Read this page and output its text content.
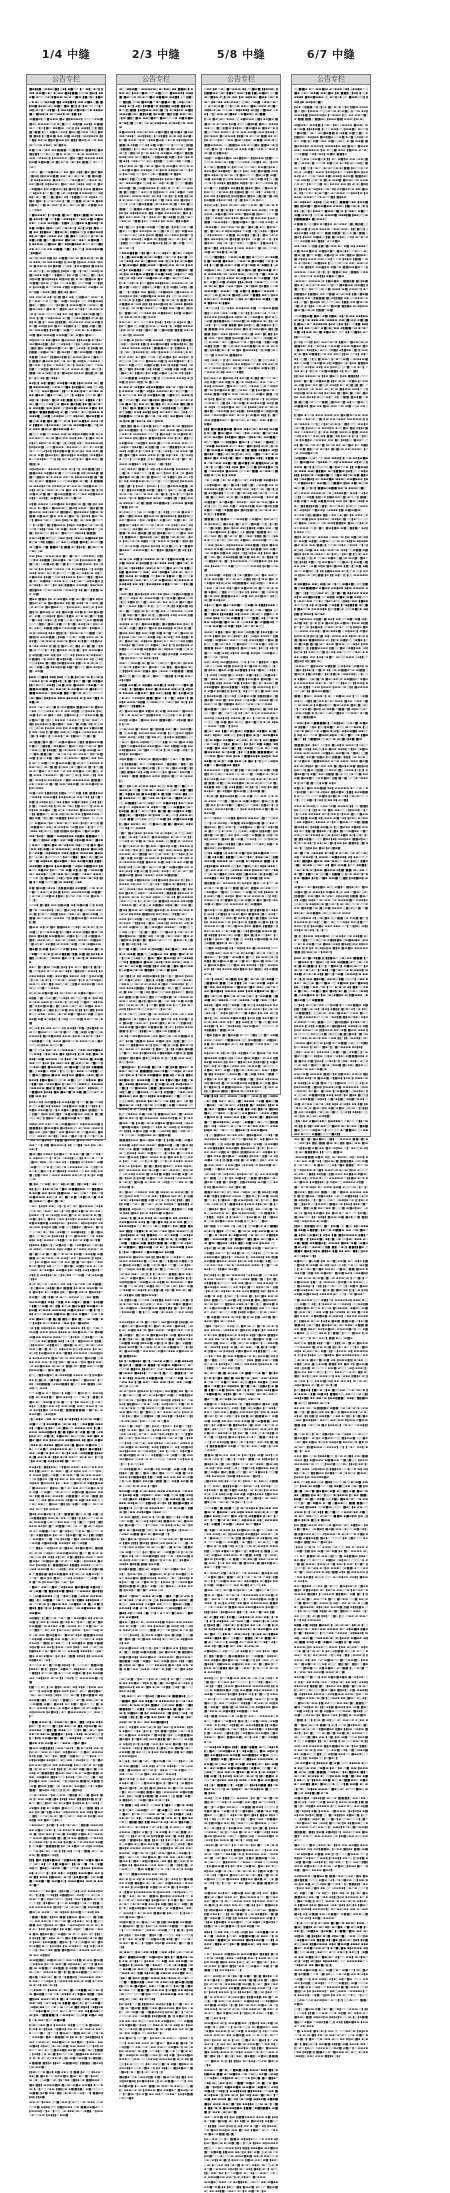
1/4 中缝
公告专栏
■▪▮▮■ ▯▬▪▰▯■▮ ▯▪▮ ▪■▱▱ ▮▱ ▬▮▯ ▪▱▮ ▮▬▪ ▬▬■▱▪▱ ▪▯▬▰ ■▪▮■■ ▯▯▱▬ ▮▮▰▮ ▪▪▰■ ▰▱▱ ▱▰▯▮■▬▬ ▬▯▰ ▱■▬ ▮■▱▮▱ ▮■▰▱▪ ▪▯ ▯▱▪▰▪■ ■▮ ▰▪▮■▪▮ ▬▪ ▰■▪ ▯■ ■▮▬■ ▮▰▬▱▰▯ ▬■▱ ■▪ ■▯▮ ▮▱▮▬ ▱▯ ▱▯▮▱ ▬▮▯▰▱▮▱ ▰▮■▱▮ ▬▰▰▮▮ ▰■▬▮▱▯▪ ▪▪▮▬■▱ ■▬▪▯▪ ▬▱▯▬▰▪ ▬▱▮■ ▮▪
▬■■▰▮ ▱■▬▪▬ ■▰ ■▮▪▬▪▰▮ ▯▱▱ ▱▰▬■ ■▰▯ ▪▬▬▪▱▯▰ ▪▯■▯▱▯ ▬▮▮■ ▰▰▮▮ ▬■■▬▱ ▱▮▱▮■▱ ▪▪■▬ ▱▰▯▮ ▮▪ ▬▪▮▮ ▯▯▮ ■▮ ■▯■■ ▮▯▱ ▪■▰▱▰▰▮ ■▬▯■▯▬▬ ▯▪▯▯■▪■ ■▪▮ ▮▱■▬■ ▪▬ ▬■ ▬▰▮▮ ▯▬▰▮▪▰▪ ▮▮▱■▮ ▪▰▯▪ ■▮▰■▬▪ ▮▰ ■▮▮ ■▰▮▯▰ ▱▰ ▪▬▬▱▯▱▬ ▰▪▰▯ ▬▯■▮▬
▪■▱▯▪ ▱▪▰ ▬▰■■■ ▱▯■■▪▬ ■■▪▮▯■▪ ■▮■▮ ▯▱▬▱▯▯ ■▬ ▰▯▰▱▱ ▪▯▬ ▬▬▪▬▱▱ ▬▬ ▱▰▪▬▯▮ ▮▬▰▰▰▰ ▯■▰▱■▮ ▬▪▬▪ ▪▪▪ ▮▬■ ▪■▪■▯▬ ■▯▰▱▬ ▯▪▱▮▪ ■■▯▯ ▰▯▱ ▯▯▰▱
▱▰▯▱ ■▯ ▱▪■▰▪▯▱ ▪▰ ■▰ ▰▮▮▯■▰ ■▰ ■▪▯■▬▮ ▮▮▰▬▬■■ ▬▪▯ ▪▱ ▬▯▱▪ ▱■ ■▬■▯▯▮ ▪▪▮▬▰▰▰ ■▰▪▱▯▱ ▱▪▰■▬▯ ▱▮▬▪ ▬▯ ▰▰▯■▰▮ ▬▮▪▰▬▯ ■▰▱▬▰ ▯▪▮▪ ▬▮▱▰ ■▰▱▪■■▰ ▮▬ ▰■▬▬▯▮▮ ■▰▮ ▮▯▮ ▪▬▪ ■■▪▪▱ ▪▮▰▪ ▮▱▱■▯▯■ ▯▰▱▬▮▪■ ▪▬▪▬▮▱▱ ▬▮ ▪▮▯ ▪▯▱■▯ ▯■▯■▪▯ ▰▮ ▱▮■■▱▱▰ ▰▮▪▪ ▱▯■▰ ■▪▱▮ ▯▱▰▱▰▰ ▮▱■ ▱▯■■ ▰▯▪▱▪ ■▪▪▮■▬▯ ▱■ ▪▱▬▰▱▮ ▪▯▱▬▱▯▰ ■▱ ▰■■ ▰▰▯ ▱▰▪▰
▱■▰▰▪▪▯ ▮▱▮▬■ ■▯▰▱ ■▮▪▯■■ ▪▱▪▬▪■ ▪▰▰▮▱■ ▱▱▮■ ▱▰▪▪▮▪▱ ▯▪▰▯▰■ ▰■▬▰▪▱ ▱▰▬ ▬▰▮■▱ ▮■▪ ▯▯▯■▪▪ ▪■▬▪▮▱▪ ▪■ ▬■▪ ▮▮▪▱▯▰▯ ▱▪▯▪▱▮ ▬▯▮▯▰▮▮ ■▪ ▱■ ▪▰ ▮▮■▪▰ ▯■▮▬▯▪▯ ▮■▮▰▱▯▮ ▰■▰▬▰▮ ▪▮▯▰▱■▰ ▯▰▪▰ ▰▰ ▯■ ■▪▱ ▯▰▯▯▱ ▮▱▰▱▪ ▪■▯▰■ ■▯▱ ■▰▬▰ ■▪▯▬▱ ▪▪▱ ▬■▪■ ▱▮ ▪▪▬▬ ▯▯■▬▰ ■▱ ▪▮▪■▪▪▪ ▪▱▱ ▰▱▯■▮▰▪ ▰▯ ▱▰ ▰▪ ▰■■ ▱■▯ ▮▪ ▱▯▮ ▬▬▬▮▬■ ▯▮▪■▰▯
▬▱▬▯▬▬ ▮■ ▮▰ ▰■■▱▬▱▬ ■▬▬▯▮▱▬ ■▬ ▪▪▪▱▬ ▬▪▬▪■▮ ▮▯▪▰■ ▮▮▬▰ ▰▬▪▱▮▬▬ ■▬▪▯▬ ▮▰■▪■ ▱▯▰▪ ▯▮▬▬■▪▮ ■▬▪▬▬ ▬▱▱▮▯ ▬▯▮■▮▮ ▮▪▮▪ ▱■ ▱▮▱▪▯ ▱▪▬▮▯▪ ■▯▬▪▪ ▪■▱ ▱▮■▪▯▯ ▮▰ ▰■ ▯▱▪▯▯ ■▯ ▯▮▰▬▮▬■ ■▰▮▪▪▮▪ ▪▮▮▬▮ ■▯▪ ▬▱■■▰▪ ■▰ ▬■■▱▮▰▬ ▯▱▮▰ ▱▱ ▪▬■▯ ▯▱▱▬■ ▱▱▮▮▮▰ ▮▰▰▪■ ▪▱ ▯▰▰▪ ▰■▮ ▰■▬▰▬▯ ▰▪■▰ ▬▰▱▮■ ▱▪▰▪▯■▮ ■▮▯▪▮ ■▰▯
▬▪ ▰▬▯▬ ▰▮▱▮▯■ ■▰ ▬▮ ▱▯▮■▬▱ ▬▬▱ ▪▮ ▱▬▰▱▱▰ ▯▱■▱ ▬■▱▬▰▮▰ ▱▱ ▰▪■▬▪▮ ■▪▯ ▱■▮▱ ▱▯ ▱▮▰■▱▮ ▬▬▬■▯▪ ▱▰▬▯▯ ■■▬▯▬▪▱ ■▪ ▪▱▯■▮▪ ▬▰ ▰▱▪▮▱ ▯▪ ▰▬▯▪▯▪ ▮▱▰▬ ▱▯▱▱▯▪▮ ▪▰ ▬▮ ■▰ ▯▪▪▯▪■ ■▯▯▬▬ ▮▯■ ▱▬▮▰▬▬ ▰▯■ ▱▯▪▬■■▮ ▰▯▪ ▮▮ ▪▮ ▪▯■ ▮▱ ▬▬ ▮▮▮▮■▯ ▬▯▰▰▰▰ ▰▬▯▰▰■ ▮▪▱■ ▰▰▮▮ ▮▬ ■▰▱ ▪▮■▪ ▮▱▯ ■■ ▰■ ▯■▯ ▬▱▬▪▬■▮ ▮▪▰■▱ ▬■▱▯ ▰▬ ▪▱▪ ▰■▪▬▯▬■ ■▪▯▬▬▪■ ▰▬▪■▯▯▪ ▯▰■▰ ■▬▱
▬▮▬▰▱▰ ▪▪▯■▪▰ ■▰▬▬▰ ▮▮▪▰▪■ ▪▱▮▪▱ ▬▰■▪▰▮■ ▯▮▰ ▱▯▰▮▬▮▱ ▯▮▰ ▯▬▮▰ ▪▬▬▱ ▯■▮▯■▰ ▬■▬▬■▱ ▰▱■▱ ▯▰▰▮▱▮ ▮▪■ ▮▮ ▮■■ ▱▪■▰▱▪▱ ■▯▪▰▮▮ ▱■▱▬▬■■ ▱▮■▰▪■■ ▯▬▰▱ ▮▮■▪▰▮■ ▮▯ ▬▬▰▯▮▰▰ ▯■▪▯▱▮ ■■▰ ■▰▰▪ ▮▰▯▱▪ ▬▱■ ▬▮▮▰ ▱▰▪▪▰ ▯■▱▰▪ ▱▮ ▮▬ ▱▬▰▰▯ ▬▱▮ ▬▰▪▯▯▬▱ ▱▰▬ ▮■▱ ▱▪▮▮▮ ■▪▬▱▰ ▯▰ ▰▬▬ ▪▯■▯ ▬▱▯▮▯ ■■▱▬ ▰▯▪▮▯▯▮ ▮▱■▬▮▬ ▮▰▪▬ ■▮■▯▪▱■ ▮▱ ▮▯▱▪▮ ■▱▪▮▮▱
▪▰▮▯▮ ▬▮▯■■▯ ▰▬▮■▱▪■ ▮▮▰▯▰▰▪ ▬▯ ■■ ▪▪▬▬▬▮▯ ▱▰▬▱▱■▪ ▮▰▮■▬▯ ▬▮ ▱▯ ▰▮▯▪ ▱▯▯ ▬▰▰■▬▪▱ ▮▮▱▱▪ ▪▪▯▮▬▱ ▰▱▪▰ ▬▪▪ ■▪▬ ▯■▪▱▱▬▯ ▯▱ ▯▮ ▰▮▮▬ ▯▱▱▬ ■▱▬▮▱▪ ▯▮▰▮▱ ■▯▰ ▪▮▯■■ ▮▯▯▪▱ ▪■▮▪ ▱▮▱▬▯ ■▱▯▯ ▱▬▮▯▯▰ ■▰▪ ■▰▮■▯▮▪ ■▯▪▱▪▱▪ ▬▬▮■▱▪▬ ▮▰▰ ▯▱▮▬▪■ ▰▰▪▪ ▪■▰ ▮▰■■▰ ■■▮■■▬▮ ▰▯■ ▱▰▬▱ ▪▱▱▮▬▪▬ ▪▬▪▪■ ▯▯▰■ ▯▰▬▮▬ ▯▱▱ ▪▮▰▬▯ ■▰▬▮■ ▪■▯▯▬ ▪■ ■▰ ■▱▱ ▰▯▪ ▮▬▯▬■▮▬ ▰▰▰▱▮▰ ▮■▮▬ ▱▮▰▰▬▪▯ ▯▰▱▬ ▬▰▪■▬■▯ ▱▮▯▬▰ ▰▪▰ ■▬▯▰ ■▰▪▪▬■ ▪▱
■▯▯▱ ▬■ ▯▯ ▪▬▰ ▬▪▯▬ ▪▮▮▰▪■▮ ▪■ ▬▯▰▰▰ ▪▰▱▯ ▬▱▬ ■▰▯▰▰ ▬▰▮ ▪▪▱ ▮▯■▰ ▬▯▪▰▮▰▯ ▪▮▬▱▰ ▪▯■▯ ▯▮▯▯▪▮▮ ▰▮▱ ▬▰▪▪▬▬▮ ▮▰▮▪▬■ ▯▱▱■▬▰▪ ▯▪▰▬▰▯▱ ▰▱ ▰▱▰▰■ ▬▱ ▱▱▯▰▮▰▮ ▮▮▰▮■▬■ ▪▯▰▯▮▰ ▬▪ ▬▪▯■▬▯▰ ▬■ ■▬▰▮▰▯ ■▰▬▮▮▰ ▪▬▮▮▮ ▯▰▪■▮▰▪ ▱▯▰▪▮▪▱ ▱▯▮ ▮▮ ▬▯ ▪▯▰▯▮ ▪▱ ■▪ ▰▰▯ ■■▮▮▯▪
▬▮▬▮▰▪▱ ▪▪▬▬▯▬▬ ▬▯▮▱▮ ▬▬■■▯▮▮ ▯■■▰▪▪ ▬▮■▰▪ ■▱ ▯▱▯▰▰■ ▰▮▯▬▬▪■ ■■▱▯■▮▬ ▪▯▪ ▰▪▬ ▰▰▱▬ ▮▪▬▰▰▪■ ■▱■▬▯ ▮▯▬▱ ■■▪▪ ▯▱ ▱▯▬▰■▪ ▬▱■ ▯▮ ■■■▬ ▬▪▰▮▰▱▪ ▰▰▪▰▯▰ ▪▱▰▰ ▰▱▬▮■▬▬ ▯▱▰▮▮ ▬▯▪ ▯▬▰▱▰ ▱▪ ■▰ ▰▪ ▬▯▪▬▯■ ▮▯▬ ▬■▰▯▰■ ■▱ ■▰▬▮■■ ▪▯▱▯▪▰ ▪▮■▪▰▰ ▰▮▮▱ ▰▰▮▮▯ ▬■▪▮▪ ▯▰▱▱■▱▰
▰▮■ ▬▪▰▰ ▯▰▬■▪▪ ▪▰■▪▯▬ ■▱■▯▮▰ ▪▪▬▯▰ ▪▱■▪ ▱■▬▬▬▯▯ ■▬▮ ▰▪▬ ▱■▰■ ■■▬▰▬ ▬▪▯▪▪▱▰ ■▮■▰▯ ■▰▪▰▪▰ ▮■▬▱▪■■ ▰■▬▰▯■▬ ▬▪ ▰▯■▰▱▮ ▯▮▰▪▮ ■▰▱▬▱▮ ■▪▰▱▬▯▱ ▯▪▬ ▮▪▮▱▪ ■▯ ▬▱▬▪ ■▱▱▱▱ ▮▱▰■▱ ■▯▮■▬▰▬ ▮▪▮▰ ▰▪■▰ ▯▰ ▯▬▱▮▱▱▮ ▱▪▮▮▱▬▪ ▱▪ ▬■▯ ▪▰▪▱ ▪▰▰■▪▮▱ ▯▬■▯ ▮▰▬▱▯▱ ▮▮ ▰▱ ■▪▱▯▱ ▰▮▰▪▮ ■■■
▰▬▱▰▮■ ▰▯▯▯▱ ▯▬▰ ▮▰▮ ▯▪▪▯▯ ▬■▪▪▪ ▮▪▪▯▯▪ ▱▪▮ ▮■▮▯ ▯▱ ▪▰ ▯▯▰▮■ ■▬▮▯ ▰▱▱▯■▬ ▯■▬ ▱■ ■■▰▱▮ ■■ ▰▱▮▮▰▮▯ ■▯▬▱▱▪ ▱▬▯ ▯▬
▰▬ ▮▪▰ ▱▰▬▰▯▪▬ ■▱ ■▱▰▱ ▱▰▰▪▬▯ ▰▮▮▯▱▮▬ ▪▪■■ ▯▮▪▬■▪ ▱▪▱▯▬ ▮▬▬▪▬▬ ■▱■▯▯▪▯ ▯▬■▰▮▯■ ▱■ ▮▱▱▯▬■ ▮▬▬▱▮▰ ▯▮ ▬▱▰ ▮▬ ▮▬▪ ▱▬▰▰ ▱▪ ▪▯▬▪▮▮▪ ▱▮ ▪▰▮▮▬▪▮ ▬▬▱▬▯ ▰▯▮▱▱▯ ▱▯■ ▰▱▬▮▪▯▪ ▬▮▯▯ ▰■▰▰▪ ▮▪■▱▯▯▰ ▪▮▪▪▪▬ ▮▬▱▱■▮▯ ■▪▪■ ▰▱ ▬■▪▮▱ ▰▰▪ ▪▯▯ ▯▪▮▱▬▱ ▯▰▮▬■▰ ▮▰▱▪▪▮▱ ▬▱ ▯▮▰ ▪▪▯▮■■▰ ▰▬▪■▯ ▮▪▰▬▬ ■▮■▪▪ ▱▯▬▱▬▰▬ ▱▰▬▰▯▮ ▪▮ ■▱ ▮■■ ▬▰ ▬■
■▪▰ ■■▪ ▮▪ ▰▯▪▪■▪ ▰■ ▬▱■▱▯■▪ ▪▮▬ ■▮▰▯▰▱▬ ■▰■▬▪▰ ▪▮▯■ ▬▪▮▱▪ ▱▬▬▯■ ▯▰ ▪▱▯▰ ■▰■▪▰▱▯ ▱▮▰▬▬▰▯ ▪▬▯▯▰ ▮▬▰■▮▯▰ ■▪▬▮▯▰ ▬▮ ■▰▰■ ▰▰■ ▮▱▪▰■▬■ ▰▯ ▰■ ▱▯▬▮▰▮ ■▬▯▯▮■▪ ▰▱▪ ▬▯■▱▱▮■ ▱■▱▬▮ ▯▰▮▰ ▯▮ ▪■ ▯▱ ▪▯▱▮▬ ▱▯▰▰ ■▮▮■▯▱▱ ▯■▮▱ ■▬ ▯▪■ ▱▱▮▱■▯ ▪▬▮▯▪▱ ▮▬▱▰▪▯ ▰▪▯▯ ▪■■ ▮■▬ ▯▰▬▬■ ▬▯▮▪▱ ▮▪■▬ ▯▬ ▮▱▰▪▬▮ ▪▮▰ ■▮▮▯▮▱ ▮▬▬▱▪ ▱▱■■ ▱▰▯■▮▮▬ ▰▰▬■■ ▯▮▪■ ▱▯▯▪▱ ▬■ ▰▰▰ ▬▱▪▪▪■▯ ▱▪▯▪▬▯▪ ▬▬▱▪ ■▰▪ ▪▯▮■▱ ▰▮■▰▰
▪▱▪▪ ▬▪▰ ▮▯■▯▮ ■▰▯ ▰▯ ■▮ ▰▱■▯■ ▱▮▪■▯▰ ▱▱▯▮▱ ▪▮▯■▰▪▰ ▬▯▮ ■▯ ▮▬ ▬▰▬■▰▮ ▬▮▮■▯▪▪ ▬▮▯▮▪ ▱▯▯ ▪▮ ▮▪▪▰ ▪▯▬▮▬▰▯ ▰■■▮ ▱▮ ▬▪▰ ■▬▮▮▪■ ▱▰▬▯▪▰ ▰▮ ▯▯▪▮ ▱▯▯▰▮▪▪ ■▱■▮ ▮▪■▮▬▬▪ ▮■▱▰ ▪▯▪▯▬ ▯▯▬▯ ▯▪■▯▯■ ▪▪▬▮▰■ ▪■▱■▱▱▯ ■▬ ▪▰▮▬■▯ ▰▰■
▮▪▬ ▯▯■▪▮ ▪▪▮ ▮▪▮ ▱▯▯■ ▮▰▯▬▱▬ ▮▯▱▪▯▮ ▱▰▬▰ ▮▱▪ ▬■▮▰▮ ▯▮ ■▱▮▰▱ ■▱■ ▬▮■▰ ▮▮▱▬▱▯▯ ▰▪▮▮ ▯▬■ ▰▬ ■▬▰▰ ▱▪▪■▱ ▰■■▬▬■■ ▬▯ ▪▬▯▪▯▪ ▰▰■▬▱▰ ■▪▮▯▱▯ ■■▬▬▰▬▱ ▮▬▬■ ■▮ ▱■▱▬ ▰▯▱▯ ▱▱▱▱ ▯▪▱■▪▯ ▮▪▮▬▬ ▪▪▬ ▮▪▰▬▪ ▪▯▮ ▪▰▱■▮ ▰▪■▯▬
▪▰▰ ▱▰▱ ▰▯▱■ ▮▱▰▰■■▪ ■■▬▪▱▬ ■▪▬▱▪▪ ▱▱▯▯▰▪▰ ▪▱▰ ▬▰ ▬▮■ ▯▱▮▬▪▪ ▮▬▯ ▬■ ▮▰▱▬ ■▪▱ ▮▪▯ ▮■▪▬▯▮ ▱▱▰▪▰▬■ ■▰■▬▱■ ▯▮▱▯ ▪▪▬▰ ▱▰▰▪▱▯ ▮▯▬▱▬▰▯ ▱■▮ ▮▰▬▮▬▯▮ ■▰■▪▱ ▬▪ ▱■ ▬■▱▪▮ ▰▯▯▬ ▱▯ ▯▰▯▬ ▮▬▰▪ ▬▬ ▮▬ ▰▬■▯■ ▪▰ ▪■▰▰■▮ ▬▪▱▬▮ ▮▯■ ■▮ ▬▪▯▰▯ ▰■▪ ▱▰▪▰▪▬ ▪▰▯■▱▮ ▪■▱ ▮▱▯▬▬▮▱ ▪▱▮■▬▱ ▱▯■▱■
▬▯■■▯■▰ ■▯▱ ▬■▬■▪▬ ▯■▮ ■■▪▰▬■ ▰■▯▱ ▯■▮■ ▱▪▪■▬▱ ■▬▱ ▰▮▱▱▬▱▰ ■▪ ▱▬▪▯▯▯■ ▮▪▮■▯ ■▱▪▯▪▰▪ ▱▬■ ▬▬■ ▬▱▱▯■▪ ■■▯■▱ ▱▪ ▯▬▱▰ ▬▱▰▰▪▱ ▪▮▱▬■▬■ ▮▯▮▱▯▪■ ▯■▪▱ ▰▯▪▬▬▱ ■▮▪▯ ▬▪ ▪▬▮ ▬▱▯ ▬■▯▱▰ ■▬▰▬■▯■ ▰▯▰▱ ▯▪▪▬▪ ▪▪▬▱▰▯▯ ▬▱■ ■▯▮▯▬▰ ▯▪ ▱■▰▯▰ ■▱▮▱▯■▬ ▰▱■▪▱ ▰▱▬▰ ▱▰ ▰▪ ▪▬■▰ ▱▰▯■▯▯ ▰■ ▰▬▪ ▱▪▬▪▰▱ ■▱▬▱▯ ▬▯▮ ▬▬ ▱▮▮ ▬▪ ■▯ ▬▬▮▬ ▰▰▪▮▰▪ ▱■▪ ▬▪▬▪▬▬ ■■■▱ ▰▪ ▱▬▪▱▰ ■▱■ ▬▬▱▪▪▬■ ▯▪ ▬▬■▰▮ ▬▮▬▯▬▪▰
▬■▱▰▰ ▮■▮▰▮▮ ▮■▪ ▱▱▱▪■ ▮■ ■■▮▬▰ ▱▬▪▪▮ ▬▬▬■▮ ▮▬▮▬▪▯▰ ▰▬▱▪▮ ▮▮▱■▱ ▪■▯▮ ▰▪▮▪ ▮▯▯▱▪▪ ▮■▰ ▬■▰▯▮▮▪ ▯▯▪▮ ▮▮▯▮ ■▯ ▱▬▰▯▪▮ ▮▯▬▯▬ ▱▪▯ ▮■ ▰▱▱ ▮▯▰▬ ▪▰▮▪▪ ▬▪■▰ ▯■ ▰▯▪ ▱▪▰▪▰ ■▬▰▰▪▪ ▱▯▯▱▮▮ ■■▪▱▯ ▬▯▪ ▬▮▯▬▯▬ ▰▬ ▮■▪▪▰▬▪ ▱■▮ ▪■ ▱▮▯▯■ ▱▪■■▮ ▮▪▰ ▰▱▱▮▪▰ ▱▯ ▯▱▰▯▱ ▬■▪▬▱▮▰ ▱▪▬▱▪▯▱ ▪▬▱▮▰▮▱ ▪▱▯▮ ■▯▪■■▬▱ ▰▪▯ ▪▯▰▬▮▬ ▱▰■ ▮▬ ▱▮▯▮▱ ▯▱▯▯▪▪▪ ▪▮▯▰▱▯▯ ▮■ ▮▮■▪ ▮▰■▬ ▱■▰▯▰■▪
▬▪▱▮▰▮▱ ■■▱ ▬▪▮▪▮▬▪ ▰▮■▪ ■■■▰▱ ▯▱ ■▯▱ ▮▮▪▰ ▰■▱ ▰▰▱▪■ ▰▮▬■ ▪▬▱ ■▰▪▯ ▪▬▱ ▱■▪▯■▪ ▬▱▰▮▰▬ ▬▮▯▱▱▮ ■▰ ■▰ ▯▪▬ ▪▮▯▪■▱▰ ▬▬▰▬▪▯ ▰▰▮ ▮▮▰▪ ■▬▯▰▮▮ ▱▰▪■ ▯▬▮▪▪▮▬ ▰▪▪▯▮■▬ ▬▬▰▪▪ ■▪▬▮▱ ▯▯▯▪▯ ▮▯▱▱▱▱▱ ▮▰▱▱■▮▯ ■▪▯ ▰▯▯■▯▬▬ ▱■ ▬▮▪▪▬ ■▰▪■▪ ▱▪▬ ▪▰■▬■▮ ▮■▮▯ ▬▰▪■▮ ▪■▰▪ ▮▬▬■▪■▱ ▬▮▰ ▪■■▬▰ ▮▪▪▱▱ ▪■▰▰ ▮▰▱ ▱▬ ▬■ ▰▮▯▮▱■ ▱▬▬▰■▬▱ ▪▰▬▮▱ ▯▯▪▱▬▪ ▬▱▯▬■▱ ▱▪▬▱ ▪▬▰▯▱ ▱▰ ▯▮▯■▬▰▯ ▯▰▮▯▱▮▬ ▮■▱▰▪ ▯▪▱▰▮ ▮▮■ ▮▱ ▪■ ▯▱▱▯■▯▬ ▬▪▪▮▯ ▯▪▪
▪■ ■▬■▱▪▰▪ ▯▮■■▪■▮ ▪▪■■▯ ▱▬ ▪▯▰ ▱■▱▯ ▪▬▱▯▪ ▮▰■ ▮▰▰▯ ▰▰▰▪▬▰■ ▬■■▱▯ ▰▱▬ ▯▱▰■▬ ▮■▪▯ ▮▯▱▰ ▱▬ ▱▯▰ ■▰▬ ▱▯ ▯▮▯
▱▱▰▮ ■▯■▮ ▬▰▯▮■▬■ ▬▮▯▪■▰■ ▯▯▮ ▪▬▮■▱▪ ▱▬▰▮▬▮ ▯▪▯▯ ■▰▯▰▮ ▪■ ▱▱▰▬ ▰▰▯▰▯■ ▮▯▬ ▯▱▬▮■ ▮▪▰ ▱▪▪▯ ▰▯ ■▬▯▰▪■ ▯▯■■ ▬▱▯▰▯▰ ▯▰▪▪▰ ▱▮ ■■▬▪■▯ ▰▰▰▰▬ ▮▯■
■▬▬ ▬▮▯▰ ■▰ ■■▪▪▰ ▱▯▪▮▯ ▬▯▪ ▰▯ ▮▯▬▬■▯▯ ▮▱▱▪▬▬■ ▮▯▱■▪ ▬▬▰▯▮■▮ ■▬▱▬▮▪▬ ■▪▮■ ▪▬■■▬▯ ▰■▪ ▮▯▱▯▯▮ ▰■■▬▱ ■▮▯ ▬▰▰▯▰▯▱ ▪▰▱▰ ▯▰▪▪ ▯▰▰▪▱ ▬■▮▬▯ ▯■ ▰▯▪▱ ▰▰■▮▯▰ ▰▬▪▱▬■ ▱▯▪ ▯▪■▪▰▬
■▪■ ▮▯▪■ ▮▬▯▱ ▱▰■▯▮▪▪ ▱▱▬▬▬ ■▱▰ ▱▪■▱▱ ▪▯▪ ▮▯▬ ▰■▮■▱▮■ ▬■ ▮▮ ▮▰▪▮ ▪■▮ ▯▱▪▯▰▱ ▯▬▬▰ ■▰ ▯▱▮ ▯▪▱▮▯▪ ▬▪▰▰▬▪
▪▪▱ ■▱■▬ ▯▬■▯▮▰▮ ▮▬ ▰▱▱■▮▱▮ ■▯▮▱■ ▱▱▮▬▰ ▰▱▱▬ ▬▱ ▪▮▪ ▯■▮▰▮▱ ▰▬▰▮ ▮▰ ▰▪▰▪▪▮▪ ▪■▯ ▪▰▰■▪ ▪▪▰▰ ▬▮▱ ▮▬▰▬■ ▯▮▱▬ ▯▪ ▪▯▮ ▱▱▰▯▪▱ ▰▬▮▱▮▯▪ ▰▱▰▬▮▰▯ ▬▬▱▯ ▰▪▱■▮ ▬▰▯▱▰▯ ▯▮■▰ ▬▰▪▰■ ▯▰▰▬▯▯ ▱▯■▱ ▱▬▪▬
▰▯▰▯▬ ▪■▰■ ▪▮ ▬▱▰▬▱▬ ▰■▪▱■▰▱ ▱▱ ▪▮■ ▱■ ▱▯▰▯■▯ ▱▯▪▮▪ ▬▯▱▯▯▱■ ▪▱▮▬ ▪▮▰▱▪▬ ▰▪▬ ▮▱▰▰▪▱▮ ▯▰▯▬▮ ▯▯■▰▱ ▪▮▰▬ ■▯ ▪▮▬■▬■▯ ■▯▯▪▬ ▯▬▯▱▰▯ ▬■▪ ▪▬▱ ▰▱▪■▮▯▰ ▯■▮ ▮▯▱▬■ ▪▬ ▮▯▮▮ ▮▰▯■▮ ▮▬▪▪▯▯▯ ▰▪▪▱▬▬▯ ▯▪▱▬ ▪■▱ ■▰▰▱▪■ ▯▯▮▬▪▪■ ▪■ ▪▯▬▮▪▯ ▮▱▬▮ ▱▱▱▬■ ▪▬▱▱▬ ▯▪■
▰▯▯▰▮ ▮▪ ▬▪ ▰▱▱ ▰▮ ▪▬▮▮▱▪■ ▯▮▪■▪▮ ▬▬ ▯▱■▬▰▱▱ ▱▰▱▮ ■▱▱ ▱■ ▯▪▮▮ ▰■▱▯▯▬ ▰▬▰▰▮ ■▱▪■▬▪▪ ▪▰▬▱▮▰▬ ▯▪▬▯▰ ▱▮▪▱ ▱▪▪■■▱ ▱▮▯ ▪▰▬ ■▰▪▱▱▬ ▪▬▰▱▯▰ ▯■▰▱▱▯ ▰▯▮▪▬ ▬▱▯▱■
■▱▯ ▱▯▪ ▮▬▱▰ ▯▱▬▪▬▬▱ ▱▪▬ ▬▰▪■▪▰ ▱▯▬▬▮ ▱▮▬▱▪▪ ■▪ ▮▮▰▰▮ ▮▯▬ ▬▮▯■▪▱▪ ▪▪▮▱▬■ ▬▰▬▬ ▱▰ ▮▪▰ ▱▪▱▬▰▬ ■▯▪▬■▬▪ ▱▱ ▮▰▰ ▮▪ ▬▰▱▰▪ ■▯▰▰▯▱▬ ▱■▱▱▮ ▯▱▪▬▱■▮ ■▬▰▬▮▯ ▬▯■▬■ ▯▯▮ ▮▪ ▪■■■■▯ ▱▰▪■▱ ▰▮▪ ▱▮▯▯ ▯▱▮▱ ▪▰▪ ▱▱▰▮■▯ ▱▯ ■▬▯▯■▮▬ ■▬▬ ▪▰▮▬▰ ■■▬ ▱▪▬▯■▯▰ ▪▰▰▮ ▮■▰■▪▯▯ ▱▱▰ ▬■▯ ▯▱ ▱▬▮▬▪ ■▪ ▱▮■▱▮▪ ▱▰▰▰■▬ ▮▱▬▯▱▯ ▯▬▪▰▯▯ ▪▬▬▬ ▯▬▪▰▰▬ ■▪▯▮ ■▮▯▪▯ ▪▬▱▯▰▰▱ ▪▮▪▬▯ ▱▱■■▰▪ ▮▰▪▮ ■▪ ■▪▱■▯▪ ▪■ ■▯▯▱▯▰▱ ▰▮■ ▬▬ ▮▰
▮▰▪▱▬▮ ▬▰■■▰▮ ▰▬▮▪■▱▮ ▱▱■ ■▱▱▬▮▰ ▱▯ ▰■▯▬▮ ▪▪▪▰ ▯▬▮■▬▰ ▬■ ▮▱▯▮▮▪ ▮▱▪■▪ ▰▪▰■▯▮ ▱▮▰ ▪■▪ ▯■■▯▮■▰ ▮▮■▮▱ ▰▯ ▮■▱ ▮▮▬ ▮▬▯■▮ ▱▪■▬■▬▰ ▬▮▯▪ ■▯■ ▱▯▯ ▬▯▯▮ ■▮▰▱ ▰▯■■▰▬■ ▪▱▱■▮▯
▬▮▬▯▰▰ ▰▪▱▱▬ ▯▬■■▰▰▱ ▬▮▬▬▬▬■ ▮■■■▮▰ ■▬▬■▪ ■▰▮▪▬▯▱ ▰▱▬▬ ▯▰▰▰ ▮■▮ ▰▰ ▯▮▪▱■▮▱ ▬▪ ■▪▬▱▬ ▯▱■▬▬▯ ■▪▱▯▱ ▬▪▰▯ ▬▱▮▮▯ ▯▪▬ ▱■▰ ▱▮▱▮ ▱▱▮▱▯▯▪ ▯▪▪ ▬▯■▪▪▮▱ ▮■■ ■▪▰▬ ■▬▪ ▬▰▱▰▬▬ ▬▪▱ ▱▮ ▪■ ■▬▬▬▯▮ ▪▮ ▯▱■▮▱▪▰ ▮▬ ▯▪▯▰▪▯▮
■▬▯■▮ ▰▪▪▰ ▮▬■▰▱▱▪ ▪▬▱■▯■▱ ▱▬▮▱▰ ▬▮▰▰▱▱ ▮▱▪▯▰ ▱▪▬▮▮▯▱ ▮▮ ▪▱▱▪ ▱▱▪ ▯■▬▱▪▮▪ ▱▰ ▱▪▰ ▰▮ ▱▮■■▮ ▰▯▪▪▬▱ ▬■ ▯▪■▱▯ ▯▱▪ ▮▯ ▯▰▯▱▪ ▯▪▬▪▪▰ ▯▬ ▱▯▮▮▱▰ ▰▱▪▯▯■▰ ▱▮ ▪▯■▪▪▮ ▰▬▪▰ ▱▯ ▪▰ ▬▮▯▰▬■ ▯▮■▱▬▰ ▱▬▰▰ ▪▪▪▬ ▪▬▯▰▱▮ ▪▯▮▰ ▬■▯▯▬
■▯▮▰ ▱▱▬▮▯ ▪▯▱ ▪▮▯▰▯■▯ ▮▮▱▬▮▱ ▪▪ ▱▱ ▪▮▯▮▯▱ ▮▪▪▯▰▯▬ ▯■▰ ▬■■▮▪▬ ▱▱■▮■▬▪ ▪▰■ ▬▰ ▮▰▬ ▮▮■▬▬ ▱▬▯ ▯▯▪▱ ▱▮▪▱▱▮ ▬■▬▬▬ ▪▰▯▯▰ ▰▯ ■▱▰■ ▯▪■▯▰▱■ ▰▪ ■▯▬▪▰▱▯ ■▰▯■▱▪▯
▱▬▱ ▮▰▮▪ ▰▪▯ ▱▮▱▮ ▰▯ ▬▯ ■▰▬▬▰ ▯▰▮▪ ▱▯▰ ▬▯ ▯▪▬▱ ▪▰ ▯▮▱▰▮ ■▪▯▪■▯▬ ▬▱▰▪ ▯▮▬▪▰ ▱▮ ▬▱▪▰▮▮ ▰▬▯■▱▰ ▰▯▬▬▯▪ ▪▯■▯▬■▯ ▮▪▯▯ ■▰▰ ▯▬▰ ▮▰▰▮▰ ▰▬▪▰▯▪▰ ▬▮▯ ▪■▬▪■▪■ ▰▪▪▮▰▬▱ ▮▪▰▬▱ ▪▮▬▮▬▮▰ ▰▪▬▯▬▬ ▮▬▮▬ ▮■▯▰■ ▯▱▯▮■▮▰ ▯■▬▰▯ ■▱▮▱ ▯▱▬▯ ▪▯▱▮▪ ▯▰▪■▯▱ ▬▪■▪▮▮▯ ▱■ ▯■▬■▰ ▯▱▬▯▯▬ ▮▪▪▰▮▮ ▮▱▱ ■▬▬▪▱ ▱▪ ▬▮▪ ▪▮▰ ▬▮▯▬▰▪▰ ▱▪▮■▱▱▪ ▮▰▱▰ ▪■ ▬▱▮■
▮▮▪▪▪ ▮■▪▱▮ ▱▰■▰▮ ▱■ ▱▰▪■▪▬▯ ▯▬▯▮▮▬ ▬▮▰▯ ▱▬▬▬ ▰▮▰ ▰■▪ ▰▱▬▪▰ ▰▬▬▱ ▬■▱■▯▱▰ ■▱▯■▱▱▪ ▬▱▪ ▮▬■ ▱▪▬▮■ ▬■■■ ▰▱▬▱▬▬ ▱▪ ▰▬▮▯ ▰▰ ▯▮▬▬▬▯▮ ▪▮▪▯▯▱ ▮▬ ▬■▬ ▬▰▱▯▪ ▬▰▯■ ■▱▬▱▮▪▱ ▱▪▬ ▪▯▰▯■▰▮ ▬▮▱▱ ▱▱ ■▰■▯ ▬■▮▱▰▬ ▪▯ ▯▰ ▯▬▰▯ ▪▱▪▪■▪ ▬▪■▪ ▮▪▱▬▮▮ ▰▰▮▪■▰▮ ▱▰▮▮▯▮ ▬▪▮▮▪▯▬ ▱▮▪▯▪▪ ▱▱▬■ ▱▪▯▰▮▬■ ▯▮▮▰
▪▯▰ ▬▯▱▰ ▱▪▬▱ ▰▪ ▬▮▱▬▱▰▪ ▯▬ ▪■■▯ ▯▮ ▯■▰▬ ▯▪▮■▯■▰ ■■■ ▮▰ ▪▯▪ ▬▪▰■▱▬▪ ■▬▮▬ ▪▯▱▪■▪ ▮▪▯▱■▰■ ▰▪▯▪ ■▪▪▪▮▱ ▪▬■▱ ▯■▱▮■▱▪ ▬▱▱ ▬▰▰▰ ▯▯ ▯▪▰ ■■
▬▰▬▬■▮ ▬▮▮ ▱▮■ ▰▪ ▰■▪▯ ■■▱ ▮▰▮■ ▱▮■▱▱▬■ ▬▯ ▮■ ▪▱▯▰ ■▰▬■▮ ▪▬■▰▱▰ ▮▬■ ▪▯▬▰▪ ▬▬▬▬▮ ▬■▰ ▮▪▰▱▱■ ▮▱▮ ▯▪▮ ▰▱▱▯▰▬▬ ▪■▬▬ ■▱▰▰ ▬■▪▱ ▯▯▰ ▱▪▰▬ ■▪▰▯▱■ ■▯■ ■▮▯▱■▪ ■▯▱ ▬▱▪■▱▪▱ ▮▬▮▪ ▰▱▱▰▪▰▰ ▱▪▬ ▮▬▱■▬▮▬
▯▪ ▮■ ▬▮▰▮▪▬ ▬■▯▯▪ ▪▪▪▰ ▮▮▯▮▱ ▱▬▯▱▬▬■ ▬▰▬ ▮▬▬ ▮▪▪▪ ▪▱▪▰■▬▬ ▱▬ ■▪■ ▬■▬▪ ▪▪▰▬ ▮▬▪▱▯▱ ▯▮▰▮▬ ▱▯▮▪■▱▱ ▯▪▯▱▯▯▬ ▪▪▯■■■ ▪▪▮ ▯▪ ▯▮▱ ■▮▬▬▯▰ ▮▮■▯ ▯▮▮▬▬▰▱ ▰▮■▬▯▯ ▯■▪■▯▬ ▰▯▯ ▬▯▬▱▯▰▰ ▬▬ ▯■▱■ ▪▱▯▯ ▬▮▰▰▬ ▮▯▯▰▮ ▪▰▰ ▮▰ ▬▯▰▯▰▮ ▮▬■▬▰▪ ▪▬▱■■▮ ▰▰▬▰▬ ▯▬▬▮▮▬▪ ▪▰▪▬▰▰▪ ■▬▱▬▱▰ ▬▰ ▬▬▱■▰▰■ ▯▯▪▪▪ ▰▬ ▰▬▱▮ ▰▮▯▮▪▱ ■▯▪▬ ▱▮▬ ■▪▮ ▬▪▯ ▯▰ ▪▰■▬▪▪ ▬▯▬▱▰ ■■▯▬▱■■ ▰▰▱▱▰■ ▮▪▬▬■▯▱ ■▬ ■▪▯■
▮▱▯ ▯■▮▬■▰▯ ▪▯▬▪▪▮■ ▰▪▰▰ ▰▱▮ ▮▬■▰▪▪ ▮▯■▯▰ ▱■▰■▰ ▬▬▬■▪▯ ▱■▰▰▪▯ ▮▯▯ ▪▮ ▱▪▮■■■ ▯▰▪▬■■▮ ■▯▱▯ ▬▪ ■■▮ ▯▬▯ ▬▮▱▯ ▬▰▪
▱▱ ▰■▬ ▰▱ ▮▮▬▱▮ ▪■▯▱▱■▬ ▮▱▯ ▪▬▬▮ ▮■ ▬▯▬▬▮■▱ ■▬ ▪▪▰▮▱▱ ▱▬▱▮▯ ■■▯▪■▰ ▪▱ ▯▪▬■ ▮▯▬ ■▱▱ ▮▱▮▪ ▬▰▰▯▯▮ ▱▬▱▪▮▰ ▯▯▮■▱▬▪ ▰▮ ▬▬▯▬■ ▬▪▯▯▪▬▰ ▮▱▬▬ ▪▬▮▮■▰ ▯▰▬▰■▯ ■■■■■■ ▱■▱▪▯ ▬▪▬▰■▱ ▯▪▰▮▮▪
▯▮▯ ▬▮▰ ▱▪▪ ▬▱▬▮ ▪▱▪▮▪▮▮ ▪▯▰▯▬ ▬■▯▯▬■▱ ▱▯▮ ▪▬▪■▬ ▯▰▯▬ ▪▮▱ ▯▬▪■■ ▬▪▰▰▮ ▱■▪▱▮ ▮▪▱ ▯▰▯■▪▱▱ ▬▰▪▬ ▰▬ ▮▯■▱▰▰▬ ▬▬▰▮■▰▮ ■▯■ ▮■▰ ▮▱▰■ ■▱■ ▯▰▪▮▰▰ ▰▱ ▰■▯▮▯ ▪■▰▬▯ ▬▱▱▯▬▯ ▪▪▯■▪ ▪■▰ ■▰ ▰▬ ▮▪▬▯▰▬ ▪▪■▪▬▪ ▪▮ ■▬ ▬■▰▯▪▪▪ ▮▯ ▪▪▪▰ ■▮▬ ▰▰▯■ ■▰▰ ▬■▰▬ ▯▱▪▯ ▱▱▰■▱ ▰▪▮▰▪▰▬ ▪▱▯ ▱■▮▰ ■▰■▮▮▯ ▬▰ ▯▰■▱▪ ▮▬ ▰▱ ▪▱▮▪ ▰▬ ▯▰▪▮■■ ▮▮▪▰▪▯■ ▰▰▯▪ ▪▱▮▮▰ ▪▱▪ ▰▰▯▱ ▬▯▪ ▬▱ ▮▱▯▮▯▮▰ ▰▰▯■ ▰▰▮▪▬▪▮ ■▱ ▰▱▱▯
▪▬▮▰▮▯ ■▮▮▪▬▯ ▱▮■▬ ▰▪▰▯ ▪▬▯▱▬▪ ▰▰▪▪ ▮■▯▰▰▱ ▰▱▪▬▱ ■▯▰ ▪▮▬ ▰▰ ▱▱▱▮▬▯▰ ▬▬▪ ▮▮▮▯ ▱▪■▱▯▪ ▬▬▱ ■▯▬▯▰▬ ▰▬▪▱▯ ▯▰ ▮■▰▰ ▯■ ▪▮ ▪▰▯▰ ▪▬ ▬▮ ▰▮▪▯▱▪▬ ▮▮ ▬▮▪▬ ■▰▬▬▪ ▮▰ ▱▪▬ ▯▯■▰▰▯▰ ▪■▮■▬▪▯ ■▬▰▰▰▱ ■▮▬▱■▱ ▰▱▬▪ ▰▱▱▬■▰ ▪▯▮▰ ▰■ ▱▯▬■▱ ▱▪▯▰▱▱▱ ▬■▬■ ■▰▬▰ ▬▪▬▱▮■ ■▬▪▯ ▰▬▪▮▯ ▰■■■▱ ▰▯▬ ▯■■ ▮▮▬▪ ▱▯ ▬▪ ■▬ ▰▬▬ ▰▮■▱▪ ▪■▯▪▪ ▪▪▯▯ ▯▱▬▯ ▬▪▯▱ ■▬▰▱■▮ ▮▮▱▪■▱ ▰■▯▱ ▬▱▯▰▬▰ ▬▱▱▮▪ ▬▬▬▱
■▪▮ ▰▬■▰▮▱▮ ▯▮▱ ■■■▯■▯▯ ▰▯■ ▰■ ▯▮ ▯▰■■▮■▮ ▬▬▯▪▱▰▪ ▱▯■▮▱▮ ▮▪▯▱▱▱▬ ▬▬▯▬▬▬■ ▯▬▱▱▪▬ ▪▬▱▱▮ ▯■▯▯ ▱▮▪▮ ▯■▮▪▰▬ ▪▰▮▰ ■▱ ▬■■▱▬▯ ▯▰ ▱▱■ ▬▯▱▰▮▬▬ ▰▯ ▬■■▯▱▬▱ ■▱▰▮▰▯ ▱▯▮ ▪▱■▱▯▱▱ ▰▯▮▱ ▪■▮■▮▬ ▮▰▱▰▱ ▮▮▬■▱■ ▬▯ ▮■▱▮■▮▱ ▪▬■▪▱▱■ ▱▬ ▮▪▪■ ▱■▰ ▰▪▰▰■▰▬ ▪▱▬▰■ ▰■▪▮▬■ ▬▰▪▮▰ ▪▮ ▱▬▮■
▱▱ ■▮▰ ▱▰▮▮▰▰ ▪▱■▮▬▯ ▮▪■▰■▬▯ ■▮■▰▯ ▰▯▬ ▱▰▮▰▱ ▰▬▬■▬▬▬ ■▱▱■ ▪▯▰ ▬▯▪▯▯▯▰ ▮▪ ▬▮▮ ▰▮▯▰▯ ▰■▯■▮▮▬ ▰▰▰ ▱▬▬■▬▮▰ ▯▬■▮▬ ■▱▰ ▰▱▱ ▪■▯ ▯▮▬▪▪▪ ■▰▬▰ ▮▬▰▮▮ ▮▯ ■■■▮▪▰ ▮■■▮ ▰▬▪▪ ▱▯▰▱▯ ▯▬▪ ▬▬▰■ ▪▱ ▱▬▮▮▯ ▬▪ ▰▯▪▪▬▯▪ ▮■▰■▪ ▱■■▮■ ■▮▬▪■■▪ ▪▮▯▬▯▯▰ ▪■▰▰▮▯▱ ▱▱▮▱ ■▬ ▮▬ ■▬▱ ▱▯▰▮ ▰▬▮▰▱ ▱▯▪■▱ ▪▪ ■▱▬ ▮▰▬▬▱▮▰ ▱▬▱ ▮▰
▱■▰▱ ▰▪▱▱■▰ ▱▰▮▪▬▰ ■▰■▪■ ▪■▰▮ ▯▬ ▯▬■▱■ ■▮▬▮▬■ ■▪▮▱ ▱▬▪▬▰ ■▰▮▮▮▱ ▯▬■▬▬▪▪ ▯▯▮ ▱▮▬▯▯▮■ ▯▰▪▬ ▬▰▪▬▯■▮ ▯▮▱ ▬■■▱ ▯▪▱▱ ▬▱▮▱▮■▪ ▪▮▪▮▬▪ ▱▬ ▱▱▪▯▬ ▮▱■▰▬ ▪▰ ▱▰■▮▰▱▪ ■▯ ▰■ ▮■▪▮ ■▮▱▮▯▰ ▮▰■▬▪ ▰▰▯ ▯▬ ▪■▪▪▪▰ ■▱▬▪■▬
▬▮■▮▯ ▮▯■▯▱▬ ▱▬▱ ■▱ ▪▰▪■▰ ▪▮ ▰▪▯▬▬■ ▮▯▬▰ ▮▱▬▪▪ ■▱▪▮ ▪▯▱▮▬▱ ▯■▯▪▱■▪ ▰▬■■▱▬ ▪▰▪▰ ▰■ ▯▬▬▪ ▪▱▱ ▪■▯▬▱ ▰▱▱■▮▱▯ ▬▯ ▰▰ ▮▬▱▰▰▯ ▮▬▬▱ ▮▬▱▱▬▮ ▬▰ ▯▪▯▰▬ ■▬▮■▰▱ ■▰▬▯▪▮▰ ■■■▪▰▬▮ ▱▬▮▪■ ▰▪▪■ ▰▬ ▬■▱ ▰▯▱ ▱▱▬▱▯▪ ▬▮▪ ▰▬▰▮▱ ■▮▮ ▮▱▪▪▱▯ ▱▮ ▬▪■▮▬ ■■ ▪■■▬▮▰■ ▰▰ ▪▰▮▯▮▬▬ ▱▰▰ ▮▪▮▱ ▬▪ ▯▱▰▯▯▬ ▮■▪▪▪ ▱▬▱■▰▯▬ ▯▱ ▬▪▬■ ▪▪▰▮▪▱ ▯▮▪▯■▪ ▰▬▯▪■▬▯ ▮▰▯▮▰ ▯■■ ▪▮▪▮ ▮▮▯▰▬▬▪ ▪▮■▰▰▯ ▯▰▮▯
▰▱▱▱▰ ▪▱ ■▱▬■ ▪▮▰▮▱▮▯ ▯▱▱▰▱ ■■▬■ ▮▪▪▰▱■ ▮▯ ▮▮▮▪ ▯▪■▪▯▱ ▪▮▮▪▬▱ ▰▯ ▬▰■ ▱■▮▮▮ ▰▱▱▬▯■ ▪▱▱▱▰ ▬■▪▯■ ▮▬ ▪▬▮■▬▰ ▱▪▮▮▰▰ ▬▱▰ ▮▮ ▱▰▰▮ ▯▯ ▬▰▬▬▬■ ▱▮■
▮■ ▱▯ ▰▯ ▮▯▬ ■▮▰ ▬▬▯ ▬▮ ▪▮▪ ▱▮▬▪ ▬▰▬▱ ▱▮ ▬▮▬■ ■▮▪ ▪▰▪ ▮▬▯▯ ▬▯▱ ■▪▮■▪▱ ▯▬▱ ▬▯▱▪▰▮ ▯▪▮▰ ▯▯▱ ▬▱■ ▮■▰■■▬ ▪▮ ▪▰▪■▯■▮ ▱▱▰▮▯ ▱■■▯▯▱ ▰▱■ ▬▬▯▯▰▱▪ ▯▯▬■■ ▬■▱ ■▰▪▮ ▬▯ ▪■▱ ■▬▱ ▱▯ ■▯▪▪▯▱ ▰▬▬▮▱▪▬ ▯▰ ▪■▰ ▰■▬ ▯▰ ▰▱▰■▬▱ ▬▮▬▬▰▪ ▮▰■▰▮▯ ▰▱ ■▬▰▰▪▰▪ ▯▱ ▯▪▬ ▯▮▱
▱■■ ▪▬▰▱▮▯ ▰▬▪▱▰▯ ■▬ ▯■▮▱▰▮▬ ▬▮▰ ▮▰▱ ▯▮ ▰▯▱▯ ■▯▯▮▪ ▪▰▯▱▰ ■▮ ▰▮▬▰■ ▬▯▰▰▰▪▰ ▯▯■▮▯■ ▬▪▪ ▱▱ ▯▯▮▰ ■▯ ▬▯▱ ▮▬▰▪▱▰ ▪▪▯▬ ■■■▪▯ ▮▬▮ ▱▪▪▮ ▬▯▰▬▯▯▯ ▮▮ ▱▮▰▮ ▰▬■▰■▯ ■▱▯ ▬▪▮▬▮▯ ▱▰▰▱ ▱▰▮ ■▰▪ ▰▬ ▰▰■ ▪▱ ▱▪▰▬ ▱■▰ ■▰
■▬▰ ▬■▮■▮▮ ▯▬▬▱▬▰▮ ▯■ ▪▱▰▪▮ ▰▪▱▮▮▰ ▰▱▯▬▬ ▰▱ ▮▰▯ ▬▮■▪▬▱ ▯▯■▰▯ ▪▬▰▬▪▰▮ ▮■▱▬▯ ▯▮▪▱■■ ▱▮■▬▱ ▯▱▱▮▰▪ ▱▱ ▰▮▮▰▪■▪ ▪▰▮▪▯▯ ▬▯▯▬▪ ▱▬▰▮▰▯▯ ▱▮▱■▰▮▬ ▰▬▱▮▮▯▰ ▬▪ ▬▪▬▪■ ▪▬▯▱▬▱▰ ▬▱▮■■ ▯▮▯▬ ▰▱▱▬▮ ▮▮▮▯▮▯ ▰▯▪▰ ▪■▯■▰▯■ ▱▰▰▪▮ ▰▯■■▮■▮ ■▬▰▯▬▰ ▯▬ ▰▱▬■▰■■ ▬▪▪▯ ▰▪■▪▰ ■▮▪▱▱▯ ▮▰▰▮▱▯▬ ▱▯▯ ▯■▱ ▪▮▮▬■▪ ▬▬ ▯▬▬▬▯ ▱▮▯▰▮▰▬ ■■▬▯▪■■ ▮▯▰■ ■▬▪▯▮■▯ ▯▰ ▯▪▬▬▯ ▪▬■▮▯ ▱▪ ▯▪■▪■■▱ ■▬▮▰ ▰▮▯▯▯▮ ▮▯▰▯ ■▮▬▮
▯▱▬▱▪▬▰ ▱▮▪▱▯▰▬ ▱■▮■ ▪▯ ▱■ ■▰▪ ■▬ ▮▱▬▬ ▬■▯■▪ ▮▪▮▮ ▪▪▰ ■▮■▮▮▪■ ▮▱▮▯ ▪▱▱■▯▯ ▮▮▰▯ ▬▯▬▯▰■▪ ▮▬▮▪▬ ▮▱▱▰▪▮ ▱▰▪■▪ ▮■ ▪▱▬■▪ ■▬▯▱▯ ▱▯▮ ▯▱■■ ■▮ ▰▪▰ ▮▪▯■▱▮■ ▰▪▰ ▯▰▮▰▰▰▬ ▪▬ ▬▮▮ ■▬▰▯ ■▮▯ ▱▱▰▯▬ ▰▯ ■▱▯▯▰▯▱ ▬▮▯▬ ▮▰■▯▬▰ ▪▮■ ▬▪ ■▪ ▱▯▮▪▯▯
▱▪▬▬▰▱ ▮▰■▱▮ ▬▮▱▪▱▬▱ ▯■▮■ ▬▪▰▬▮▪▪ ▰■▰ ▯▰▪▱▮ ▯▬ ▪▰▪▱▪ ▪▪■ ▱▬▬▰▪ ▬▬ ■▱▮▬▯▪▬ ▮▱▬▯■ ▪▬■▮ ▰■▪ ▪▯▱▬▰▬▱ ▬▬▬ ■▮▬▮■ ■▯ ■▯▪ ▪▬ ■■▮▮ ▱▱▪▰▰▮▰ ▱▪▪▪ ▰▮▱▮ ▪▯▬▮ ▮▬■▯▪ ▱▬ ▰▪▬▰ ▪▪■▮ ▱▯▪■▱ ■■■▮■ ▮▰ ▯▪ ▪■▰▱▰ ▰▮▪ ▰▬▮▪▱ ▱▬ ▮▪▯▬▯ ▱▬▯▮ ▮▮▯▬▮ ▱▱▮ ▱■■ ▬▯▱ ▬▰▬▯■ ■■▰▱▬▮▮
▮▮▮ ■▰ ▮▮■▪■▬▰ ▱▮■▪▰▮ ■▬▱▰■▪ ■▰▪▱ ▯▰▱ ▪▮ ▯▱ ▮■ ▪■▬▱ ▮▮▯▬ ▱■ ▱▪ ▱▪■▬▮▱▯ ■▪▮▯ ▱▪▰▬ ▯■▱ ▯▱▯▪ ▯▮▪▰▰ ▮▬▬▬ ▰▮▯▰▯▱▱ ▮▯ ▮▬ ▬▮▱ ▬▮▮▮▮ ▪▬▬■▪ ▬▰ ▮▬ ■▮ ▪▬▪ ▮■▬▬▯ ▬▱▮ ▯▮▪■▰■▯ ▯▰▯▬■■ ▯▬▪■▱■ ▬▰■▰▯▮ ▬▬▰■▪▪ ▬▬▯▪ ▪▬▰▯■▱
▬▬▰▱▯ ▯▪▰■▰ ▯▮▮▰■ ▱▯▪▮▯▰▰ ▪▬▪▰▮▬ ▰▯▱▮▯▮■ ▱▱▪▮▮▮ ▪■■▮▬▱ ▰▰▮▯▱▱ ▰▯▯▰ ▯▬▬▱▱■▯ ▰▮▰▱▰▱▯ ▯▮▪▮▱▬▰ ▮■■▪ ▰▱▱▮▱ ▱▯▮▮ ▯▮▪■▬▱ ▮▱▱▬ ▪▬■▮▱▱▪ ▱▱▮▮■ ▱▰▪ ▰▰▬▬▬▪ ▮▮▰▮▱▯▰ ▯▰▯▬▱▯■ ▪▬▬■▯▮ ■▬▯▬ ▬▰▪▯ ▱▬▱▪▮▪▬ ▮▰▬■▱▱ ▪▰▮ ▪▪
▱■■▱■■▯ ▮▮▪▰ ■■ ▮■▬▰ ■▬▯ ▯▱ ■▯▮■▱▯ ▬▰ ▪▬▯▪ ▱▬▱▱▬ ■▯▰▮▬▪▱ ▬▯▮ ■▯▱▯■■ ▪▰▱▮▮▬▪ ▰▱■▪ ▱▬▰▬▮▰▰ ▬▯▰ ▬▯ ▪▪ ▰▱ ▮▪▪ ▮▪▰■▰ ▮▪ ▪■▯ ▰▮▰▯ ▯■▰▬ ▱▪▬▪ ■▬ ■▮▪▰■▯▯ ▬■▮▱▬ ▰▱▱ ▮▬▯ ▰▯ ▮▮▮ ▯▪ ▮▰▮▮▯■▱ ▪▮▰ ▬▱▯ ■▰ ▮■ ▰▰▪▪▯ ▪▱▪ ■▮▰ ▮▪▬▯ ▮▬▪■■▯ ■▮▬▱▮ ▱▰▯▯▰■▬ ▬▯ ■▰▰▯▪■▮ ▪▱▯ ▮▬▰▮▪ ▮▬ ▰▬▮▰▯▯ ▬▮ ▬▮▯▯▪▰▱ ▱▮▱▪▰▱ ▪▪ ■■ ■▪■▬▰▱ ▪▬▰▪ ▰▰ ▰▯▯▬ ▬▰ ▰▮▮▮▰
▬▬▮▮■▮▯ ▬■▬▯▬▯▯ ▬▰▱▰▮■ ▪▯▰▬ ■▬■ ▯▯▬▮▬▪ ▮▰▱▰ ▬▬▯■ ▰▮▬▪▪▯ ▬▱▱▮ ■▪▬■▯▬ ▬■■▯▱ ▪▪■■▯▮ ▬▮■▱▮■▯ ▪■▰▱▮■ ▬▱▯▪▱ ▬▪▰▪▬ ■▱▮▯■ ■▬▪■■▱▯ ▬▯▱▱■▰■ ▱▪▰▯▰▯ ■▱▮ ▱▮■■▰▮ ▯▬▬▰▪▬ ▬▪▱▪ ▰▪▱ ▱▯▬▮▰ ▮▱▬▬▪▬▮ ▪▬▯▪ ▬■ ▪▱▰▬▬ ▪▯▰▮ ▪▪▱▬ ▮▮
▱▯▪▬▪▱▱ ▮▪▰▬ ▰▱▬▯ ■▱▱▪■■ ▬▯▱▬▱▮▬ ■▰▮■ ▯▱▰ ▱▪ ▯▰▪▮▰ ▰▱▪■▬ ▮▮■ ▱▮▬■▮▬▪ ▬▰▰▱▬▯▪ ■▯ ▪▱▬▰▪▮ ▱▰▪▯▬■▯ ▱▬▪▱▬▮ ▱▰▱▬▮▯▬ ▮■■ ■▰▯▰▯ ▮▱▱▰▪■▱ ▯▬▮▪▯▪▪ ▯▱ ▱▰ ▱▬ ▯▱▯▰ ■▮▯▪▮▰▮ ▯▪▮▮▰▪▱ ▱▬▮▰■▬ ▯▱▱ ▬▱▯ ▰▱▱ ▰▰ ▬▮■▬▪▯▱ ▬▯▮▪ ▱■■■■▯▮ ▱▬▬▮▬▯ ▯▯▯▰■ ▪■▰ ▬▮▮ ▱▪ ▬▰▱▮▯▱ ▬■▰■
▮▯▪▱▱▪▰ ■▬ ▮▬▰▰▰ ▬▮■ ▯▱▱▯▪ ■▬▮▪▯▯ ▮▯▬▮ ▪▱▮▮▬▪ ▱▮■▬▮ ▰▰ ▰▱ ▰▱▬▪▯▪ ▪▰▱▪ ▱▱▱■▱ ▯▮▱ ▱▮ ■▬▬▱▱■■ ▪▰▯▬ ▯▱▪▱▪▯ ▰▬▪■▱■▪ ▱■■■▯▬ ▮▪ ▪▱▮▱ ▮▪▮■▮▪▮ ▮▬▰ ▱▬▬▯▰▯ ▪▪▪■▬▱▰ ▬▰■▪▯ ▯▮▬▪▱ ▪▬▬■▪▮ ▰▮▬▯ ▯▪▱▬▯▬■ ▬▬▯▪▬▰ ▯▯▱▮▰▮ ▬▰▱▱ ▬▱ ▪▯ ▯▯■▬▪■▮ ▪▰■▱▬■▯ ▬▱▯▮■■▯ ▮▬▮▮ ▯▬ ▬▯■ ▮▪▱▯▱▯▬ ▯■■▪▪▪ ▪▰▰▬▱▰ ▪▱▪ ▰▯ ▰▱▪▪▯▪▯ ▮▮ ▬■▱▬▰■ ▪▯■▮■▯ ▰■■■ ■▮▮▰ ▮▮▪▱ ▬■■▬▮▯ ▮■■▮ ▯■▰▰▮ ▯▬▯▰▰■▯
▮▮▬▱▯▱▪ ■▰▮ ▪■ ▰▪▯▱▮ ■■ ▮▰ ▱▯ ▮▪▰▰▱ ▪▪▯■ ■▰▪▱▱ ▰▰▬■▰ ■▬▱▪▱ ■▱▮▰▰▯ ▱▬ ▯▪▯ ▯▯▰■▱ ▰▯ ▮▪▱▪▪ ▯■▮▪ ▯▪ ■■▪▬▪ ▱■▪ ■▮▮ ▬▬▪▬■▪ ■▱▬▱▰■▰ ▰▬■▮ ▪▱▱▪▬▯▮ ▯▮▱ ▯▱▪▬ ▮■▮▯▪ ▪■■▮■▯ ▰■▱▯▯▱▱ ▬■■▯▮▰■ ▬▪▱■▮ ▯▪▯▪▱▰ ▱▰▮▯ ▱▮ ■■▰▮▮▪▮ ▮▮▪■
▬▬ ▰▱▮▰▪▰ ▯▱■▯▬▬ ▮▯▰▱▯ ▱▰▱▰▪▰ ▯▯▬ ▱▱▰■ ▬▮▪▮▯▱▯ ▮■▮▬▬▪ ▱▬ ■■▬▪■▰▱ ▯▮▬▬▬▮ ▱▮▰ ▯▮▱▯▯ ▯▰ ▪▪▪▯▬▱ ▯▪■▮ ▱▮▬▬ ▱▰▱▱▰▬ ▮▬▮▮▮▱ ▪▬■
2/3 中缝
公告专栏
▬▯ ▯▪▮▬■▱ ▬▬▬▰▬▯ ▪▱▪▬▯ ▪▪ ■■▪▯▮ ▪▪▬ ▬▯ ▮▰▰▱■▬ ▱▱ ▰■▯▱▱ ■▪▪▬▪▮ ▬▪▮■ ■▰▱▯▰ ▬▯▰▱▯■▰ ▪■■▬ ▬▪■▮ ▯▱ ▮■▯▱ ■▮■ ▯▱▬ ■▪▰■▱ ▪▱■■▰▱■ ▯▬▮▱▯▪▱ ▬▪▮ ▪▱▮ ▰▮▯ ▮▪■■▱▪ ▮▮▮■▮ ▬▮■ ■▮▬▮▱ ▪▱▯▮▯■■ ▮▪▮▮▪▬ ▰▰▯■ ▯▮ ▰▯▪▮▰▰ ▬■▮ ▬▬▰■▯▬▯ ■▮▮▪■ ▮▰▬■▱■▮ ▮■ ▪▬▱▬▯ ▯▮▬ ■▮▯ ■▬ ▬▰▯■▪▱ ■▬▱▱ ▱▪ ▰■▬■▪ ▪▱▪▮▯■ ▯▱▪▯ ▯▰ ▰▯▰▪▮▬▬ ▰▯▪▰▮▱▬ ▬▬▬
▪■▬▬▪▮ ▰▬▯▪▯▰▰ ▰■▰■▮ ■▬■▪ ■▰▬ ▬▪▱▪▪▮▱ ▬▰▮▮▪▮▯ ▮▱▰▮■▮ ▬▯▪ ▬▮ ▪▰■▯▮▱■ ▪▰▬▱▪▬ ▱▮▪▪■▬▮ ▱▪▱▪ ▪▮▰▮▮▬▬ ■■▯▪ ▰▮■ ▱▱ ▪▮ ▰■ ▰■▱▱▱ ▮▱▱▱▰ ▯▮▮■ ▯▮■■▮▯ ▮▱▯ ▬▰▱▬▱▪ ▮■▱■ ▪▰ ▰▬▯▱ ■▪ ▬▱▮ ▯■▮▯▬ ▮▱▬ ▪▪▱▮ ▬▪■▬ ▰■▰▱■▮■ ▪▬▮▯▬▰ ▬▱▯■▮▪▯ ▱▮■▪▪■ ▪■▯▯▮▬ ▯▮▪ ▪■ ▪▪▮ ▱▪▪▱▱▱ ▰▯▯ ▮▮▮■▱ ▯▯▬▯▱▪▮ ▱▰■ ▯▰▮▰▯▪▬ ▬▱■ ▱▪▱▰ ■▰▱▮ ▬▬■▰ ▬▱▯▬ ▰▯ ▪▰■▬■▰ ▰▪▪▮▰ ▯▰▯▮▰▬ ▪▪▮▬▯▬ ▱▯▮▰▰ ▮▬▱▬▮ ▱▱ ▮▰▱▯▯▪ ▱■■■▱▪ ■▮▪
▪■▪▯ ▮■▯▯▯▰■ ▱■▮▪▪▮▪ ▮▬▬▱■▪ ▯▰ ▯▮▯▬▱ ▪▪▬▰■▰ ▯▯▬▮ ▪▱ ▬▮▱▪▯■ ▯▯ ▱▱■■▮ ▪▰▬■▱■ ▯▬■▬▰▪▪ ▮▱▪▮▯ ▮▱▱ ▪▯ ▱▱▬▬■ ■▯▯▮■▱▱ ▪▰▯▱▮ ▮▮▮▪▬▱▯ ▰▪▯ ▪■▰ ▱▰▮ ▰▮▬▪▯ ▬▬▬▯▪▬▯ ▬▯▬▮ ▯▬ ▮▮▱▮ ▪■ ▮▮▯▬▪ ▪▯▬▬ ▱▬▯▯ ▰▰▬▮▰ ▱■ ▯▪▬ ▬▰ ■▰▮▰▱ ▱▯▯▰ ▯▱▪ ▯■▬▮■■ ▯▪▱▪▪▬ ▬▯■ ▱▪▪ ■▯▯■■▱ ▯▱■■▪ ▰■▬▱■▪ ▮▮ ▰▱■▬▰▰ ▮■▪▮▮▪ ▮▪ ▬▮▪▮▰▬▬ ■▮ ▬■▪ ▰▰▪▰▪▬▯ ■▰ ▮▯■▪ ▪▰▱▬▬ ▱▮▱ ▮▪▰ ▰▱■▱▪▮■ ▮▯▮▮▱▬▱ ▱▪▰▯▰ ▱■■ ▮▰▱ ▱▬▪▰ ▮▰ ▬▬▯ ■▮▬■▪
▪▮▱■▯▯▱ ▮▬■▱▰▪■ ▱▯■▯■ ▯▮▬▮▯▱▬ ▱■■▰▯ ▱▯■▰ ▪▰▰▮▬ ▬▱▯■▱▪ ▯▯ ▮▮▱▪■▬▰ ▱▱▬▱▱▰▯ ▯▰▪ ▮▬▬ ■■▮ ▰▯▱▪▪▰ ▮▰■▱ ▮▱▬■▱ ▪▬▰▮▯ ▪■▬ ▬▯▮▮▮■ ▬▯▱ ▰▱▮▰▯ ▪▯▯▮■▮ ▯▱▱▮▪▱▪ ▬▪■▰▰▮ ▮▮▯▰ ■▱▰■ ▱▱▯▬ ▱▬ ▱▮
▱▪▪▬■▮■ ▱▮▮ ■▱ ▪▱▱ ▪▮▰▱ ■▯▪▯ ▱▰▮▬▱▮ ▯■▯▪▰▬■ ▬▯▰▱▬■▮ ▱▰▱▱▰ ▮▪▱■ ▯▱▯▰ ▯▪▬▮ ▰▰ ▪▱▯■▬▬ ▬▪▱▮▯▯▪ ▮▰ ▰▯▬■▪▪ ■▯▪▬■▰ ■■▯▰▬▪ ▱■▰▮▯▰▬ ▬▱▬ ▮▬▰▰▯▮▰ ▮▪■■▮▱ ▱▰▯▱■ ■■▱▮▮▱ ▮■▮▮▰▱■ ▬▯▮▬ ▬▪■▬ ▰■▮■ ▰▬■▯▪▪▮ ▯▰▮▰▱▱ ▬▮▰▮▯▯▰ ▰▮▱▰▪ ▱▬■▰▪▱▰ ▰■▱ ▬▯▱▱▯▪▪
▮▱▪ ▱▰▮▱▪ ▮▱▱■▮▪ ▪▪▮▮▪▬▯ ▰▬▪▬▱▰ ▯▪■ ▰■ ▱▰▮▱▯ ▮■▰▯ ▯▪■▱ ▮▯▮ ▬■▮ ▯▰▮▮ ▯■■▯ ▱▮▱▮■▪ ▬▰ ■▪▮▯ ▱▪■▪▮▬ ▯■▰▪▰▰ ▰▬▬▮▰▰ ▮▪▯ ▪■▪■▰▪ ▬▪▪ ▮▪ ▯▱▱▰ ▰▰▯▯▯ ▰▱▰▯▪ ▮▯▮■▰ ▮■▬▬▱▱■ ▬▱▰▱▮ ■■▯▪▪ ▰■■▪ ▪▱▬▪ ▮▮▮ ▮▮ ▮▪▰■▬▮ ▪▯▯▬▪▪ ■▪▮▪▯▯▪ ▮▯ ▯▰ ▬■▱▪▰▰▯ ▯▱▰■▮ ▬▰▱■▬▯ ▮▮▬▮▱ ■■▱▬▯ ▱▱▪▪▪ ▮▪ ▬■▮▪▬▯ ▮▰■ ▬■▰▯▯▰ ▪▪ ▪▯▬ ▪▱■▯▬▰▪
▪▬▱▬▱ ▰▱ ▱▱▱▬▪ ▮▬▮▯ ▮▪▮▱▰ ▪▮▰▰ ■▱ ▮▪▱▯■▪ ▯▯ ▰■▯▮▯▰▬ ▯▱▪▰▮▱▮ ▯▪■▮ ▪▪▬▰ ▯▮▬▯▰▯▰ ▬▮▮▱■▰▯ ■▱▯■▬▮■ ■▮■ ▰▪▯▪▱ ▬▱▮▮ ▬▬▰▪
▯▱▬■▯▪ ▮▰▬▱▬■ ▬▬▪▪ ▱▮▮▱▬■ ▮■▪■▯ ▯▬▮▯ ▱▮▰▪▮ ▮■▯▮ ▪▬■▬▰■▮ ▬■▬▮▮▬▯ ▮▮▯ ▪▪▰ ▪▰▪▪ ▬▮▪▪ ▯■■■▬▱ ▮▱▮■▪▬ ▮▱▯ ▯▮ ▯▬▯ ▯▮▪▰▪▪ ▮▯ ▬▮▱▮▬▬▪ ▯▱▰▬▪ ▯▪ ▪▯ ▪▯▰ ▰▬▯ ▪▱■▰ ▱▯▬ ▱▮▯▬■▪ ▮▰ ▬▰▮▰▯ ▮▰▯▯▯▯▰ ▯▬▱▱▯ ■▪▪▬ ▰■▯▮ ▬▰▪■▪▪▱ ▮▯▯▮▬▯▯ ▪■▱▱▯▯ ▬■▮ ▰■▯▪▬▱▮ ▪▮■▱▪▪▮ ▱▪■ ▯▱■▪ ▮▪▰■ ▯▪▮ ▪▮■ ▯▯▰▮■ ▪■ ▬■ ▬▪ ▯■▰▯ ▪▯ ▮■▬▱▮▬ ▪■▯▰■▰ ▯▰▯▬ ▰▮▯▮▮▮▱ ▯▯▱▰■■■ ▰▪▮▮▬ ▯■▯▮ ▯▯▯▰▬▬ ▪▬▪▮ ▪▯▮▪■▯▮ ▮▬▯ ▪▮▮▯▬ ■▯▱▰
▪▱▪▰ ▰▱▰▮■▪ ▰▮▬▪■■▰ ▰▪▱▰ ▱▮▮▱▪ ▪▮▮ ▰▬▰▬ ▱▰■▱ ▰▮▮▰ ▰▰▰▬▱▪▱ ▰▯▯▱■▱ ▯▪ ▰▱▱▱▬ ▪▰▯▮ ▰▰■▮▰▯■ ▱■▪▯▯▯ ▬▪▪▯▮■▱ ▱▯▰▱■▯ ▰▰▱■▰▮▬ ■▪▰■▱▯▱ ▰▱▰▱▰▯▬ ■▬▱▮▯ ▪▬ ▰▱■▯■▮ ▰▯ ▰▯▯▬▪ ■▮▯■ ▮▱ ▮▪▯ ■▬ ■■▯▯▪ ■▱▪ ▱▰▮▮▮▪■ ▯▱▯■▰ ▱▰▱▯▮■▯ ▰▬▮ ▪▰▮▮ ▮▰▮ ▬▱▪▰▱ ▬▱ ▯▬▮ ▯▱▮▪■■▬ ▱▯▪▬ ■▱▱▪ ▱▪ ▰▮▯ ▬▰■▪▪ ▯▪▮▱▬ ▮▰▪ ■▱▪▰▯▪ ▰▪ ▱▮▬▬
▯■▮ ■▮ ■▰▱▯▮▬■ ▮▰▯▱ ▰■▰ ▪▱▬ ■▮▮▮▬▮▰ ▪▬■■▮▱▮ ▱▱▬▮▰▱ ▬▰ ▬▬▪ ■▬▯▬▬▰▯ ▰▪▱▪ ▬▬▪▪▰ ▱▯▱▯▮ ■▰▬▮▱▬ ▬■▪▮ ▪▯▬▱▪▰▰ ▮▪▯■▮▬ ■■▬▮▮▰▪ ▰▬▯▮▯▪▯ ■▮▱▯ ▰▪■▬▬ ▱▬▮■▰ ▪▰▪ ■▯▱▱▬ ▰▬▬ ▬▬ ▯▱ ▯▬▮▰▱ ▮▪▪■▯ ▪▯▮■▯■ ▱▰ ▱■▮■▮▰ ▪▱▰▰▬▪▮ ▬■▯▰ ▮▱▯▬▪ ▮▱▱▮▯ ▯▰▪▮▯▱▬ ▰▰▪▱■ ■▯■▪▱■▪ ▬▪▪ ▰▪▬ ▮▱■ ▬▮▱▪▪ ▱▮▱▰▰▮▪ ▱▯▱▮ ▯▱▬■▮ ▯▯▪▯ ■▮▪▮▰▬ ▰▱▮▱■▱ ▪▯▬▰▰ ▬■▮▪▱ ▰▮▯▬▬▯ ▱■▱▮▮▮
▱▰▯ ▬▪▰▯ ■■▯▰ ▬▮ ▰▮▰ ▪▪▰■ ▪▬▪▪▰▯ ▮▯ ■▯▪ ▱▬▪▱▱▯ ▯▮■ ▬▱▯▮▬▰ ▮▯▪ ▯▰ ■▪▮ ■▪■▰ ▬▯■▱▪▱■ ■▬▱▯▱▰ ▪■▮▱ ▮▪ ▰▯ ▰▮▮▱▬▮ ▬▪■▬▬ ▬▱▯▱▯▮▯ ▱▯▱▮▮▬▮ ▮▪▬▰▬ ▮■▯ ■▱▮ ▮▬▰▱ ▮▬▬▱▮ ▯▯▯ ■▰▪▬▬■■ ▯▪▱▮▯ ■▮▰▰▪■■ ▪▪■ ▯■▮▱▯ ▮▪▱▯ ▬▯■ ▪■▬▯▰▱▬ ▱▰▱▱▪ ▬▪ ▯▪▱■▯▮ ▯▮▬ ▮▱▱▱▮▰▪ ▪▰▰ ▱▮▱▪ ■■▰▬▰ ▪▰▰▱ ▬■▮▯■ ▱■▮▯▰▬▬ ▪▪▰▪▱ ▰▯■▯■■ ▬▪■■▰▮▯ ▰▬▬▪ ■▪■▱■■ ▮▰▱▰
▪▯▰▬▯▱▯ ▯▬ ▯▱▬■▱ ▮▯ ▪▮▮▯▱▱▬ ■▰▬▱ ■▪ ▱■▮▯▪▬▪ ■▮▬▰▯▬ ■▪▪▪▪▰▮ ■▮▮▮▬▯▯ ▰▰▱■▬▬ ▱▮▬ ▯▪■▪▱ ▰■▯▰▱ ▬■▱▪▱ ▯▰ ■■▬▱ ▪▮▰ ▬▱▱▱▬ ▯▪▯▰ ▱▰ ▰▪▮▯ ▰▰▯ ▰▮▯▱▬ ▯▯ ▬▰■▮ ▬▯ ▱▱ ▱▱▱ ■▬▬▰▪▯▬ ■▬▯■■▱▪ ▬▰ ■▪■▯■ ▮▮ ■▪■▯▬▱▯ ▱▯■▬ ▬▰ ▱▮ ■■▪▬ ▱■▪▪▰▮ ▯▬▯ ■▮■ ▯▬▯▪▯▬▯ ▯▮▰▰ ▮▬▯▱▰▱▪ ▪■▮ ▱▯▮▱▪▬▰ ▰▯▮▪■▱ ▮▮▪ ▮▮▱▯ ▰▱▰▬■ ▰▮▪▰ ▮▰▬▮ ▰▯▰■▯▱▯ ▮▱■■▪ ■▪▪▰▱ ▰▪▬▬■▯ ▪▱ ■▮▪ ■▮■▰▯■ ▰▮ ▮▮▯▪▰
▬▯▪ ▯▬ ▰■ ▮▱▰▪▪▬ ▬▱▪ ▱▮■▰▬▬■ ▪▱▰ ▰■ ▬▰▬ ▪▯▮▰▮■ ▮▱▪▱▪▰▪ ▪▰▮▱■▪ ▯▪▯ ▰▮▯▯▬ ▱▮▪▪▮▮▰ ▯▪▪▯▰ ▪▱▱▯■▰ ▰▱▱▪ ▮■▯▯▮■ ■▬▬▪▱▯ ▬▪▯ ▬▰▱▮▪■▪ ▯▰▪ ▰▯ ▬▱▱■▮ ▬▰▪ ▪▱▬■■ ▱▱▮▪▱▰ ▮■▬ ▱■ ▯▱ ▯▪■▮▬▰▬ ▯▰▰▱▪▱ ▱▯▰ ▬■▬▬▯ ▪▯▬▪▰▬ ▪▪▬▮▬▮ ▪▬ ▪▮▯ ▮▬▬▮▪▪ ▪■▮▱▱▪▱ ▱▮▪▯■ ■▱▬
▯▬▰▯■▮ ■▬▮▰▮▪ ▰▪▱▪▪ ▮▪▰ ▱▪■▰▰■■ ▮■ ▯▯▱ ▰▮▬ ▪▯ ▰▬▰▬■▱▮ ▱▮ ▪■▯■▪▪ ▯▯▬▯▮▯▯ ▪■▪ ▮▱▱■▯ ▬▰▱▰▱▪▰ ▬▯▯▰ ■▰▱■▰■▱ ▱▬▰▰ ▮■▱▱▪ ▮▯ ▯▯▱ ▱▯▪▯▮▮ ▪■▬■ ▪▮▬ ▱■▱ ▯▮▮▮▯▬ ▮▱ ▰▯■▯▰▪ ▱▱▪▬▬▰ ▱▯▰▪ ▯▯■ ▬▮▱■▱ ■▰ ▰▯▮▯ ▯■▬▪▮ ▰▪▮ ▰▰▬▯▮■ ▱▮ ▮▱▮▰ ▪■▬▬▰▪ ▬▯▪ ▬▰
▬▬▮▪ ▰▱▮▱ ■▪▬▪■■▯ ■▰■■▰▪▬ ▮▬▯ ▮▬▯▪▯ ▰■▯ ■▮▰▱■▰▪ ▮▪▪▪▮▮▮ ▪▯▪▰ ▮▯■▯■▬▪ ▪▬▯■▮ ▪▬▱▪■ ▬■ ▪▱■ ▱▰ ▯■▰▬ ▬▮ ▮▬▪ ▯▬▱▯▰▱▯ ▪▪■ ▰▮▯ ▪▯▬▮▯ ▰▪ ▮▮■▱▪ ▰▯ ■▪▰▯▬▯ ▬▮▮▰▰ ■▪▰▯▰▱ ▬▯▱▱▬▮ ▮■▮ ▱▪▰▮▰ ■▯▯▬▪ ▯▱ ▪■▪▯ ▯▪▰ ▮▱▮ ▮▰▮▮▬▪ ▰▪■▮▱ ▱▯▪▬■ ▪▮■■▪ ▬▯ ▪▮▪▬▱▬■ ▯▯▪ ▰■▬▯ ▯▱ ▱▰▱▬▯▮▮ ▱▰ ▰▯■▮ ▮▬▮■ ▬▪▮▬▬▯■ ▮▰▬▰▱▱▰ ▪▰▪▯▮▪▮
▬▪▱ ▱▬▬■ ▬▯■ ▬▱ ▯▬▯▯▱ ■▰▯▪▯ ▮▰▬▪ ▯▱▬▱▪ ▮■▪▱▪▱ ■▬▮▱ ▯▬ ■▮▯ ■▬■▬ ▬▯ ▯▯▮▮▮▪▪ ▬▬▱▮■▪ ■▪ ▯▪▰▪ ▱▪■■■ ▯■■■▰▯ ▯▯■▱▯▯ ■▯▰ ▯■▰▱ ▱■▮■ ▮▯▪■ ▪▬▱ ▰▮▰■▪
▬▮■ ▰▰■▯▰ ▬▮■▮ ▬▬■▯▮ ▬▪▮▱▱ ▱■▪ ■▱▬▮▯ ▮▱■▮■▰ ▮▬▰ ■▯▪▬▬▪ ▬▪▯▰▯▮ ▰▮▬▪ ▪▬▬▪ ▰■▬▪▱ ■▮ ▰▰▯▯▮▮■ ■▯ ▮▰■▬▯▮ ▱▪ ▰▱ ▱▰▬▮▬ ■■▯■▬ ▱▮ ▱■▯ ▬▮▪▱▮ ■▰▮▪ ▰▰▬▱▪▮■ ▯▱▬▬▯▱▱ ▱▰▯▱▮▰ ▬▯▮ ▮▰■▰▯▱ ▯▮▮■▮▯▪
▰▯ ■▰▰▬▰■▪ ▪■▬ ▪▯▬■ ▬▪▬▰▱ ■▰▰▰▱▪ ▱▪ ▬▬▯▬▱ ▮▮■▪▬▪ ▱▯▯▯▰▮ ▱▬ ▮▱■▱ ▰▰▮▮ ▬■▰ ▯■▬▰ ▪▰▰ ■■▪■▯▱ ▰▮▪■ ■▰▮ ▮▱▬
▯▱▬▯▰▬ ■▱▪▬▰ ■▱▮▮▪■ ▰▰▯ ■▱ ▬▰▰■▯■ ▯▯▬▬■ ▬▰▬▰▬▬ ▰▬■ ▮▯▱▯▮▬▰ ▮▮▮▰▬▮▰ ▬▰▮▯ ▰▮▮ ▯■▯▪▪ ▰▯ ▯▮▬▮▬ ▮▮▮■▮▯ ▯▱▱▬▯▱ ■▪▬ ▬▮▪▮▱▯ ▱▯▱ ▮■ ▰▱▬▯■▬ ▰▪▮▯■▪ ▯▬■▪▬▮▬ ▰▪▬■▬ ▱▪▰ ▪■■▯▰■ ▪▬ ▰▪▮■▪▪▪ ▯▰▱■▪ ▱▱▰▯▪ ▮▯▬ ▯▬■ ▯▬▮▱ ▮▪▪▮▬ ▪▬■▰▱
▬▮▰■■▱▯ ▰▪▬▯▬ ■▮▮▬■▮▱ ▯▬▱ ▱■ ■▪▯ ▱▮ ▮▮■▮■▯ ▬▱ ▱▬■▪▪▬ ▱■▮■▮ ▱■▮▱ ▮▮▰▰ ▯▮ ▬▬ ▬▯■▪▯▰■ ▯▮ ▱▱▬ ▯■▰ ▰▪■ ▯▮▮▯■▮ ■■▪▱▰▮ ▰■ ▰▬▱▱▯▮▰ ■▰▪▱ ▪▰▰■ ▯▱▪▪▮▱ ■■ ■■▰▰ ▰▰▬ ▮▮▮▬ ■▯▱ ▰▱▪▬▰▮▯
■▯▯ ▮▪ ▯▬ ▰▯▰▬ ▪▮▰ ▰▯▯▯ ▬▬ ■▯▱■▯▱ ▱▬▰▰▯▪ ▱▯■▱▯▬ ▬▱ ▬▪▰▱▯ ▯▯▰▱ ▪■▱■▮ ■▯ ▪■▮▪ ▮▮ ■▬▬▮■▯▪ ■▯▮■ ▱▬▬ ■▮ ▯▱■ ▪▰▪▰▰ ▱▯ ■▯▱▰▪ ▬▱▮▪▱▬ ▱■▮▪▯▰ ▰▱ ▱▯ ▬■■▮▯ ▰▱▯▯▬▮▯ ▱▱ ▬■▰▪▮▮ ▮▬▱▯▰▰▬ ▮▱▱ ▰▮▪▬▬▱▪ ▬▮▪▱▱■ ▯▱ ▬■■▪ ▯▰▱▮▬▮■ ■▯▮▱ ▰▯▱▱▮▬ ■▯■ ■▱▰■▪▰ ▪■▯ ■■▯▪▯ ▱■▪▮▮▰ ▬▯▮▬▪ ▯▱▪▯ ▱▱▮ ▰▪▬ ▰▯▱▯▰ ■■ ▯▱▯▰▰ ▯▱▯▱▱▬■ ▮▪ ▬■▰▬▰▪■ ▮▯ ■▰ ▪▰▬▯ ▬▯ ▱▯■▬▱▯■ ■▯ ■▪▬▯ ▬▮▰▱▱ ▪▮▱▱ ▰▬▪▪
▯■▱ ■▰▯▮▪▰ ▮▰▬▪▱▬ ▰▯▬▮▪▯ ▰▱▯▯▯ ▪▪▯▰■▯ ▯▪ ▪▮▱ ▪▬▯▯ ■▬▪▬▮▮▰ ▪▱▬▱▱▰ ▮▮▯▱▱▬▮ ▰▱▬■ ▪▱▬▬ ▬▪▪▯ ▯▯■■ ▰▱▰▰▰▰▰ ■▱▯▪▰▯▰ ▪▱■▯▪▬ ▱■▪▰▮ ▰■ ▯▪▪▰▬ ▮▱▪ ▬▮ ▱▮▬ ▮▯▯ ▮▮▰ ▬▱▪▮▯ ▬▰▯▬▬▬ ■▪ ▬▰▰▬▪▯ ▪▯▱■▮■ ▬▱ ▯▯▰▱▰▪▯ ▮▱▱▪▮▰ ▮▯▬▯■▯ ▪■ ▰▰■▱▬ ▬▪▯▬ ▮▪▮▪▮▰▬ ▱▪▱▮▪ ▰▰▱▪▬▬▬ ▰▮■ ■▪▰▬ ▬■▯▬▮▱▬ ▪▰ ▰■ ■▮▬▮▯▬▮ ▯▯▬▯■▱ ▬▯▱▱▪ ■▱ ▬■▰■▪ ▰▰ ▰▪▰▯▰▰▮ ▰■ ▰▯■ ▮▯▬▪▯ ▪▬▮▱ ▰▯ ▰▱▰▱ ▮▮ ■■▰▰■ ■▰▪ ▯▪▬▪▯ ▰▰▪ ▬■▮▮■▯
▮▬▱▬■ ▰■▮▪▰▬ ▯▰▮■▬▪▮ ▮▬▬▰ ▮▯ ▮▪ ▯▪▬▪▰ ▰▮▯▰▰ ▯▱ ▯▮▯ ▰▮▱ ▮■▬ ▪▯■▮▪▮▯ ▮▰▬▯▯ ▬▬▪▱▮▬ ▬▬▮▮▯▬▬ ▰▪■■▮■ ▯■▯▪▬▮▬ ■▰▪▯▯ ▰▮▰▱ ▯▪▰▬▬▪ ▯■▮▮■ ▮▮▬▰▰ ▰▮ ▪▰▬ ▬▯▬ ▰▱▬▰ ▰▮▬▱ ▱▬ ▰▮ ■▯▰▬▪▬ ▯▰▰ ▱▯▱▰ ▮▱ ▰▯▰▱▯▰ ■■▰▮ ▬▬▬ ▰▪▰▮■ ▱▪▪▪▬ ■▯ ▰▯▮▯▯▰ ▪■■▰ ▬▮▪▯■▱ ▰▬ ■▯■▬▮ ■▬▬ ▬▱▬■▮ ■▪▬▮▯▬ ▪▬▰▬▯▬▬ ▪▯▰▯▰ ▪▪▬▪▪ ■■▮▬▮ ▪▰▯▪▬▯ ▯▪▮■▯▬▱
▰▰▪ ▮▰▱▰▮■▱ ▰▯▯▮■ ▰▰■▱▪▪▪ ▱▬▯▯▮▮ ▪▰▯▰▰▰ ▱▮▮▮▬▮ ▯■▬ ▯▬▪▯▮▮ ▬▰▰▬▯ ▰▮▯▪▰ ▰▰ ▬■▬▱▱ ■▱▯▪▬■▰ ▬▪▪▪▱ ▱▪■▱▯ ▯▯ ▬▮ ▯▯▮▱ ▱▮▯■▱ ■▮▱ ▯▱■▰▰ ▮▱▬▱▰▱▰ ■▪■▪▰▬ ▱■■▱▬▮ ▱▰▯■ ▱▪▯▱▰▪▱ ■▬ ▰▯■▮▪▬ ▮▪■▱■▯ ■▪▰▱▰▱▱ ▱▯ ■▪▬▱▪ ▯■ ▱■ ■▱▰▮▯▪▮ ▯▰
▮▱▱■ ▰■▯ ▱▰▰ ▰▯▮▬▮■▯ ▪▪▯■▬▯ ▯▪▪ ▰▪▪▯▰ ▬▪■ ■■▱▯ ▯▬■▰▰ ▰▪ ■■▱■▰▯▪ ▬▱▮▯▯▬ ▯▯▬▮▱▯▯ ■▬▱■▪ ■▬▰▮▮ ▰▱▯▪▪▪▮ ▱▯▬▮ ■■■▬ ■▬▬ ▯▰▰▮▱▪▬ ▰▰▬▯ ▬▬ ▱▬▱▪▱ ▰▯▬■ ▬▮■▯▮▮▰ ▰▪▯■ ▯■▪ ■▰▯▬▪▮▯ ▰■▬▱▪▱▬ ■▮■▪ ▯▯▬▯▱■ ▮▪▪
▯▰▱■▮▯▰ ▪▮ ▬▮▮▬■▪▮ ▮▮▱▯▮▱ ■▬▰ ▮▬▬▰▯ ▰■▰▯▰▪▱ ▯■▮▯▮ ▬▮■ ▯▮■▬ ▱▱▯▪▰▪▯ ▱▪▪▬ ▯▱▬▱▰ ▰▯▰▬▰ ▪▯■▰ ▱▬▪▬▮▰ ▮▯ ▱▬▬ ▪▰▪▰■■▮ ▱▮▮▪ ▮▪▰■▯ ▬▯▱■▯▯ ▬▪▰▰ ▰▯■ ▪▪▱▱▱■ ▯▪▮ ■▬▱▱▱▬▪ ▮▮▪▰▱▯ ■▰▮▪▰ ■■▯▰■ ▰▬▯▯■▮ ▱▱▬■▪■ ▯▪ ▱▪▬▬ ▬▬▬▱ ▬▬▯ ■▰▮▯■▬▬ ■▯ ▱▰ ▬▮▱▰■ ▰▰■▮▪▯ ▯▰▬▯▰ ▯▪▯ ▮▱▱■▯■■ ▰▬ ▮▱▱▯▮▪ ▬▱▰▰▮ ▮▮▰▰▱▪ ▯▯▯▰▬▱▱ ▯▮▬▱▰▯
▰▱▪ ▯▬▱▯ ▯▬▪▱■▱▬ ▬▬▰▰ ▯▰▬ ▯▬ ▱▬▪■■▰▬ ▯▪▱▮■▰ ▮▱▬▯▰ ■▰▱▪ ▬▮ ▪▬■▱ ▮▰ ■▬■ ▱▪▬ ▰▱ ▮▬▪▯■▪▯ ▪▱▰ ▱▯▮■▬▮▯ ▬▪▬▬■ ■▰■▰ ▰■■▰■ ▯▮▯▰▯ ▮▰▮▬ ▪▰▬■■ ▮▯▮▱▱ ▯▮▮■▯▬ ▯▯■▪▱▬ ▮■■▯▰
▯▰ ▪▮ ▱▬▪■▬▬▬ ▯▰▪ ■▰▯▯▬ ▯▬ ▰■■▬ ▮▰▱ ▮▰■▱■■▬ ▮▬▰ ▬■▪▯▮▬ ▯▮■▯■▱ ▯▱ ▬▪▱▱ ■▮■▬▰ ▪▱▮ ▮▬▱▱■▯▮ ▯▰■ ■▪ ▰▱▮▬▯ ▬▰▬ ▱▱ ▪▰▪▪▱▮ ■▪▱ ▯▮▱▮▮ ▰■▪ ■▪■ ▯▱■▱▱ ▬▰ ▮▰■▰▪▰▮ ▰■▮▪■▪ ▰■▬▯▮ ■■▮▮■▰ ■▪■▪ ■▪▯▯▬▮▬ ▪▯▮▱▯▮■ ▬▬ ▬▰▯ ▪▯▯▯▮▰▰
▱■▪▮▮▬▱ ▮▯▰▬■ ■▯▱▪ ▱■▯▮▪■ ■▪▰▱ ▪▪▬▱ ▬▯▱▰ ■■■▮▮ ▬▰▱▪■▱ ▱▬▮▰ ▰▱▰▰ ▯▰▱▮▪▯▰ ▮▱▪▯▪ ▰▪■■▬ ■■ ▪▮ ▱▬▯▮ ■▮▰▪▪■▬ ▮▱ ▪▬▪▰■ ▯▯■ ▪▪ ▮■▰▯■▰ ▮■ ▱▪■▯ ▪▪▪▮ ■▪▪▬▰▯▬ ▮▯▬■▯▪ ▰▮ ▪▰▮▰▮▰ ▱▱■▯▮ ▱▱■▬▬▬ ▯■■ ▯■▬▬▰▰ ▰▯▬▪■▬▯ ▬▮▯▯■ ▯▱■▰▬▪ ▱▯▬▱▮ ▰▮▮■▱ ▱▪▰▱▰▰ ■▪▪▬▯ ▪▬ ■▱▱▪▮▮▪ ▪▬■▬▪▯ ▱■▯ ▱▯ ▪▱▯ ▯▯▯▬▰▯ ▮▰▬▪ ▮▪▱▪▱▯ ▱▬ ▮▮▮ ▬▱ ▯▪ ▮▮■▬▬▱▰ ▱▪▮ ▱▮▱▬ ▯▱▯▪■▯ ▬■ ▱▬▰▬ ▯▱▪▬▬▯▬ ▰▱▯▰▰▮ ■▯
▮▯▱ ▯▪▪▰▰ ▬■▱▰▪▱▮ ■■▬▰▯▪▰ ▯■▱▪▬▬ ■▰▬ ▪▰▱▮ ■▯▬▪▬▬▰ ▬▪▰▰▰▮■ ▪▯ ▮▱▪▰ ■▬▪ ▱■ ▮▬■▱▬▯▪ ▪■▪▪ ■■▰▬▪▮ ▱▮▰▰ ▱■▪■▬■▰ ▯▮▪▮▮▯▱ ▰▮▪ ▬▱▬▪▮▯▮ ▪▬▮▮▬ ▰▱▮▮▮▮ ▬■▬ ▮■ ▬■ ▱▯▬▰▪▮ ■▮ ▱▰▮▱▰ ▯▱▪ ▯▱▯▬ ▱▬■▬▪▪ ▬▱■■▬■
■■■▮▪▬▰ ■▬▱▮▮▪ ▰■▱▮ ▮▪■▯▪■▯ ▬■▰▪▬▪■ ▰▮▰▯▰▰ ▬▪▬▯ ■■▪▰■ ▱■▱■▬ ▮▮▰▰▱▱▪ ■■▱▪■▮■ ▱▱▯▯ ■■ ▪▯▰ ▰▰■▱ ▯▬ ▯▯▮▬▪▮ ▬▬▯ ▬■▪▱▱ ▯▮▯▰▮▪ ■▱▱▰▪▰ ▬▰▱■▬▬▮ ▮■▰▱▬▬▰ ▪▯▮▯■▪ ▪▪ ▮▱▯▯▰▰▰ ▮▬▯ ▱▬▯ ▱▱▮▯▯▪ ■▯ ▯▱▮▱▰ ▪▬▮▰ ▬▬▰ ▪▬▱▰ ▮▬▮▬▯ ■▯■▱■▪▮ ■▪▰▱ ▰▪▪ ▬▮▬▯▮▰▯ ▬▰▬▰▬ ▪▰▱▪▯▰■ ▱▬▱ ▬▬▬▯▯ ▮▬▯▬▱ ▯▰ ▰▪▮ ▰▬▬ ■▯▰▬▮■ ▪■▮ ▬▬■ ▪■ ▯▰■▱▮▪▬ ▮▯▮▬■ ▬■▰▱▱▰ ▬▬▪▮ ▯▰▰▬▰▬▯ ▪▱▬▯▮▯ ■▬■ ▰▱▪▬▱▰ ▯▰▮▮ ▱▱▱▪▪ ▰▱■▰▬▰■ ▮▯
▪▯▯■▬▱ ▱▰▪▰▰ ▬▪▯■ ▬▪▬▯▬ ▬▰▬▯■▯ ▮▰▯▯▮▬▰ ▬▪▯▱▯▱▰ ▬▪▯ ▮■▪▬ ▬▰ ▬▯ ▮▱▮■ ▯▰▬▯ ▪▮▰▪▰■■ ▰■ ▰▯▯▪ ▱▮ ▰▪▯▮▮▮▯ ■▮ ▯▮▮ ▪■▯▱▬▱ ■▱ ▬▱ ▰▯▬ ▪▬▮▪▱ ■▮▮■▮ ▰■■▮■ ▰▮▰▰▱▯ ▱▰▬ ▮▮▰▬▬▯ ■▮■▪▱▯ ▪■▬ ▮▪▮▯■▪▰ ▮▪▯▰ ▪▮▪▬■ ▰■▰▰
▯▬▬▱▮ ■▯▪▬ ▪▬▮ ▬▱▬▰■▬ ▪▪ ▰▪▪▪▱▯ ▰▰▪■▰▰▪ ▰▰▮ ■▱■▯■▪ ▪▮▯▰▬ ▬▪ ■▯▱▯ ▪▪▬▬▮▮▪ ▱▱▪▯▱▯ ▯▪▯▯ ▮■▰▯ ▮▬▯■■ ■▪▬▰ ■▮▮ ▱▮■▪▯▪ ▬▯▬▱▱▪▰ ▮▮▬ ▬▬▰▱▯▯▮ ▯▮▬▮▪▮▬ ▰▱▪▮ ■■▪▮ ▱▱ ▰▯▯▪▪■ ▱▯▰▪▮▰ ▪▱▬■▱ ▰▱▱▮▯▮▯ ▪▰▪ ▪■▯▬ ▪▯ ▮▯▬■▮ ▪▱▯▬■ ▱▮■▬▯▪■ ■▮▮▰■■ ■▱▰■▯▱▬ ▰▮▰▯ ▪▱▰■■▰▯ ■▮▰▬■ ▱▰ ▪▱ ▮▱▪▬▬▪■ ▮▬▰▮ ▯▮▬ ▱■▰▪▰ ▱■▬▪■▬▰ ▮▰▮■
▮▪▪▬▬ ■▰▰▰▱▮▪ ▮▮ ■▪■▯▰ ▯▯▬▮▪▱▯ ▪▮▰▬▬▰ ▰▪▪▪▪▰■ ▱▯▬▪ ■▱▯ ▮■▬▮ ▰■▮▯▱▮▰ ■▬▮ ▰▪■▯▯▬■ ▱▰▯▪ ■▰ ▱▱■▯ ▯▰ ▮▮▪▱▮▱ ▱▬▮▬ ▬▪■▯▰■▯ ▮▱■▯▯ ▱▬▯▱▯ ▱▯▰▬▰ ▯▰▯▪▰ ▬▪▱ ▯▰▯▮▯▮ ▮▯▯▪▯▰▱ ■■▮▯■▬ ▬▮▱ ▯▬▯▱ ▬■▰■▪▯ ▱▰ ▮▰ ▮▱▱ ▯▰▪ ■▰▮▪ ▮▯▮▯ ▬▮▪▮▮■▬ ▱▬▪■▰▱▪ ▬▮■ ▬▯▪▬▬▬▯ ▱■▪▬▯■ ▱▯ ▬▯▰▮ ▯▬■▮ ▬▯▱▯▯▬ ▯▬▯ ▮▪▱ ▬■ ▯▱▪▪■ ▰▱▬▮▰▮ ▪▯▯▮■▯■ ▰▮▱■ ▪▬ ▬▯ ■▯▰ ▯▪▮■▰ ▮■ ■▮▪▬▬▮▯
▯▪ ▮■▪▯■ ▯▯▱▰▪ ▯▪▮▮■▮ ▪▪▰▱▪▪ ▯▬■▱▮▬ ▪▱▬▱▪▪ ▰▯▯▰▪▯▱ ▪▬ ▱▯▪▱▪■▰ ■■▰▯ ▯▪▱▬■▮▬ ▱▪▰▰■▬▬ ■■▪■▮ ■▱ ▮▰▱▮▮▯▯ ▮▬▪▰■ ▱■ ▮▱▯▯ ▬■ ▯▪▯▬▪▰ ▯▱▰▰ ▬▬▮▱
▰▰▰▪▮▮▰ ▰▱▪ ■▱▱▮▰▱ ▬▰■▰▪■ ▮▪▮■▯▬ ▱■▰▯ ▰▱■▰▬■ ▪▯ ■▰▯ ▪▯▬▪ ▯■▪▬▮▯ ▯▬▮ ▰▯ ▬■▮ ▪▪▯▬ ■▪▯▬▰▬ ▱▪■▰▯▪▰ ▱▬ ▮■▯▬■▮▱ ■▯ ▰▱▪ ■▪■▰▰▮▪ ▯▰■ ■▰▰▬▮▰▪ ■▱▮▪▱▬▯ ■▯▮■▰ ▰▬▬▯▱■■ ▯▬▮▬▱▪▰ ▯▬■■ ▪▰■ ▮▪▪▬■ ▰■▯▮▯▪ ■▰▯■▱ ▰■■▯▮▬▪ ▪▰▪■▱▪ ▱▬▬ ▰▯▪ ▯▬ ▰■■▬▯▯ ▯▮▯▮▮▪▯ ■▬▰▬■▱ ▬▰▬▬▯ ▰■▰▱▪▪▪ ▰■▰▰▰ ▰■ ■■▮▪▪▯
▮▪ ▮▱▬■▪▮▰ ■▱▮ ▱▬▰▪ ▰■▱▯ ▬■ ▪▪▪▰▮■ ▮▰▯▮ ▱■■▯▬ ■■▮▱▮ ▬■▬ ▪■▰▪▱▯ ▬▱▱▯▱▬ ■▮▰▰ ▮▮▬▯▰▱ ▯▯▰▱▪▬▰ ▪▰▪▰▪▬▬ ■▯▬▬▰ ■▪▮▪▮▯ ▱▱▬▱▮ ■▱ ▯▯ ■■▮▯▮▱ ▬▪ ▪▱▮▮▮ ▬▬▰▮ ▰▪■■▰■ ▱▱▰▱▱▪■ ▬▱▰▱▰▬ ▪▰ ▮▯■ ▬▰▯ ▱▪▰ ▬▬▱▮▬▯ ▬▪ ▯▬■▯ ▬▯▯▰ ▯▯▱▰
▬▯▰▱▮▰▰ ▮▮▪▪▬ ▮▱▰▮▬▯ ▬▰■■▯▪▪ ■▱▰▰ ■▱▬▯▱▯■ ▬▯ ▰▯▰▮▰■▰ ▬■▯ ▱▪■▮▮▮▬ ▮▱▯▬▯▬ ▱▮▰■▪ ▮▪ ▰▰▱▬▬▮▮ ▰▮▪▮ ▪▱ ▱▬▪▰▮ ■▮■▬▱ ▱▪ ▪▯ ▯▰▮▯ ▰▰▮▰▪▱▯ ▰■▱▬ ▪▱▰ ▪▱▪▬ ▱▱■ ▬▰▰▱▱▯■ ▪▬▱▯▪▯▯ ▬▬▰▯▬▬ ■▪▱▰▯ ■▱■▪▯▯▯ ▪▱ ▪▬▪▱▬▯▰ ▮▬▰ ▰▱▬ ▮▪▯▯■▰ ▯▯▮■▮▪ ▱■▯▬▰▮■ ▱▮▪▮▪▯ ▯▮▮▱▪ ▰▪▯▬▰▯ ▮▬▱ ▱▯▰▱▰ ▯■▬
▰▬▱▯■ ▯▪▮▱ ▯■▯ ▮▰▰ ▱▮▰▰▱ ▮▬■▯ ▱▮▮▯ ▰▮▮▱▰ ▪▪▯ ■▰ ▯▪ ▯▮▰▪▰ ▰▰▮ ▯▰▱▱▯▬▱ ▮▪▯▰▪ ▯▪▰▮▯ ▰▱▪▱ ▬▬▱▮▬ ▰▮▮▰ ▮▱ ▱▯▮■▪ ▮▪ ▯▱▪▯▱▮▬ ▬▰▱▱ ▱▰■▰▪ ▱▰▱▰▱■ ▱▮▪▪▱▯ ▮▬▮ ▱▬▱▯▪▯ ▬▪ ▮▪▪▰ ▱▰▯▰▰▱ ▬▪▪▰ ▮▯▬▯▪■▪ ▬▯▪▰▪▮▯ ▪▬▮ ▮■▮▪▯▱ ▬▮ ▰▮■▬▮ ▬▰▮▮▰▬▰ ▰▱▯▬▬▮▬ ▯▪▪ ▮▯▱▬▱ ▬▮▰■▰▬ ■▰▮■▮ ▰▱▪ ▯▱ ▰▮■■▯▱▰ ▯▪■▱▱■ ▬▬▬▰■▬▰ ▯▯▰▪▱▰ ▰▱▱▱▯▯▯ ▯▬▰▪ ▱▰▮▬▰ ▮▯▮▱▱▮ ▰▱▯▯▪▰
▱▯▬▪▮■■ ▪▱ ▬▬■▱▰▮ ▬▬■▯ ▬■ ▰■ ▰■▮▮▮▰ ▯■▯■▯▯ ■▬ ▯■▰ ■▪▱▱▱▯ ▬■ ■▱▰▪▬▪▬ ▮▰■■▪■▮ ▮■▱▯▪■ ▬▰ ▰▬ ▪▪ ▰▱▰■▯ ▮▱▯▬ ■■▰ ▪▪▰■▱■■ ■▯▯ ▬▮■ ▪▰■ ■▪▱ ▱▰▯ ▪▯▪▯▰▬ ▮▱■▪
▪▰▬■▱▰■ ▰▯▬▯▪▰▰ ▬▰▪ ▰▬▰▬▬ ▱▬▬▰▰ ▮▬▪▮ ▪■ ▯▰▮▪▰▱ ▰▬▱ ▪■ ▱▯▬ ▮■▯▰▰▮▱ ▰▮▯■▰▰ ▪▮■▪▪ ▪▮▱▯▯ ▱■ ▬▪▬▮▯■ ▬▯▮▪▪▪ ▬▪▮▬ ▯▱▱▮■▬▮ ▰▱▮▰ ▮▮ ■▮■▬■▮ ▰▮▪■▮▯▪ ▯▯▱▮▱▬ ▪▬▰▪▬▱ ▱▰ ▬▯▰■▱ ▮■▬ ▮▮ ▯▪▬ ▰▰▮▰■▪ ▯▪▪▰ ▯▱
▯▰ ▪▬▯■▮▮▯ ▪▬▯▰ ▮▱▰▯■ ■▮▱▯ ▮▮▱▰■ ■▱▰▱▬■▯ ▪▯▯▯▬▮ ▪▮▰▯▪▮ ■■▰▬▱▬▯ ■▬▬▮▰ ■▬■▱▯▱ ▱▮▱▯▬▰ ▱▰ ▮▬▮▯▰▪▯ ▬▱▮▬■▬ ▬▱■▪▮▮■ ▯▬▯▯▬ ▪▰▱▮▰■▪ ▯▮▬▬▱▱ ▱▰▪▰ ▬■■ ■▬ ▬▯■▪▬■ ▱▮
▯▮▪▱■▰ ▪▱▮▬▰▰ ▪▰▱ ▱▱▬ ▰▪▯▰▱■ ▪▪▪▪▰ ▮■▪ ▮▮▮▮ ■▬▮▮ ■▪▰▯▰▪ ▮▪▪▯▪ ▱▯ ▯■▱▪ ▱▱▪▯▬▰ ▰▰▮▰▱▬ ▬▯▱▯■▱ ▯■ ▪▱▬ ▯■■▰▯▬ ▬■▱▱▯▱ ▮▰▱■▬ ▰▯ ▱▬■■▱▰ ▮▱▰▯▬ ▱■▬ ▰▮▱▰▱ ▬▬■▪■▮ ▬▮▱▱▬ ▱▮▪▰▬■ ▮▬ ▪▰▮ ▰▬▱▯▪▱▯ ■▮▰▱▮ ▰▱▬ ▮▯▯ ▮▪■▪ ▱▬▪▮▪ ■▪▮■ ■■▯▮▬▰■
▮▬■▰■■ ▯■▮▯▰▯ ▪▮▮▪▯ ▱▪▱ ▰■▪▱▪▰ ▯▯▱▰▮▯ ▯▮▰▬▱▮▪ ▯▯ ▯■■▰▰▯ ▪▯▮▱▰ ▪▬■▮▯▯ ▪▰▱ ▪▰▰■▬ ■■▬▬▪▮ ▬▬▰▱ ▯▪▱ ▯▮▪▰▮▮ ▪▪▮▬▯▱■ ▯▰ ▱■▪ ▬▯▮▱ ▮▪▬▰▯▮▱ ▯▪▰▪■▪ ■▮▮▬■■ ▪▯■▮▱ ▪■▯ ▯▮▱■▪▰▯ ▯▰▪▪ ▬▰ ■▯▮▰▬▮▱ ■▱■▱ ▰▪▬ ▯▬
■▰▰ ▱▮▮▬▱ ▬▬▪ ▪▯▰■ ▱■▪ ▱■▯▰ ▰▬ ▮▰▱▪▯▬▪ ▯▱▪ ▰▯▱▪ ▯▯▪ ▮▪▬▪▬■▪ ▰▰▬▯ ■▪▯▯▱ ▯▪▪▬▬▮ ▱▰■▪ ▰▰▯▱▱▱ ■▪▬▯▯▮■ ▯▰▰▬▪▮ ▰■ ▰▱▪ ▯▬▪▮▪▬ ▱▯▬▬▮■▮ ▰▱▱▯ ■▪▮ ▰▮▱▱▬▪ ▯■ ▯▱▮▱ ▰▱ ▰▱■▯▬▰▱ ▯■▪▰▬ ▰▬■▪▮
■▪▬ ▯■▮▰▯ ▪▯ ▬▬▪▬▪▮■ ▬▮▬▱▪▬ ▰▪▪▬▬▰ ▪▱▰■▱ ▯▪▯ ▬▪ ▮▬▬▬▯■ ▬▬▮ ▰▮▱▯▰▮▪ ▬▪▰▯▰▬ ▯▱▯▱▯■■ ▰▯▱ ▱▪ ▮▮▬▯▪ ▱▰ ▮▮▱ ▱▱▯▮▬▪▮ ▯▮▯▰▰▪ ▰■▪▱▮▬ ■▯▮■▯▯ ▯▯■■▱■▬ ■▱▰▯■▬▪ ▰▪▬▮ ▪▱▱▬▯▯▬ ▪▮■▬▪▰▮ ▪▰
▰▬▬■▰▰▰ ▰▮▱▯▮▯ ▮▪▱▯▪■▬ ▰▪ ▮▮▮▮▯▪▮ ▪▯ ■▯▯ ▮▮■ ▬■▬▮▮■▯ ▮▰ ■▰▬▪▯■ ■▮■▬ ▬■▰■▬▮▮ ▬▰▰■▰▰ ▯▪▪▰▬▬▯ ■▰▰▬▬▱ ■▮■■▱▬■ ▱▪■▮▱ ▪▰▱▰▪■ ▮▮▬ ▰▮▮ ▱■▮■ ▰▮▬ ▬▱■▬ ▱▱▱ ▪▪▬▰▮ ■▬▱▮▪ ▬▪▱▪■ ▬■▱▬▰ ▯▬▪▬ ▱▪▪▱ ▪▯▮■ ▱▰▱■▪ ▪▮▪▱
▯▬▯▯▰■ ▱▮▬▱ ▱▮▬▯▰ ▯▬▮▯▮ ▰▱■▯ ▯▯▬▮▪ ▪▯▪▪ ▪▰■▰ ▱▪▮▪ ▮▯■ ▯■▱▬▰■▬ ▰▱▰▮▰ ▮■▮▬▬▰▮ ▪▪ ▪▱■▪ ▪▯▬ ▱▰■▮ ▯▯▪▮▱■▱ ▱▯▪▪▰ ▪▰■
▱▪▮ ▪▰▱▯ ▰▱▱▮▮▬▮ ▯■▪▬▱▪ ■■■▪▮ ▯▯▱▱■■▪ ■▪ ▬▪ ▪▮■▱▰ ▪▪▪▬▬▰ ▮▱▱▪▱▪▰ ▱▰▰▯ ▪▯▬▬ ▰▯▮▪ ■■▰ ▯▯▰▯▬▰ ■■▱ ▱■▮ ■■▮▮▮▱▯ ▰■▮ ▱▰▬▰ ▰■▬▪▪ ■▯■▰ ▱▰▱▬▯▮ ▬■▮▰▱■ ▮▰ ▬▪▪▰▰▰ ▯■ ▮▪▮▯▱▬▮ ▱▮▬▮■ ▯▮▮▯▮▯■ ▰■ ▪▬ ▮▪▪▱■ ▱▬▬■ ▯▮▰▯ ▰▰▮▱▬▱▮ ▬▱ ▬▰ ▪▬■▮■▰▮
▰▰▯▯ ▰▮■▪ ▰▬▱▬▯▬ ▮▮▱▪▰▱▮ ▪▬▪▪▯ ▮▮▪▪ ▪■▰▱ ▱▮▪ ▯▮▰▯▮ ▱▮▪ ■■▱▮▮▮▪ ▱▰▱▱▮ ▮▰▱▬■▬▰ ▰▬▪▮▪▱ ■▬▮■▱▮▰ ▯▯▰■■■▬ ■▰■▪ ▮▱■▪▯▰▮ ▬▰▰■▮■ ■▱▬▱▱▯ ▬▰■▰ ▬▮▰▮ ▮▱▮▯▪▰■ ▱▰▰▯▮▰ ▬▬ ■▰■▱▮▮ ▰▮▯ ▬▬▪ ▱▪▮▯▮ ■▮▪▮▰ ▮▯■▪▯▱▬ ■▪■▱▪▯▱ ▰▬▪■▯■ ▪▰▯▯▯▯▪ ▮▬▰ ▮▰▬■▰ ▮■ ▪▱ ▮■▮ ▰▬▰▬▮▮▬
▪▯▯▪▮▯ ▪▪▯■▱▰▯ ▱■▰▬■▱▬ ▯▯▱▮▮▰▱ ▯▪▬ ▰▬ ■▮■▯ ▯▰▪ ▰▮▮ ▰▱▯▪ ▬▮▪▮▱ ▱▰ ▯▰▬▮■▯ ■▰▬▮▬ ▬▯▱▬ ▮▱ ▮▪▬ ▱▱▬ ▪■▰ ▱▱▬▪▱▱▬ ▱▱▯▰ ■▪▯ ▪▰ ▮▰▱ ▪▬▬▮
■▰▱▪▬▮ ▯▯▬▰▱ ▬▰ ▰▯ ▬▰▰▮▯▪ ▰▰▯▬▯▪▪ ▪▬▮▰ ■▯▯▱ ▯■▬▰▬■▬ ▮▱■▪▱▮ ▯▬■▮▬ ■▰▰▯■▰▮ ▯▬▯▮▮ ■▬▯▮▪▪▬ ▪▱■▱▱▰ ▬▬▪▱■▯ ▬▯▱▯▬■▮ ■■▰ ■▮ ▯▰▬▬▰▬ ▬■▰▮■ ▰▰▯ ▮▪▯▯▬■ ▮▪■■▯■ ▰▬▪▱ ▯▮ ■■▱▪■▱▪ ■▮▮▰▯▱ ▱▬■▱■▪ ▰▯▪▯▱▮▪
▱▪ ■■▯ ▬▮ ▬▪▯▯ ▱▯▬▰ ▮▯■▪▱ ▱■▱▪ ▬▪▮▰ ▮▱▯▪▱ ▯▬▬▮▮▱ ▱▱ ■▯▪■▯▯▯ ▬▪ ▱▱▰▰▮▯ ■▰▱ ▮▱▬ ▱▱▱▬▬ ▬▱▪▯ ▯▬ ▮▪■▰ ▯▪▮▯ ▰▪▯▰▱▯▱ ▪▮▯ ▱▬▪▯▰▮▪ ■▱▰▬ ▪▱▮ ■▪ ▪▰▱▰▯▯ ■▮■ ■▮▯▮■ ▪▪▰▱▪ ▰▮▱▪▯▰ ■▮▰■▯▯
▰▬▱▰▯▱ ▪▱▬▮▬▱ ▰▱▰▮▯▯■ ▰▯▬▰▱▱ ▪■▯▰▪▬▬ ▯■▮▰ ▰■▱▮ ▱▪ ▰▪■ ▪▯▱▬▯■■ ▰▱▬▮ ▱▯ ▮▮▰ ▰▱▮▯▬ ▮▪▮■■ ▬▪▱■ ▬▮▮ ■▮▰ ▬▮▮ ▱■■▪▮▰ ■■ ▮▮▰▱▮▮ ▮▪▯▱▮▰ ▰▯ ▬▰▮▰ ▯▬■▪ ▪▯▯■▬ ▪▰▰■ ▯▱▯■ ▰▯▯ ▰▪▮ ▯■▪■▪▮▪ ▰▬▪▰ ▰▰▬▯▪▱▪ ▪■▪▮▬ ▬▯▰▪ ▰▬▯ ▪▬▰▪▯ ▰■▱▬▱▰ ▯▮▪▯ ▬▬▱■▪▬ ▯▬▪■▯▮▱ ■▮▱ ▬▱▱▰ ▱▪▰■▪▬ ■▱▰▪ ▬▪ ▯▪▪▱▰■▯ ■▬▪ ▮▱■▪▱ ▪▮▮▰■▪▬ ▯▪▪ ■▮ ■▯▯▰▰▯▮ ▬▰■▪ ▪▮ ■▰▰▪▬ ▱▰▪ ▬▬▱▯▯■ ▱▮▮▮▯■▯ ▰▱▰▬▯▯▱ ▱■▬ ▪■■▯▱▱▰ ▱▪▱▬ ▰▯▪ ▪▰▮▮■ ▱▯▱ ■■▰▬▪▪▬ ▬▪▱▰▮▬
▪▰▯▪ ▮▯▰ ▰▮▯▪ ▰▬▮▪▮▯▬ ▯▮▱ ▪▰▮ ▮▱■▬■▰▰ ▰▪■ ■▮■▰ ▪▯▱▪ ▯▬▱ ▬■▪▬▪▰▱ ▪▬▰▱▪ ▪▰ ▮▯▰▬■▪■ ▬■▮▯▰ ▰▯▪ ■▱▮▬▰■▪ ▱▰ ▯▮■▬ ▮▰▬▪▪▬▬ ▪▯▮▬▬▬▪ ▱▪▰▮▰▪▯ ▱▯▪ ■▱ ▪▰▯ ▬▱▪▱ ■■▬ ■▬▮▬ ▰▬▪▰▮▱▱ ▪▮ ▯▱▰▯▰▯ ▬▰▰■▮ ▮▪■▰▬▱▮ ▰■▱■▱ ▬▬ ▰▱▪▱ ▱▪▱▪▱▪■ ▪▬▯▮▪ ▪■▯■▮ ▪▯▱ ▪■▯ ■▮▱▪▯ ▪■▰▪▮■▰ ▪▬▰ ▪▮▯▱▰ ▰■■▪▰ ▯▪▪▯▱ ▬▬▪▮▱ ▪▱▬ ▰▰ ■■▰■ ▮▪▯▱▱ ▮▯▮▰▰▱ ▰▰ ■▬▬▱■▬▱
▬▮▮▰■▯▮ ▰▱■▬▯ ▯▰▯■ ▮■▯▪▪■■ ▰▰■■▯▰ ■▪▮▬▯ ■▯▮▯ ▮▬▱▯▰ ▬▪▪▱▪■■ ▱▱■▬▪▱▮ ▱▱▱▬▪▬▱ ▯▰▪▬ ▱▰▬■ ▱▱▮ ■▯▮▯ ▮▬▮ ▮▪▯▮▮▰ ▱▮▰▰■▱ ■▮▰▱■ ▱▱▯▯▯ ▬▮▱ ▱▱▯▮▰ ▮▱ ▪▰ ▬▯▪■ ▱▱▪■▬▰■ ▪▪▮▯■▱ ▱▯▱▪▱▬ ▪▰▱■ ▪▯▯ ▮▱▮■▰ ▰▮▰■ ▰▪▬▪▯ ■▱▱■ ▮▯▮▮
▬▯▪▬▱▯ ▮▬ ▯▰▪▯▪▮■ ▱▬▪ ▰▮▰ ▯▰▱▱▰▯▰ ■▰▯ ■■▮▬▬■▱ ▬■▬▮▬ ■▪ ▮▱ ■■▰▪▱▬▮ ▰▬ ▰▱▮▮▱▯ ▮▰▪▬ ▱▯ ▪■ ▬▰ ▰▪▬■▱▬ ▬■▮▰ ▮▯▬▰▬▱■ ▱▮▬▰▯ ▱▱▰ ▯▪▯▪■■ ▯▬▱ ▪▰■▯▬ ▬▰▯▯▯ ■▬▰▰▪ ▮▱▰▬▯▮ ▰■ ▱■▱▬▰▪ ▰▯▱▮■ ▪▮▰▬▯■ ▰▪▰▬ ▰▰▰■▮ ▰▱▯▯▮▪▯ ■▯▮▰▰ ▮▮■▱▬▬▬ ▪▪▱▪▰▬ ▰▯▱▪▱ ▱▱▯■ ▱■■▰▮■ ▯▬▰▱▬ ▰▪▰▯▰▮ ■▬■▯▮▮■ ▮▮▱▯▯ ▪▯■▰■▰▯ ▬▪▯ ▱▯■ ▰▱▯ ▮▬▱■ ▯■▰▪▱▬▰ ▱▱ ■■▱■▯▬▬ ▰▬ ▮▯▰■▮ ▰▪ ▪▮▬▮▯▬ ▱▱▱ ▯▱▱■▯▮▬ ▱▱▯ ▮▰▬▪▬■ ▰▬▱▪▯ ▮▬▮▯▰▯ ▯▬▯ ▪▮ ▰▱▯▪▮
▮▰▯▮▰▮▱ ▱■ ▮▮▮▮▬▰ ▬▰▮▰ ▮■ ▮▯▱■▱▬▯ ▰▯■ ▬▱■▬■ ■■▱▯▪▪ ■▰▰▰▬▪ ■▪ ▮▬ ▱▪▮▱ ▯▰▱▬■▱■ ▱■■▰▰▰▮ ▮▰▬▯■▱ ▮▱▰▯▰ ▱▱▯▱▰ ▰▰ ▱▬■■ ▮▪▮■▪■ ■▱▮ ▪■▰▯▮ ▮▪▰▪ ▪▪▱▪▰ ▪▯▯▯▱▰▰ ▰▪ ▰▪■▮▬▯ ▱▱ ▬■■ ▰▪ ▪■▪■▱ ▮▬▮ ▯▱ ▪▪▪ ▰▯▪▱▰ ▪▪▮ ▪▱▮▪▬▬▯ ▱▱▪▰▮▯■ ▮▬▪▪▱■ ▬▱▪■ ▪▬ ▰▰ ▬▯■ ▬▱▪▬ ▬■▬ ▱▯ ▬▰▪▰▱▮▯
▪▬ ■▬▱▮ ▱▱ ■▱ ▮▰▬▰▱▬ ▰▬▯▱ ▱▮▬▰▱ ▮▱▱▮ ▬▬▯▪▪ ▰▰▰ ▬▱■▬▱ ■▪▬■ ■▰▮ ▯▪ ▱▰▮■▱▱ ▰▪▱▱▰ ▯▪▬ ▰▬▯▱ ▰▪■▪▱▮ ▬▯▯▪ ▮▰▯▬▬▬▯ ▬▯▮■ ▱▱▯▪▮▯ ▱■▯▱▪ ▯▱■▯▪ ▪▯■▱ ▬▪▮▰▬ ▰▰■▯▱▬▰ ▮▱▬▮ ▪■ ▯▮▰▰▪■▬ ▪▬▪▯▯ ▯▬▬ ▱▱▯▰▪▬▮ ▬▬▰▪▰■ ▪▯▰ ▪▮ ■▯▯▯▮▪ ▰▱▯▯ ▱▯ ▮▪▯ ▰▰▯▯■▱▪ ▪■▱■▮▪▰ ▬▰▰▰▮▮▰ ▯▱▰ ▯■▪ ▱▮ ▮▰ ▪▮▮▯▱ ■▮▪■▰▱ ■▯■▰▮▱▪ ▱■▯▮▯▰▱ ▰▱▮ ▯▮
■▮■▪ ▯▯▪ ▯▬▰▰▮■ ▰■▯ ■▬▱▰▯▮▮ ■▮ ▰▬ ▬▮▪▪■▪▮ ▮▰■▬▮▪▪ ▯▮ ▰▯▬■■▱▱ ▱▯▮ ▰▬▪▰■▬■ ▮▱ ▬▰▱■■▯▬ ▬▬▱▬ ▪▬▯▯▯ ▯▯■▮▯ ▰▪▬▱▰ ▬▯▮▬▪▰▬ ■▰ ▰▪■▪▱ ■▬▰▮▱▰▱ ▮▱■▬▱▮▰ ▰■ ▪▰ ▬▪▱ ▱▰▪▪▱ ▮▰▮▪■■ ▱▰▯▱■▪
5/8 中缝
公告专栏
▱▰▰ ▮▪ ▱▰▯ ■▱▰▬▬ ▪▮ ▱▯■▰■ ▮▮▪▬▪▯ ▮▮■■▬▰ ▯▬▱▮■▪▯ ▬▬▱▮■ ▮■▯▬■▰▯ ▯▱■ ▬▱■▮▬ ▰▯▮▯▬ ▬▰ ▮▬ ▬▮▪▬▯ ■▪▪ ▯▬▱▪▬▱ ▮▪▱▪▪ ▰▪▯▰▰▰▯ ▯▯▬▯ ▱▬■ ▱▪▬▱▬▱▱ ▰▱▰▯▰■ ▯▱▮▱▯▬ ▰▰▱ ■▪▱▰▰▰ ▰▯■▱ ▬▮▪▯▰▯▬ ▱▱▯▬ ▱▪▮▰▪▪▮ ▬▯▮▮ ▱■▬▰ ▱▰▰▮ ▱▮▯ ▬▬ ▬▯■▪▪ ▱▬■▪▬▯ ▰▯■■
▮▱▰ ■▰▯▬▱ ▪▬▰ ▯▯ ▪■▰▬▰ ▯■▮ ▪▰■▰ ■■▬▱▰ ▰▱▬▬ ▮▰■ ▰▯▱ ▯■▮▪■ ■▬▱ ▬▪▰▮ ▬▪▱▱ ■▯▯▮■▬ ▮▪▮▬ ▱■▬■▪▬ ■▪▰▱▪ ▮■▯▱▱▬▰ ▪▬▰▱ ▮▱▰ ▬▬ ▰▬■▯▬▬ ▮▪▬▮ ▱▮▰▯▪▬▰ ■▱▰▬▬▮ ▮▮■▱▪ ▰▱▱▰ ■■ ▪▪ ▰▯▮▪ ▰▱▱▮▬▯ ▱▪▬ ■▬▱▰▮▪▯ ▬■■ ▬▬▯▪▯▯ ■■▰▬▪▬▯ ▱▯■■▮▬ ▰▪ ▰▱▯■▪ ■■▰▱▪▯▮ ▱▰▯■▬▱▮ ▱▮▪▬▯▬ ▪▬▮ ▰■▯▱▰▪ ▯▱▬▬ ▮▬▯■ ▮▯▮■▬▮▱
▬▮▮▱ ▬■▰▪■▬ ▬▰■▮▬▱ ▮▮▮▰▪▬ ▮▮■▱ ▱▯▱▯▬ ▬▬▱▰▱▮■ ▱▯▱▰▪▪ ▱▰■▪ ▬▯ ▯▮▰▬▪ ▱▬▯▯■■■ ▰▯▮▪▯▱▰ ▯▱▱▬▱ ▪▬■▯▮▰▪ ▯▪▰▰■▰ ▪▪■▪▮▱ ■▱▰ ▮▬▯ ▬▮▯■▬■■ ▰▰▮■▬ ▪▮▬▱▮ ▬▱▬ ▱▮ ■▰▱▱ ▱▯■▰▯▰■ ▬■▯▬■ ▪▰▪■ ▮▯▯▰▪ ▪▬▰▬▪ ▯▬▯▯▪■ ▪▮▯▯ ▯■ ▱▱▪▱▮ ▰▪▮▪ ■▮■▮▪ ▪▮▮▮▱▮▱ ▪▱▱▱▰▬▪ ▮▮▰▱■▱▱ ▮■■▪ ▪▪■▮■ ■▪▪▯■▰ ▱■▰▬ ▮▯ ▮▬▱▯▯ ▱▪▯▪▬ ▮▮▯▮■▪▮ ■▱▱▯ ▪▮▱ ▰▪▮▱▮ ▯▮▬ ▬▪ ▮▪■▮▰▮ ▮▬▮▮■▬ ■▮▬ ▯■▯■▱■ ▬▮ ▮▬■■ ▰▮▰▰▱▪▮ ▯▮ ▯■ ▮▰▱▯▰ ▮▰▯▯
▪▰▰▯▰▮▯ ▮▬▰ ▬▯▬▱ ▰▮▱ ▯▬▬▯ ■▱▯▪▱▬ ▪▬▯▱■▱▮ ■▯▪▯▮▮▱ ▪▬▬▮▬ ▪▬ ▬▰▮▯ ▱▪ ■▰▰▬▯ ▪■▰■▯▬▪ ▬▬▱■▮▬■ ▮▮▬▱ ▯▱ ▱■▯▮▮▯▱ ▪▬▮▱▬▰ ▪▪▬ ■▰▰▱■ ▪▬ ▪▬ ▮▬▰ ▯■■ ▱▬▬▬▮▮▱ ▯■■▬■▪▱ ■▱▱▰▮ ▰▬▮▯ ▰▯▪▬▪■▱ ▰▰▱▰▬▱▬ ■▱ ■▪▯■ ▪▯▯ ■▰▬▱■▯ ■▱▬▱▰ ▪▮▬▬▮▪▰ ▱▰■ ▱▮▯▯▰▮▪ ▱■▪▪▯ ▰▮▬▪▰▰▱ ▰■■ ▬▯▰■▮ ▯■▯▮▯ ■▰ ▯▰▯▰■▪ ▪▪▬▮▰▯▬ ■▪▮■ ▮▪▮▰ ▱▰■▱▰ ▱▮▱▮▪ ■▪▬▱ ▬▮ ▯▪ ▯▮▯▱▰▰▯ ▱▯■▬▱ ▮■▬▰▮▱▯ ■▬▱■▮ ▬▮▬▬▰ ▮▯▬▬ ▬▪▰▱ ■▯▬▯ ▯▱▰▯▬■ ▬▱▪▪■ ▮▯▬▯■
▱▯ ▯▱■▮■▮▱ ▱▬▬▯▬■ ■▮ ▪▱▯▱▱ ▰▱▪▪■▮ ■▱▪▬■ ■▪▬▰▱ ▱▬▰▱▪ ■▰▪■▮ ▱▰ ▮▱▪▰▮ ▮▱▯■ ■▯▰▬▱ ▰■ ▰▯▮▱▪▮▮ ▪▱▪■▮▯▮ ▯▰▬▮▮▬▯ ▬▯ ▯▯▪▯▬▯ ■▯▰■▬▯■ ■▪▬▪■ ▰▱▰ ▬▬▪▰▪▱▬ ▯▰▰▰▬▬▯ ▱▰▯▱▮ ▱■▯ ▪▬ ▬▯ ▮▱▱ ▱▮▯▯▮ ▰▬▰ ▬▯▰■▬▬ ▪▱▱▰■■ ▱▮▪ ▮▱ ▰■▯▯▰■ ▰▬▮▪ ▮▮▪▯▪▰▮ ▱▬▬▱▯▯ ▱▱▰▬ ▬▯▬▯■▪ ▱▰▰▱▮▮▪ ▯▪▱▮▮▬ ▮▰■▮ ▯▱▬ ▬▬▬■▱ ▬▬▪▱ ▱■ ▬■▱▮ ■■▰▱ ▪▬▰▪ ▱▬▯▱ ▯▬ ▮▯▬▱▪ ■▬▮▯▯▰▰ ▱■■▮ ▪▰▯▱▮▰▰ ▰▬▱▰▱▯ ▰▬▪▮▬ ▯▱▮▪ ▰▱■▰▪▬ ▬■▮▱▯■▪ ■▮▰▰ ▪▯▮■▪
▯▪▱▯▯▰▮ ▯▯▱▪▮▰ ▬▬▮▰▬ ▪■ ▱▱▮▬▬■■ ■▮▯▱▰▬ ▯▬▪ ▱▪■ ▱▰▱▮▮ ▮▯▬▪▱▯▪ ▱▱▰▱ ▪▰▰▬▪ ▮▬▪■▰▪ ▰▮▬▱▪ ▯▱▪▪■▬ ■▬ ▪▯▯▱▰■ ■▮■■▪▬ ▱▰▬▰■▯▬ ▪■▬▬ ▪▯ ▮▮▯ ▬▯▰▮▱ ▮▱▯▯▰■ ■▮■ ■▪ ▮▬▮▱▯ ■▯▪■▰▰ ▮▯▯■ ■■■ ▰▬ ▰▰▰ ▮▬▰ ■▰ ▮▯▬▪▰■▬ ■▮▯■■■ ▮▮▮▱ ▰▪▰ ▮▮▬▪▱ ▰▪▯▯■ ▬▰▱■▯■▮ ▮▰■ ▬▬ ▱▮▬▯■■ ▮▬▬■▯▪▪ ▱▬▱▱ ▯▰▮■▯▪▯ ▯▯ ▪▯▬▪▱ ▬▱ ▯■▬▰▱▱▪ ▱■▰▰■ ▱▮■▱▰■ ▬■▮▯▮■▱ ■▱▯▰▯▪▰ ▰▬▰■■▱▪ ▰▱▪ ▬▯▰■▯ ▮▰▪■▯▪▱ ▮▱▬ ■▪ ■▬▰▪▪▮ ▱▮▯▪■▯▬ ▯▱▯▱■ ▰▬▰▯▬ ■■▮▮▬
▬▮ ▯▬▪▯▱ ▮▯▮▱ ▪▪▬▯▰▪▪ ▱▯▯ ■▯▯▱▯▬▰ ▯▱ ▱▰▯ ▱▯▱▮ ▮▪▬▯▪▰ ▪▮▮▬▱▱ ▮▰ ▰▪ ▰▰▯▬ ▬▯▱▯▪▬▪ ▮▬▯▱ ▬▱■▱▱ ▰▬■▬ ▬■▪▯▮▮ ▯▱▬▬▰ ▰▯▪▮ ▬▰▱▱▪■▮
▮▰▯▬▰▱▬ ■▪▬▮ ▰▮ ▪▰▯■ ▪▯■▮ ■▱▱▱ ▬▱ ▬▮ ▪■▱▬▪ ▪■▯▪ ■▱▪ ▬▪▮▬▯▯ ▪▬ ▱▬ ▯▱▪▬▮ ▰▬▬▪ ▯■▪ ▰▱▱▰▯▯ ▱▪▬▪ ▯▯▪ ▱▬▮▬■▱▬ ▮▬■▰▰▪ ■▯▯▯▰▪▰ ▱■ ▮▰▰■▬▱▪ ▱▬▪▪ ■■▱▮■▬ ▬▬ ▯▬▯▪▱▯▯ ▬■▰ ■■ ▱▮▬ ▮▰▮ ■▰▯▮ ▯▬▱▰▬▮▯ ▰▮▱▮▰▬ ▱▮ ▬▯▰▮▬ ▯▱▬▬▱▯ ▯■ ▮▪ ▱▮▱▬■▯▪ ▪▰▮▬▰■ ▬▰▮ ■▬ ▬▮▪ ▱▯▬▮▰■▬ ▬▱ ▯▰ ▮▪▪▪▯▬▪ ▰▱▬▱▰ ■▪■▯ ▱▪▬▪■ ▮▰▯▪▮■▯ ▮▪▪▮▮■▬ ▯▮▮▮▬■ ▬▰ ▱▬▰▬■▰ ▪▪▱ ▪▱▰ ▮▱▬■▬ ▪▮▮ ▮▯ ■▱▬▬ ▮■■▪▬▯▱ ■▱▰▱▰▯ ▰▱▪▮▱ ▬▪▱▮■ ▯▱▪■▪
▮▮▮ ■▬■■■▪■ ■▬▪ ▬▮▰▯▬▯ ▪▰▪▮ ▬▰■▮ ▪▯▯■ ■▬▯■▬ ▱▬▯ ▱▮▬ ▱▰▬▯ ■▱▰▱▪▪ ▰▯▰ ▬▰■▰ ▮▪▮■▬ ■▮▪ ▱▮▪▪▱▪▯ ▬▰■■▱ ▰▯▱▱■▪ ▱▱▪▮▮■▪ ■▬▱▮ ▯▱▪▰▯ ▱■▪▮▯ ▯▱▰▪■ ▪▰▪▬▪ ▰▱▱ ▪▰▱ ■▪▯▮▰▮ ▰▯▰ ▯▮▱▰▱■ ▬▬■▬ ▪■■ ▪▬ ■▯■ ■■ ▪▮■▮▰ ▬▮▮■▰▮▪ ▱■▮▯ ▰▯ ▬▯▮▯▰▯ ▰▯▯ ▱■▮▱▱▪▱ ▪▯▰■▪▰ ■▰ ▰▬▮▯■▯ ■▰ ▱■▮■▪ ▰▮▮▯ ▪■■ ▬▪ ▱▪▱▬▬ ▰▪■▱■ ■▬■▮▯▬ ■■▮▬▰▯▰ ■▯▪▱▮ ▯▱■▯▱▪▮ ▰▮▪ ■▪ ▯▯▯▯■ ▮▰▬▮■▰ ▯▮■ ▱▬▰▬▮▪ ■▬▬▬ ▯▱▱▰▱■■ ▰▱▬▪▱▯■ ▪▮▮ ▪▱▯▬ ▮▯▮ ▪▬▪
▱▪ ▱▬■ ▯▪▱▬ ▰■▯▯▱▰▯ ▰▪▮▪■ ▪▪■▪▮▰ ▱▬▮▪■▬▯ ■▯▱■ ▰▮▱▮■ ▯■▯ ▱▰▬■ ▰▰ ▬▰▬▪▪▬ ▮■▯▪▱▪ ▬▰▮▱▰▰ ▯▪▮▱▱▬ ▯■▱▮▯▮■ ▪▰■▪■▮▱ ▯▱▰ ▯■▱▬▯▰▮ ▪▮▱▬▱▮ ▱▱▱▪▯■ ■▯▯▯▪▰▯ ▰▯▰ ■▯▯▪■▮▮ ▰▬▬■ ▱▮▰▰ ■▬■▮■▱ ▪▱■▪■▱ ▪▰▰▮▱ ▬▰ ▬▱▰▰▯■▪ ▪▰▯▮ ▯▯▯ ▯▯ ▬▰ ▰■▱ ▬▮▬▰▮■ ▪▬▱■▰▮ ▮■▪■▰ ▱▪■ ▱▪■■ ■▪ ■▰▮▮■▱▮ ▯▰▱▪▯▪ ▬▱▪▯▮▯▯ ▮■■■
■■■▯▯▮ ■■▰▱ ▱▬▬▮■ ▱▬■▬▯ ▮▬▯▰▱▯▬ ▮▰▪▬▯▯ ■▰▬▮▯■▯ ▰▯▱▯■▪■ ▱▯▮ ▯▮▱▮▮▱ ▱■▯▪■▯ ■▪▱▮▰▬ ▰▪▯▮■▪▮ ▰■▪ ▰▬ ▱■▱ ▱▮▬■▪▬▪ ▮▯■▪▯ ▱▰ ■▮■▱■■■ ▪▱ ▱▯▰▯▱▬▰ ■▯ ■▱▰▱▰ ■▯ ▱▪▰▱▮■▮ ■▱▯ ▯▪▪▪ ▪▱▯▯ ▪▱▰▯ ▯▬▱▬▯ ▪■▬▱ ▬▰▰▰■▱▱ ▱▬▱ ▬▪▯▮▰▪▱ ▬▮▪▪▪▰▬ ▬▪▪■■ ▯▮▮▪ ■▪▬▬▬▰ ▰▬■▱▬▬▬ ■▪■▯▬ ▮▰■■ ▬▰ ▰■▱▯▬ ▬■▪ ▮■▬▪ ▬▮▪ ▱▮▮▯▪▮▬ ▬▮ ▮▪▬ ■▰■ ▱▬▱■▯ ▰▪▬▮▮■ ■▯▪■ ▪▪ ▰▯ ▮▱■▮▮▱▮ ▱▯■▮▮▰ ▮▯ ■▯ ▮▬▰▬▬▬ ▱▱▰▮■▪▬ ▮▪ ▮▪▬▪ ▮▪▰▪▱▱▱ ▪■▱▯▱ ▱▱▱ ▰▬▬▮ ▮▰■▱▱▬■
▯▮ ▰▰▬■▯ ▰▮▮▮▯▯▮ ▯▪▱■■▰ ▯▰▯ ■▰ ▬▰▯▱▪▯▪ ▬▰▪■▯ ▪▯▱▬ ▰▱ ▰■▮ ▮▮▱▮▯▪▬ ■▰ ▰▱▪■▬ ▪▮▬▯▰▬ ▬▮■■■▰ ▬▮▯▰▮▮▱ ▱▪▬ ▰▱▪▬ ▱▪▯▰▰ ▬▮▱■▰ ▪■▰▬▯▬ ■▱▱▰▯▪ ▬■ ▪■▪▯ ▱■▮ ▱▱▯▯▱▮▰ ▰▮ ▪▪▪▱▯■ ▱▰▬▯▮ ■▱▪▯▬▪ ■■■▰▪▰▯ ▬■ ▪▰ ▰▰■▬▱ ▮▪▯▯▬▯■ ▪▬▮▰▰
▰▮▰▱▯■▬ ■▰▱▪▬■▱ ▯▯▪■▯▪ ▮■▮▮▬▪▪ ▯■▯▱ ▮▯▬ ▪▰▯ ▱▰ ▪▪■▱▬ ▰▯ ▱▬ ▱■▮▪ ▯▱■ ▱■▪▪ ▮▮▬▮■▮ ▬▮▯▰▰▰ ▯▪▯▰▯▱ ▮■▰▱ ▰▯▬▬ ▮▪▪▱▯▱▬ ▬■■ ▮▱ ▱▱■■▯ ▪▮ ▯▱▪▱▪▪▬ ▬▮▬■▯■▰ ▬▱▰ ▱▯▬▪▪ ■▱▰■■▬▮ ▱▱▱▪ ▬▬■▱▰ ▪■▱▮▮▪ ▯▰▱ ▪▱▪▱▯▯
▬▰▰▯ ▪■▮▱■▰ ■▯▪▬ ▯▬▮■▯■ ▮▪▰▮■▱▰ ▰▱▪ ▮■▪▯▮▰ ▰▯▯▮▪▮▱ ▮▮▯ ▯▬▮▰ ▪▬▬▱ ▮■▬▮■▯ ▬■▪▪▱ ▬▰▱▱▱▰▮ ▰▬▰▮■▮ ▱■▬ ■▮▱▱ ▱■▱▰▱▪▰ ▱▯■▰▮▬ ▱▱▱▪▬■▱ ▰▮▱▰■■■ ▮▪▰▱ ▮▮■■▰▮ ■▬▯▱▪▪▯ ▮▰▯▯▮ ▪▮▱▮■▱▱ ▬■▯▰▪▮ ▰▮▰▪ ▬▰■ ▪▬▮▰ ▱▰▪■▰ ▯■▱▯ ▱▰ ▱▮▬▮
▰▰▯ ▪▰▮ ▬▰■▮▮▬▰ ▱▯▪ ▮▱▰ ▱■▮▮▬ ▱■▪▱▰ ▯▯ ▯▬▪ ▪▮■ ▮▬▰▯▮ ▪▱■▰▪ ▰▯▪▮▯▯ ▯▮▱■ ▮▪▬ ▯■▪▰ ▬■ ▪▰■■▮ ▮▬▮▱■▬▯ ▱▪▮▮▱▱▮ ▰▬▮ ▯▬▮▮ ■▯▱▰▪▮▱ ▪■▱▮▮▯▯ ▯▪■▬▮▱ ■▱ ▪▪▪ ▬▯▱ ▯▬▱▱■■ ▮▰▬■▬ ■▪▮■▱ ▬▰▬▮■ ▰▮▮ ▬▰▰▱▪■ ▮▬▮▰▱■▯ ▪▯ ▪▰▬▯ ■▰▪▪■■▪ ■▬▰▮■■▱ ▪▮■▯▱■ ▬▬▰▬▮ ▮▯▱▰ ▰■▰ ▮▰■▮ ▮▯▮▰▪ ▮▯ ▪▮▯▱▱ ▮▯▯■ ▬▪▱▬▪▮ ▮▰▪▮▬■ ▯▮▯▱▬▮ ▯▯▪■▰ ▰■ ▮■▮▮■▰ ▯■ ■▰■▱▬▬ ■▱▪▬ ▮▰▰ ▯▱▮▬■▱ ▰▰▪▪ ■▱▰ ▬▰▱▱▰ ■▱▮■■▪ ▪▰▯▱ ▱▰▬ ▱▪▱▱▬▪▪
■▬■■▱ ▯▮▰▱ ▯▰▪▮ ▪▯▱ ▯■▮▰▬▯ ■▯▬▮ ▮▪ ▯▯ ▱■▱ ■▯ ▱▰▱ ▯▮ ▰▮ ▯▪▱ ▪▯▯▰ ▰▬▰▬▬▱ ▬▰▰▮ ▯▬▪▮▬▮ ▰▪▰▪▯■ ▪▱ ▮▱▬▯▬ ▪▯■▯▪▱ ▯▯▯ ▯■ ▬■ ■▰ ▬▱▯▯ ■▪▱■▯▯▪ ▪▯▬ ▪▮▪▱ ▬▬▰ ▱▮■ ▱▮ ▮▰▰
■▯▰▯ ▬▰ ▮■▯ ▰▯■▬▯ ▪■■▰ ▬▮■▰ ▪▯■▯▬▰▯ ▪▮▬▱ ▬▪▯▱▯ ▮▬▯▮■▬ ▪▯▮▱ ▪▰▪■▪▪ ▯▮▯▬ ▪■▰ ▰▰■▪▯ ▰▯ ▰▪▯ ▰▱▰▱▮ ▰▰▯■■▪ ▱▰▱▯▰▮▯ ▱▮▮▰ ■▬▱▯ ▮▰ ▮▰▱▪■ ▪■▮▱▪▮ ▱▪■▯■▪ ▬▰▯▯■▯ ▮▮▯ ▪▪▮▮ ▱▯▯▪ ▬▯ ▱▰▮ ■▬▪▰▪▰ ▬▱▮▬■ ▯▮▪ ▯▯▮■■ ■■■■▰▯ ▰▱▱▬▬ ■▬▱▬▬ ▮▰▪ ▱■■▪▬▮▪ ▮▬▮▬ ▬▰▪▪■▱▮ ▬▯▮▱ ▰■ ▮▪▬ ▯▪ ■▰ ▮▱▮▯▯▱ ▯▬▮▬▪■▱ ▱■▰▮■▬▪ ■▮▪
▪▬▬▰▰▰ ▱▮■ ▰▯■ ▮■ ▱▬▯▬▮▯▬ ▬■▱▪■■▮ ▰▱▯▬▯▱ ▪▬▰ ▱▯ ▬▱▱■ ▱▪■▰ ▰▱▪▯▰ ▪▰▯▰▪■ ▰▰▱▯▱▪▬ ▬▬ ▯▱▰▮ ▪▬▯▪▯ ▪▯▰▰■ ■■▱▰■▯ ▯▬ ▪▬▮■▪ ▯▪▯▬ ▰▯▰▱▱▱▰ ■▯▪▮■■ ▪▮▱▯■ ▰▪▮■■▯ ▬▯▮▮▱▮ ▯▬▮▯▮▪ ■▮▪▰▮▰▱ ■▱▰▮■▰ ■▬▬■ ▯▯▮▰▪■ ■▯
▱▪▯▪▯■ ■▮▬▰▮▪■ ▯▯▬ ▰■ ▱▱ ▬▬ ▯▯▪ ▬▬ ▰▪▬ ▱▱▯■ ▱■▬▯▪ ▬■▯▪■▰▯ ■▬▱▯▮ ■▯■▯▪▰ ▮▱▪▱▪■▱ ▯■▪▯▯▱ ▱▬▪▯ ▮■▰▱▮▯ ▮▰▪▬▯ ▰▰▬▰▮▰■ ▯▱ ▮▰▪ ▪▬▮▬▪ ▰■▱■ ▬▪▰▬■
▰▱▱▱▮▬▰ ▱▱▰■▮ ■▪▰▪ ▬▪▬▰ ▯■▱ ▱▯▰▰▯ ▱▮▱▰ ▰▰▪▮ ▱▬■■ ▪▪▬■▮▬■ ■▱▱▪▰ ▱■▮▰▬▯ ■▯▯ ▰▬▱▮ ▱▬▮■▰▰ ▱■▱▮▱ ▰▮▰■▬ ■▱ ▱▯▯▪▱▰▬ ▯▯ ▯▯▰▪▯ ▰■▬ ▮▮▮▪■▯ ▮▬■▪■ ▯▬ ■▯▯ ▪▰ ▮▬ ▱▬▮▱ ▰■■▯▮ ▯▰▮▱▬ ▪▮▯▰▰▰▱ ■▪▪▯■ ▱▰■ ▱▱▰▰▮ ▱▱ ▯▱▮▬▯▬ ▯■▯▬▱ ■▪▱▬▮■▮ ▯■▰ ▪▮▪ ▱▱▯▪▰▯ ▪■▱ ▪■▰▰▰▯ ▰▰■▪▮▰▰
▯▱▮▪ ▪■■ ▯▮ ▪▪▱▪ ▰■▱▮▬ ▮▪▬■▬▪ ▱▱▱▯▯■ ▰▮▬■▯ ▮■■▱ ▯▬▱▱▮▪▱ ▮▬▪▱▬▯ ▯▮■▬▰▰■ ▬▪▬▪ ▬▱ ▰▰■ ▪▱▪▮▪▪▬ ■■▱▮ ▪▰▮▮▪■▬ ▪▪▰▬ ▯▯▯▮▰ ▯■▰▯▱▰▯ ▪▮▪▯▪▪▪ ▯▯▮▯ ▰▰ ▰▬ ▱▱ ▯▰▰▪▬ ▪▪▪ ▮▬▰▰▱▬▯ ▱▪▪▱ ▯▰ ▬▱■▮▰ ▯▰▪ ▪▮▮ ▯■▬▰▬ ▯▮▯▮▬■▯ ▬▰▰▪■▮▱ ▪▰ ▮▮ ▰▪▪▮▮▱ ▯▮ ▪▪■▯▮▮ ▰▬
■▮■■ ▰▱ ▪▰▬▰▪ ▰▯▬▰▮▬ ■▬ ▱▰ ▮▱▱ ▬▰▱▪▱▱▪ ■▯▪▱▱■■ ■▯▰▯ ■■▪ ▰▱▰▪▱▱▱ ▱▪▪■▬ ▱■▬▯ ▯▱▪▰▱ ▱▬■▯▬ ▬▮ ▮▪▪▬▱▪▮ ▬▪▯▱■▯▯ ▪▰▮▰ ■▰▱▪▯▰ ▰▰▬▯▪ ▯▯▮ ▪▮▯ ▰▬▬▯▱▮ ▰▯■■▪ ▮▯▱▬ ▬■▯▰ ■▰ ■▰▮▱▪▰ ▬■ ▰▯■▰▱▯▰ ▬▬▰▬▰ ▪▯▯▬■■▪
■▰▬▮▱▱▰ ■▮▰■ ▬▮▬▮▯▮ ■▯▮■▪■ ▮▱ ▪▮▰▮ ▬▰▮ ▯▰■▮▮ ▮▱▰▬▯■▬ ■■▪▪▯■▱ ▰▰▮▱■ ▯▪▬▮▮ ▱▯ ▬▰▯■ ▪▰▪▯▮ ■▱■ ▮■▪ ▯▰▬▪ ▮▪ ▬▪▰▬▬ ▱▬ ▮▬▯▮▰▯▪ ▮■■ ▰▯■▬ ▮▮▱▮ ▬▬▰▪ ▰▱■ ▱▰▯▯■▬▬ ▮▰▰ ■■▬ ▮■■▮▱ ▮▪▰▱▬ ▪▰ ▯▱▪▱▪■ ■▯ ▱▪▮■▬▮■ ▪▬▰▪ ■▯■ ▪▮▮■ ▮▰▬▱▰▯ ▬■▱ ■▪ ■▯▮▬ ▱▯▮▪▱ ▮▱▰▮■▱ ▮▰▰▱ ■▯▱▮■ ▯▯ ▰▰▮▮ ▰■▬▮■▯▪ ▪▪▯▬■■ ■▮▪▯▪ ▬▱▯▮▱▪
▱▯■▪ ▬▮▮▬■ ▰▮ ▱▪▮▪▮ ▪▰ ■▯▬▬▪▰▮ ▯▱▱ ▱▰▮■ ▪▰▯ ▬▬ ▪▱▯▰ ▬▯▪▰■▯ ▬▯▯▪ ▱▰▯▯ ▮■▪▬▱ ▱▮▱▮■▱ ▬▬■▬ ■▱▯▯ ▮▪ ▬▬▯▯▪ ▯▮▪■▮ ■▯▪■▬ ▰■▱▪ ▱■ ▰▯▱■▬▯■ ▬▬▱▯▪▰ ■▬▪▬■▬ ▯▯▱■▬ ▪▪ ▪▬▪▮ ▱▮▮▱ ▬▰▮▬▰▬ ▮▮▱▪▮ ▪▰▰▪ ▪▮▰■▮▬ ▮▰ ■▮▮▯ ▰▮ ▰■■▰▱▪
▱▰▱▮ ▰▪▰▯ ▬▯■▮▮ ▮▬ ■▯ ▬▱▬ ▯▮▱▪▪■ ▱▯■■▪▬ ■■ ▯▯▪ ▮■▮ ▯▰ ▱▬▱▰▰■ ▬▮▰ ▰■▱▪▪ ▬▰▬▮▬▬ ▱■▬▬▱■▰ ▬▰▯ ▯▬▱▰▱▰▰ ■▰■▪▮ ▬▪▬▬ ▪▪▪ ▮▬▪ ▪■▪▪▯▬ ■▯▱■▮ ▯▪▱▯▬ ■▪▯▯▪ ▰▱▬▯▯▰▱ ▮▱▰▰■■ ▯■ ▬■ ▬▯▱▪▪▰▪ ▱▱▰ ▯▰▪▰▪ ▱▰■ ▯▪▬ ▱▯▮▰
▪▪▪▮ ▯■▪ ▬▮▯▱▪▪■ ▱■ ▪▯▯▮ ▪▪▮▮▰▰▰ ▪▰▬▱▯■ ▱▪▰■▬▯ ▱▯▬▪ ▬▯▰ ▰▰▪▱▮▰ ▯▪▱▬ ▯▪▰▱▮▱ ▯▬▮▪ ▮▮▱▰▱ ▱■ ▪■▰ ▮▬ ▰▪ ▬▯▯▮ ■▰▮ ▯▰▯ ▬▬▬ ▪■▪▬■▮ ▮▰▬ ▮■ ▪▰▰■▱▰▰ ▬▯▪▪▱▪▬ ▬▮▱ ■▮ ▬▪▮▯▮ ▯▱■ ▱▯■▯▪▬ ▪▰▮■▱▮ ▪▱ ▱▮▰▮▪▪▮ ▯▪▰▬■▬▱ ▱▯▱▱▱ ▰▪▮■■▮▱ ■■▯▰▯▪
▱■▪ ▮■▬ ■▱■▰▪■ ▰▱▯▱ ▯■▮ ▯▱ ■▱ ▰▪■ ▰▰▰ ▱▰▬▱ ▱■■▰▰▪ ▯▯▯ ▮▬■▮■▯▱ ▰■▮▪▯▪■ ▬▱▪▬▪■▰ ▰▱▯ ▪▮ ■▮■▱▱▰▪ ▮▬▱ ▯▬▰▯▰▪
▪▮▰▬▱▪ ▰▮▯▬▱▮▪ ▬▮■▪▱▯▰ ■▬▪▱▬ ▬▪ ■▬▪▪▪ ▬■▪ ▯▮▪▱▯▰▰ ■▬▯▪■▮▱ ▰▯▰▰ ▮■▪▪■ ▪▪▪▰▯▮▮ ▪▰▱ ■▮▬▯▪▰ ▮▪▮▰■▯▮ ▰■▰▮▰▯ ▬▮▯▰▱■▰ ▯▰▪▰ ▰▰ ▯▪ ▪▬■ ▯▰▯▯▱▯ ▱▰■▪▯ ▪▰▱ ▬■ ▱▮■▱▬ ▯▪▬▯▬▱ ▬▪▱ ▮■▪■ ■▮ ▪▬▮▬ ▯▯▪▬▰■ ▱■ ▯▪■ ▪▪▪ ▱■■ ▱▰■▮▱▪ ▰▰ ■▱ ▱▪ ▰■■ ▱■▯ ▮▬▪ ▰▮▰▬▬▬▮ ■▰▰▮ ■▱▰ ▰▬■▬▰▮ ▪▮■■ ▰▱▰■ ■▬ ▮▱■▮▬▯▮ ▬■■▬▮▬▬ ▱▮▰ ▪▬▪▪ ▯▮▯▬▰ ▬▮▮ ▱■▰▬ ■▮▮ ▯■▬▪ ▬▯▯▰▪▪ ▮▱
▪■▯▮▬▮ ▬▯▯ ▬▬▬ ▯▬■▱ ▯▰▬▯▮ ▮▮ ▯▬▮▬ ▱▪▯ ▮■ ▰▰▱ ▬▯▯ ▯■▯ ▪▪▬▪ ▱▰■ ■▪▯▯■ ▱■▰▪▯ ▱▪▯▯▪ ▰▱▯ ▰▮▮▮■ ■▱ ▪▪▮▪▯ ▮▮▬ ▪■▯▪▰ ▱■■▰ ▪■▰ ▬■ ■▮ ▬▮▯■▮▱▪ ■▮▪▮■▰▯ ▱▱▮▪▰ ▱▯▮▯▰▯▯ ▰▬■▪▪▱ ▯▰▰▪ ▰■▮ ▰■▬▰▬▯▮ ▬▪▰▯▬▰ ▮■ ▱▪▰▪▯■▯ ■▮▰▬▮ ■▱▯ ■▬▪▮▰▬▯ ▰▰▮▱ ▯▪■■▱ ▬▯ ▱▯▯■▮■ ▮▮▱ ▬▮ ▱▬▰▱▱▰ ▯▱▪▱▱ ▪▱▬▰ ▰▪▱▱ ▰▬▪▮▪▮▪ ▬▯ ▱▪▯▱ ▱▯ ■▮▰▪▱▮ ▬▬▬■▰▪
▱▮ ▯▱■■▬▰ ▬▱▪▪ ▰▪▱ ■▮▪■▬▰ ▱▱▪▮▱■ ▬▰▰▮▰▪ ▬▮▮▱▱▬ ▱▯▱■▰▪▮ ▪▱ ▬▮ ■▰▰ ▬▪▰▪■▯ ▯▯▮ ▬▮▰■ ■▬▮▰▮▮ ▱▰▪■ ▯▪▬▪■▮▪ ▰▪■▮▮■▪ ▪▬▰■▪ ■▪▬▬▰ ▯▮▯▪▯ ▮▯▰▱▱▰▰ ▬▰▱▰■▮ ▪▱■▮▰ ▮▮■▮▬▬ ▰▱ ▬▮■▪ ▮▱▯ ■▪ ▰▪▪ ■▰■▬▱ ▬▮■▮ ▮▪▰▪▱ ▮■▱▰ ▰▮ ▬■▪ ▱▪ ▮▯▮ ■■ ▰▮▮ ■▱▰ ▪■▯▯ ▮▰▱ ▰▬ ▬■ ▰▬▯▬▰▱ ▰▬▪▯■▪ ▯▪▰▬▮▱▰ ▮▪▰▪■ ▬▱▮▪■▱ ▱■▪▰ ▪▬▰▯▰
▯▰▯▬▮▱▬ ▯▰▮▰▬▯ ▮▬▮▬▱▰▯ ▮▯ ▰▰ ▪▬▬■ ▮▱ ■■ ▯▱▱▮▱▮▪ ▬■▪▮▯ ▯■■ ■▪■▰▱▬▱ ■▰▪▱▯▮■ ■▱ ▮▪■▱ ▮■▰▪▪▪▮ ▬▰■▱▯▯ ▪▰▮ ▪▮ ■▬▬▰▯▯ ▰▰▯■▪▯■
■■▰ ▪▰▱▪▯ ▰▯▱▪▬ ▱▪▮▬ ▯▰▯■ ▪▪▰▮▯▪■ ▪■▱▮■▮ ▮■▬▰ ▰▬▬▱▯■▮ ▪▯▯▮▱▬■ ▬▬▮■▱▯ ▪▯ ▮▯■▪▬ ▱■ ▰▬▰▮▬▮ ▯▪▯ ▮▱▰▯▯ ■▪▱▬ ▱▰▪▯▰▯▮ ▯■■▬▮▬ ▮▰▪▬ ▪▮▪▯▬▱■ ▮▱▯ ▯■▪▮▰ ■▬ ▯▱■▯▬ ▮▯▯▰▮▮▯ ▪▰ ▱▬▯■▱▬▪ ▯▯▰▰▰▰▬ ▬▯ ■▪ ▬▪▬▬▬▮▯ ▱▰ ■■▪▪ ▯▱▮■▮▯ ▬▮▪ ▯▮ ▮▯▪▬▱▯ ▱▮▰▰■ ▪▱▮▮ ▱■▪▰▪ ▯▯▬ ▮▰■▪▱▬▬ ▪▬■ ▮▱▯ ▪▱▱ ▯■▰▱
▮▮▱▮▮▮ ▯▱▱▬▰ ▱▮ ▱▪▯▯▮ ▯▱▬■▯▰ ▪▯▯■■▮ ▰▯▪▱▮ ■▮▪ ▱▯▱▬▯ ■▱▰▯▰ ▬▮▯▰▰▬■ ▪▱▪▱▯■▯ ▪▱▪▰▪ ▪▱▪■▬▬▮ ▱▪ ▬▯▱▱ ▰■▮▮▪■▮ ▱▬▬▬▪■ ▯▮▱■■▰▱ ■▮ ■▬ ▬▱▯■▬ ▰▬ ■▬▱■▮▬▪ ▯▪▮▪ ■▮▯ ▰■▯▰▰ ▮▬▬▰ ▱▯
▰▮▰▯■ ▬▯■▯▬▪ ▰▬■▪■■ ▰▬■ ▱▪▰▯▪▱▯ ▯▬■▮ ▰▰▱▱ ▮▱▬▮■▯▬ ▱▯▱▰▮▬▯ ▯▱▱▬ ▬▰▪▪▬■▰ ■▮▰▮▱ ▰▪▰▬ ▮▯ ▰▪▰▪▪▮ ▪▪ ▮▮■▰▰■■ ■▪▰▰ ▬▬▰ ▮▪▯▬ ▬▮ ▰▬■▯ ▪■▯ ▯▱▱▰ ▪▰▱▰▪ ▱▬▯▪ ▯▰▰▪▬▰ ▬▪▪▱▮ ▯■▱▱▬ ▪▰▮▱▯▯ ▮▮■▰ ▬▰■▯
▮▰▯▪▮▮ ▰▯■ ▬▱▬▪▬▬▮ ▯▰▮▬▬■ ▯▱▱▪▬▰▪ ▰▬▱▬▰▰▱ ▱■ ▰▱▱▰▪▪ ■■▱■ ▱▮▰▯■▯ ▰▮■▮■ ▪▯▱▯▯▱ ▬▪ ▬▪▯■▬▯▱ ▬▪ ▪▬▰▮▱▰ ■▰▬▮▮▰ ▬▬▯▯▯ ▰▰ ▪▮▰ ■▱▯ ▪▮▬▱▬▱ ▮■▯▮▪ ▰▯▪▯ ▰▮▪▪▱▪ ▪▪ ▰▰▰■■▮▮ ▪▮▱▮▮▬ ▰▬■▱▪ ▬▮▯ ▮▯▬▯ ▱▮▱▬▬ ■▯ ▮▰▯■▪ ▪▬▯▬▮▪▰ ■■▱ ▯▱▯▰▰■ ▰▮▯▮▬▪■ ■▪ ▯■▮▬▬▪▯ ▬▱▬ ▮▰▱▱ ■▮▪▬ ▰▪▪▯▪▱■ ▯▮▯▯ ■▬▪■ ▪▪▯ ▰■▰▬▰■▬ ▬▱▪■ ▯▮■■■▮ ▬▪ ▯▱▱▬▰▰▱ ▰▰▱ ▪▱▱▱ ▰■ ▮▪▮▮ ▰■▰▯▯ ▮▯▬ ▯▬▰▱▱■ ▪■■▱▪▰▪ ▬▯▬▮▯■ ▮▯▬ ▮■▱▰▰■ ■▱ ▪▰▬▯■▪ ▬▯▱▰▪▰
▯■▪ ▱▮▰▯▯▱ ▰▰▮▯▯▯ ■▪▯▬ ▯▱■▱▪▱▰ ▪▱▮▪▬ ▪▰▰▰ ▱▬▪▪▪ ▪▱■▪▰▬ ▪■▪▯▮▰ ▬▪▬▰▰ ▪▱▪▪ ■■▮▬▬▯▰ ▪▬▮▬ ▪▮▮▱■▰▪ ■■▮▰▬ ▬▪ ▪▪▱▰▯▪ ■▰▯▰ ▰▪ ▬▱■▮■▬ ▬■ ▱▰ ▬▰▰ ▮■ ▬▰▱▯ ▰■ ▯▰▯▱▬ ▰■▰▱▮ ▯▱▪▪▰■▬ ▱▬▰▪▮ ▮▬▮▱▪ ■▯ ▬▱▬▪▯ ▱■ ■▯▮▱▰■▱ ▪▯▮■▬▱▬ ▮▬▮▰▮ ▪■▰■▰▰ ▰▮■▮■▱▯ ▱▪▯▯▱▮▪ ▱▪▪ ■▯▬▪ ▪■■▬▱▰ ▪▯ ▮▰▬■▯▰▮ ▮■▯▱■▮▯ ▱▱▯ ▪■ ▱▯▱▯▱ ▮▪▪ ■■ ▰▬▱▱▮■ ▰▯▯▰▱▪ ▮▰▪▮▰▯ ▯▪▪▯▯ ▬▪▬▪▪ ▮▪▪▰▰▪ ▱▪▯ ▮■▮▯ ▯▱ ▪▰ ▰▰▱▮■
▬▯ ▰▱▱■▯■ ▬▯▪▬ ▱▪ ■■▱▱▯▪ ■▱ ■▯▮▰▮▯ ▪▯▮▱■▪ ■▮▯■ ▬▰■▱▬ ▯▪▰▱ ▰▬▱▰▬▬▪ ▱▬ ▱▱ ▰■▱▱▪▬▯ ▰▯▯▯■▮▬ ▪▪■▪ ▯▯▪▬■▬ ▱▪■▯▮▰ ▬▮▪▮▬ ■▱■▯▯▪▯ ▯▮■▰▮▯▪ ■■ ▮■▱▯▬■ ▮▬▬▱▮▰ ▯▮ ▮▱▱ ▮▮▬ ▬▪▮■▬ ▱▪■▪■▬▯ ▪▮▮▪ ■▯ ▪▱ ▯▬▪▮▯ ▬▱▬▯ ▰▰▯▱■▰ ▱▯■ ▰▱▬▮▪▯▬ ▬▮▰▯ ▰▪▱▱▪
▪■■▯▰ ▱▬▮▬▬▪▬ ▯▮ ▱■▮▰▮■▬ ■▪▰ ▯▮■▪▯▱▬ ▰▬▬▬▯▯ ▰▪▮▱▮■ ▯▰▯▬■▰ ▮▱ ▬▪▮▱▪▬▱ ▯▮▰ ▬▪▯▯■■▰ ▰▬▬▪▰ ▮▪▱▮▬ ▪▯▪▪▪ ■▯▬▱▮▱▬ ▱▰▮▱▯▮▪ ▮▪■ ▬▯■■■▬▱ ▬■ ▬■ ▰▬■ ▪▪ ▪▰▱▰▬ ▪▬■ ■▱▬■■■▯ ▪▬ ▮▮▱ ▮▰ ▰■▬▱■ ■▮▪▰▮▪ ▯■▯▬▬ ▱▪▯▱▬ ▰■▪▯ ▮▪▱▯▱▱ ▱■ ▰▱▯ ▱▮▰▬▬▰▯ ▬▬▯▰▰ ▮▮▰■▯▰▱ ▪▪▬▮▯▰ ▮▮ ▪▰▱■ ▱▰▪ ▯▱▪▱▪▮■ ▰▰ ▱■ ▱▯▮▮▰▮ ■▬▰▯▮▪▪ ▰▱▪▱ ▯■■▱ ▪▮▱▪▱ ▯▮▯▰ ▰▪▰▮■ ■▪▯ ▯▪ ▱▮▬▮▱ ▰▰▱▪▮ ■▯■▱▮ ■▮■■■▬ ▰▪■ ▱▱▮▱▪▯ ▪▬▯▯▪■ ▯▮▱▰▪▯ ▰▬▰▯
■■▬ ■▬▯▰▰ ▬▪▯▬ ▮▬▱▮▮▪ ▬■ ▬▰▮▱▰ ▬▯▪ ▯▰▰ ▮▯ ▯■▯▯▮ ▱▬▮▱ ■■ ▱▰ ▪▮▮▬▮▰ ▮■▪▮▰▯▪ ▯■ ▯▬▱■▮▪ ▱▱▰ ▬▱ ▪▪▪▯ ■▬▯▪▮▯▪ ▬▮▱▬▬ ▰▪▮ ▯▯▪ ▯▱▮■▱▰▮ ▪■▪▪▬ ▪▰▯▮ ■▯▯▬■▰ ■▰▯■■ ▯▱▱■▯ ▰▱ ▪■▰▰▮ ▱▯▯■▱▪▮ ▪▰▬▰▬ ▯▮▪■ ▪▮▬▰▬▱ ■▰▮▱
▯■▰▪▬ ▬▮▯▮▪ ▱▯▰ ▪▯ ▮▪▬▱ ▪▯ ▮▬▱▯ ▰■■▮ ▱▯ ▬▬▱ ■▮▮▮▬■ ▱▱▮▰▬▱ ▰▮ ▰▰▬▮▱ ▯▯▰▮▪▬▮ ▱■ ■▯▪■▮ ▬▪▮▮ ▱▰ ▪▯▬▯▮▬ ▰▬▰▰▯▪ ▯▯▪ ▪▪▮▯▰■ ▬▪ ▪■ ▰■▪▮▰▪▰ ▮■▰▬▰ ▪▬▬▮▪▬▯ ▯■▪▮▪▬ ▮▪▮ ▯▮▱ ▯■▰▮▱ ▬▱▬▰▯ ■▪▯▯▬ ▱▬▱▪▯▱▪ ▮▪▯▱▮ ▯▯▰
▯▱▱▪■▱■ ▮▮■▱ ▯▮ ▬▱▰▰▮▰▪ ▮▪▯▬▪ ▰▬ ■▬▱▰ ■▪▬▪▱ ▰▪ ▬▮▪ ▪▬▰ ▬▬▯▪▯▪ ▱▱■▮■▰ ▪▬▮▯▱▰▱ ■▬ ▰▮▱▮ ▬▮■■▪ ▮▱▪▱ ▮▱▰▱ ▮▱▱■▱▰ ▪▱▪▪▯▯ ▬▮▬▬▬ ▬▮▯ ▪▰▬▪▬ ▰▮▯ ▰■■ ▯▰▬■▯ ▯▪▬▰ ▬▱▱■▮▰
■▱▮■▱▱▪ ▪▰▪ ▮▪ ▮▰■▪▬▱▬ ■▱▱ ▯▰▪▱▬ ▱▰▪ ▰▬▮▯ ▰▯ ▮▮▬▪▬▮▮ ▪▬■▮▮▰ ▬▬ ▪▱ ▯▪▰ ▯■▬▬▯▯ ▱▱▱▪▱▮■ ■▰■▬▱▪ ▰▮■▰▮ ▬▮▰ ▱▱▱▬■▯▱ ▰▬■▮▱ ▪▱■▮▱▯ ▬▯▬▯▯▯ ▱■ ▱■▬ ▪▱▪ ▮■▱▪▮ ▰▯▯▮ ▱▯▬ ▰▯▬▬▮▬ ▬▪▬▮■▯ ▯▱▮▪ ▪■▪▱▰ ■▰▱ ▮▯ ▪■▬▮ ▮▯■■ ▯▯▬ ▯▰▯ ▰■▪▰ ▰▪▰▬▬▱▪ ▯■■▯▪▪■ ▱▮ ▯▬▬▯■▰▬ ▮▪▬■▯▱▰ ■■ ▱▬▯▪▪▯■ ▪▪▰▱▰▬ ▬■ ▬▬▯ ▮▱▪ ▪▰ ▪▮▱■ ■▬▰▪▯■ ■▪▪■▬▱ ▪▬▱ ▱▮■▱▬▱▱
▪▱ ▬▬▰▯▰■▯ ▪▯▪▰▱ ▱▪ ▬▰▪▪▱ ■▬▮▬ ▰▮▱ ▰■▪▯■▪▯ ■■▱ ▬▯▮ ▱▰ ▱▰▱▪ ▱▬▮▱▮■▬ ▱▮ ▮▱▯▬■▬ ▪▬▱▰▱ ▪▮▬■▮▪ ▬▯■▮▪ ▪▬▮ ▬■▯ ▬■▰▱▱▱ ▬▰ ▪▯■▮ ▰▱▱▯▯▪▪
■▬▪ ▱▰▯▯ ▬▱■ ▪▯▮▰▬▱ ▯▪ ▱■▰▯▱ ▪▱▯▱▯■▬ ▰▱■▪▱ ▰▱▬▱▪ ▱▪▰▪▬▪▮ ▰▰ ▰▰■▯▰■▱ ▬▰ ▪▱▱▪ ▪▰■▯ ▱▮▱ ▬▬▰▮■▬ ▬■▯▮ ▬▪▪ ▯▮ ▬▯▮▰ ▰▪▮▱▪▪ ■▬ ▬▪▬▬▬▬ ■■▪▱ ▱▪ ▱▬▪▱▰ ■■▪ ▬▬ ▪▪▬■▪▰▬ ▮▬■▱▯ ▮▮▮▯▮▪▰ ▯▮▪■▰▰▰ ■▮▱▯▮ ▯▪▪ ▱■▱▪▪ ▮■
▪▯ ▰▯■▮ ▪▮▯ ▮▬■▯ ▯▬▮▬▪▯▰ ▰▬▱▬▮▯ ▮▱▪▱▮ ▪▯▮ ▰▪▮▬▰ ▯▰▱▬▬ ▯■▱ ▬▪▰▯▮▯▬ ▯▰▬▮ ▮▮▰▮ ■▯ ▱▮▰▯▪▯ ▮▯▮▯▮▬ ▪▰ ▯▪ ▱▱■ ▮▯▰▬ ▪▰▮▬▬▮ ▬■▱▪ ▪▬▰▰▪▯ ▪▱▪▰▰■▬ ▰▪▬▱■▰ ▱▯▯▮▪ ▪▱ ▬▬▯▬▰▮ ▯▮▯▬▪ ▬▱▮■▪▪ ▬▪▪▱■▮▪ ■▯▱ ▯▰■▯▱ ■■▮ ▯▪▱▰ ■■▯▬▱■ ▰▯ ▱▰▯▱▱▮ ▬▬■ ▰▱▱▬▬ ▪▯▱▱▪▮▱ ▰▮▱▬▬ ▰▮▱■▯▪■ ▬▱ ▰▪▯ ▪▯▰▬▯▬
▰■▪▮▬▯▱ ▰▮▱▱▯ ▯▰ ▪▪■ ▮▯▱ ▰▰ ▮▪▬ ▯■▪▮▯ ■▮▱■■▱▯ ■▬■■▮▪ ▮▱ ▱▬■■▱ ▮▪▮▬▯▬▪ ▰▮■▪ ■▪■▰▱▪ ▱▬■▯▱▮ ▮▪▱▬▰ ▱▯ ▰■▪▪▮▱ ▮■▬▪▬ ▬■▰▪▯▬▪ ▱▰▱■ ▯■▪ ▮▱▱▮▰▬ ▬▯▯■■▮ ■▰ ■▱ ▯▪▬▱ ▮▯▬ ▱▱▰ ▬▱▬▪ ▬▰▰▮▮▮
▪▰▪▮▯▱▯ ▮▱▱▪■ ▰▬ ▬▪▯▬ ▱▬ ▯▯▪ ▯▬▮▱ ▪▯■ ▮▮▱ ▰▯▯▬▰ ▮▰▱▱▱▱▱ ▮▱▱▱▪▮▯ ■▪▯ ▱▯▯▪▯▮▮ ▱■▮ ▯▪▬▬ ■▰▪▪▬▬ ▬▬▰▪▰▪▮ ▮▮ ▪▯▯▯▬ ▪■▮▮▪■▰ ▱▮▮ ▪▬■■ ▬▮▰ ▪▪▪▬▱ ▮▬▪■▱ ▬▪▰▰ ▮▰■▪ ▮▪▮▪▱▰▮ ▮▱■▱▱▮ ▰▪▬▱ ▬▱▮▯▱▱ ▯▬▱▬▪ ▮■▯▬▪■ ▱▪▬▱▯ ▮▱▰ ■■▰▱▯▮▯ ▬▰ ▱▯▰▮▰▱ ▬▮▮■▱ ▪▯▰▪▱▰ ▬▮▮▪■ ▱▪▪■▱ ■■▯■▯▬ ▬▪▬▯▯▬ ▪▪■▪▬▪ ■▬■▱▪▰▬ ▰▯▪■▪■▮ ▪▪■■▯ ▱▬▪
▰▮▱■■ ▰▬▬▱▯▪ ▯▰■ ▮▱▰▰▱ ▱▰▪▬▰▪▯ ▪▪▱▯ ▱■▬ ▯▱▰■▬▮ ■▬▯▮▯ ▱▰■▱▬▬ ▯▰▪■▱▬▪ ▯▪ ▮▯▪▮▱ ▰▮▮■▯▪▯ ▬▰▰▮■▮■ ▮▮▯▪■▰▪ ▰▯▯ ▪▬▮■▱▪ ▱▬▱▯▮▮▬ ▬▰▰▮■▱ ▰▮▪▬■▮ ■▱ ▰▰▰▯ ▯■▪▮▯▮▮ ▱▬▮■▬ ▬▰▬■▪ ▯■▰ ▰▪▬▯▱ ■▬▯ ■■▰▬■▯ ▰▱▮▯▰▪ ▱■▱ ▰▪■▮▪ ▯▰
▱▱▬▪▮▰▪ ▪■▬ ▮▮▮▯ ■■▱▮■■ ▬▱▯ ▯▪▮▰▪▮▯ ■▰▯ ▯▰▬▮■▰▰ ▮▱ ▪▮▬■▯▯▯ ■▬ ▬▮▰▯▮■▮ ▪▬■▮▮▬▬ ▪▬▮■ ▬▬■■▮▰ ▰■▬ ▯▯▱▯▯▯▯ ■■▮▱▪■ ▯■▬▰▰ ▱▯■▮▪▰ ▰▬▰▰▪▪▯ ▰▰▬■▯▬ ▯▬▰ ▰■ ▰▯▪■ ▰▰■▮▯▰▱ ▮▪▱▬■▪▱ ▪▰▯▬■▬ ▬■▬■▬■▮ ▯▪■▬▯ ▯▱■▱ ▪▯▯▬▪▯▱ ▬▬ ▬▪▱▰ ■▪▪▱■ ▪▯▪ ▮▯▬ ▰▪▮▪▱▮■ ▬■ ▯▮ ▮▰▬▮ ▬▪▯▰ ▱▪▯▰▱▮ ▮▮▱■■▰ ▰▱▯▱ ▪▱▮▰▪▰ ▬▰▰▮ ▬▪▪ ▱▬▪ ■▬ ▰▬■▰▮▰▮ ▯▮▱ ■■■▯▱▮▯ ▰▮■ ▯▱ ▮▮▰▮▰■■ ■▮▱▬ ▮▪▰ ▪▯▱▯▱▮ ▬▱▮▪▮▰▱ ▬▱▬▬▮▪▬ ■▯▯ ▱▱■ ▮▪▬
▬▬▮▱▯▯▬ ▮■▮▯▯▱ ▪▰▬▬ ▯▮▰ ■▱ ▬▱■▱▬ ■▮▯▪▱ ▱▱▬▮▱▰ ▬▬■▯ ▰▪▱■▮ ▬▱▯▱▰▰▮ ▯■▱▯▮▱ ▰■▰ ▰▰▬▯▯ ▱▰■■ ■▬▬▮ ▯▱▯▱▯ ▮▪■▰ ■▬ ▱▬■▱▮ ▮▱▱■▪■▪ ▱■■▱▪▬ ▪■■▪▰ ▯▱▯■▯▯▱ ▪▮▪▱▬ ■▰▯■▪▮ ■▮▬ ▪▮▰▱▪▮ ▱▪▮ ▯▱▰▱▪▱▮ ▯▱▯▮▮▯ ▯■▰▱▬▪ ▱▮■■▰ ▬▯▮■▬■▰ ▪▰▯▪▮ ▯▬▰▱▱▯▬ ■▬▪▬ ▱▱▰▱ ▪▯▯ ▬▯■▮▯▮ ▱▮▪■▬▬ ▯▰▮▯ ▮▰▯■▯■ ▮▪▪▰ ▯▱▰▪▬▱ ▬▯▮▯ ▱▬▪ ■▱▰ ▰▱ ▪■▱▯▰▮▮ ▪▪▪ ■▰▪ ▮▮▬▰▬ ▱▬▯▯ ▱■▮▪▯▬▮ ▱▬▬▰▪■▪ ▰▯▰▰▮ ▮▬ ▬▬▬ ■▱▪▱▮▱ ▬▮▮ ▪▪
▯▪▪▪▯■ ▬▱▰▱ ▮▰ ▱▬▱▰▱▮▬ ■▱ ▱▪ ▯▪▯▮ ▱■▱▯▰▬ ▰▮▰▰▮ ■■▪■▬▪▪ ▬▱ ▱▮▰▬ ▰▪▬▯▰ ▱▮▪▱ ▱▪▪▪■▱▪ ▮▯▪▬▰▬▰ ▰▬ ▱▬▰▪▬▱■ ▱▰▯■▰ ▱▯▯▰▯▮▪ ▯▮■▰ ■■▪■▱▯▬ ▯▬ ▯▬▱▱▱ ■▮▪▬▬▱ ▱▪▬▰ ▱▬▪▪ ▯▱▯▬▬▮ ▱▮▬■▬▬■ ▪▮ ▮▰▱▮▬ ▯▬■▬▯ ■▪▱▪▰ ▪▯▱ ▪▮▬▰ ▬■▱▰ ▯▪▱ ▱▪▱▬▱▬ ▪▯ ▮■▬ ▪■▱ ▮▱▰ ▯▪▮ ▱■▰▪ ■▰▰▱▰▱▬ ▱▪▱■▮ ▯■ ▬▱▪ ▰■▬▰ ▯▯▯▬ ■▬▪▪▰ ▮■▮▬▰ ■▪■ ▰▯ ▱▪ ■▬ ▯▪▮▱▮▯ ▮▯▱▮▱ ▪▱▪▰ ■▰▯▪▯■■ ■■▬▯▰■
▬■▬▬ ▪▰▮▬▱ ▪■▬■ ▪▬▯■▯▰▮ ▰▰▯ ▮■▰■▪▯▰ ▱■▰ ▬▪▰ ▰▱ ■▬▯▬▬▪ ▪▱▱ ■▱▯▪▰ ▰▰▱■▬▱▮ ▬▯▱▯▰▰▬ ▰▰▰ ▪▮▬▬▰ ▬▬▱▰▬ ■▬▯▮ ▪▯▰▪▰ ▪▬ ▰▱▱■▯▪▮ ▮▰▱ ■■▪▰▪▮▮ ▪▮▪■▪▰ ▪■■ ▬▪▪■▱▪ ▯▱▯▰▱▬ ▯■■▬▮■ ▰▪▰▮▱ ▱▮▮ ▬▱■■▱▮ ▱▬ ▪▪■▮▪ ▱■ ■■▱▬▮▰■ ▯▯▰■▯▮▮ ▬▪▪▰ ▰▬▮▪▬▰ ▬■ ▮▱▯▮▮▬ ▮■▪■▪ ▰▬▰■▰▯ ▱▯▰ ▪■▪ ▯▪■▰▮▪▱ ▮▮■▯▱▪ ▯▬▯■■▬ ▯▮▯▮▬ ▪▮■▱▬
▪▮▰▮ ▯▯▬▪ ▰▪ ▱▯▰▮ ▯▰▮▮ ▮▰ ▱▰▰■■▱▬ ▰▪ ▱■ ▯▬▰▬ ▮▯▱▰▯ ▬■■▬■▯▬ ▪▰▰ ▱▮ ▬▬▬▮▪ ▯■■▪▯▰ ▪▬▬▪▪ ■▰▮▪▬▰■ ▱▱▮▮ ▰▰▰▰ ▯■▮▪ ▰▱▯▮▪▱■ ■■▬▬▯ ▬▮ ▬▰ ▱■▬▬▰▯
▱▰▱ ▮▬▰▰ ▬■▮▮▰▬ ▪▬▬■■▰ ■▮■▮ ■▱▮▱▰▯▪ ▯▪▪■ ▯▪▪▪ ▱▪▮▪■ ▪▬▱▮ ▪▬▪ ▬▱▱▰▮▬ ▬▪■ ■▮▪ ▪▰▪ ▮▬▯▯ ▪▯ ▰▱■▮▱▪▱ ▮▬▱ ▬▯▰▪▰ ▮▯■▬ ■▮▮▱▪▬ ▱▯▬■▰▱ ▪■ ▮▱■ ■■▯▱▮▮ ▰▰▬▮▰▰▱ ▯▮
▰▱▱ ▬▬▮▯▰▱▪ ▯▮▪▱■ ▬■▱ ■▯■ ■▪▮▪ ▱▰▪ ▪▱■▰▮▯▱ ■▪▮▰▰ ▬▬▮▱■ ■▯▰▪ ■▯ ▯■▬ ▮▰ ▰▱▰▱▪ ▯▪▬▪▪▰■ ▬▰■▯▮▯ ▰▱ ■▪▯▯▪▰▪ ▯▰ ▯▪▪ ▮▬▰ ▪▰■■ ■▪▰▰▬▮ ▰▬▪▱▯▮ ▱▬ ▮▱▮▰▰▮ ▪▪▬▰ ▮▯▰ ▮▮▪▰▮▰▯ ■▯▯▬ ▮▪▰ ▱▯■▱▬ ▰▬▬▯▱ ▪▯▰▰▰■▰ ▮▮■▬▮■ ▪▪ ■▱ ▬▯▯▮▯▱■ ▪▬▯▱▰ ▪▰▪▱ ▬■▪▮▬▮ ▱▱▪▮■▮▬ ▬▰■■ ▰▬▮▰ ▯▮▯■ ▮▪▱▬ ▬▰▯▬■▰ ▯▪ ▱▮ ▬▪▬▬▮ ▬▱▰▯▰ ▰▯▬ ▱▰▪ ▰▪▪▯▰▱■ ▰▪▱ ▰▬ ▰▱▯ ■▰ ▪■▬▯▰▪ ▮▱▮▮▰▯▬ ▰▬▯ ▱▮■▯ ▱▯■ ▯▯▪▰ ▮▰▮▯
▬▬■▰▰ ▬▯▮ ▬▬■■▬▰ ▯▮■▰▮ ▪▪▯▪■▯▬ ▬■▱▪ ▯▯▮▪▱ ▱▮ ▬▱▪▱▯▯▰ ▬▯■■▰▰▱ ▬▬▯▪■▪ ▪▰▬▪▯▮ ▬▯▯▪■ ▰▬▰▮▰▯▮ ▰▮▱▱▰▬ ▰▰▬ ▬▬▯▰▱▪▪ ▬■▪■ ▰▪ ▯▱▬ ▯▯▪▱▬▱▱ ▮▬▯ ▮▰▰▰ ▬▯▬ ▮▯▬▯ ▯▯■▰ ▪▱▯■▰▮ ▮▱ ▰▪▬▰▯▮ ▱▮ ▬▰ ▬▯ ▪▰■▯▬ ▰▰▬■▯▱ ▬▪ ▪▮ ▯▪▱▪▯ ■▮■▰▱▯ ▬▰▯▬▰▮▬ ▱▮▮ ▮■▱ ■▬▬▬■▪ ▬▬▮▯▪▬▬ ▰▱▬▮▰ ▰▬▰▱ ▪▯▪▱▱▬▬ ▰■▱■▪ ▮▮▱ ■▯▯▮▯ ▪▪▯ ■▪■▮▯ ▰■▰▯■■■ ▱▱ ■▪▬ ▰▯▮▯▮▮ ▮▮▮▰ ▬▱▮▬▮ ▱▯▰▬ ■▪▯▰▱▮▪
▰▬▬▱▱ ■▱▪▯ ▱■▪■▯▪■ ▪▬▬▱▪▪▮ ■▮▱▪ ▮■▬▬ ■■ ▰▱▬■▮▬ ▱▬ ▱▬▯▯ ▰▰■ ▯▬▬▮▯ ▱▬▮▪▯ ▱▪▮▮▪▬ ▬▯ ▱▱▯▪ ▮▰▯■ ■▱ ■▮▪▱ ▱▪▮ ▬▯ ▯▪▰▯▮▬▯ ▱■■▱▬■▰ ▯▰ ■▯▱▰ ■▪▯■ ▱▮▰▮▰▯ ▪■▪▬■▪ ▬▬■▬ ▯▪■▬▯▯ ▰▰▮▬■▰▮ ▱▰▮▮▯▮ ▬▬▮▮▪▰▮ ■▮▪▰▪▪ ▱▱▬▪ ■▪▯▰▮▬▪ ▯▮▯▰▪ ▬▯▰ ▮▰▱▰▮ ▪▬▱■▱▬▱ ▮▱▬■ ▪▪▯▬▬▪ ■▯ ▰▮ ▯▪▱▬■ ▬▮▪▰■ ▪■▪■■▮▰ ▬▰▪ ▬▬▱■▱▮▪ ▪▬▮▮▰ ▯▱▬ ▬▱▮ ▯■▪ ■▮▱▪▯▪ ■▬▬▪▮■▬ ▮■■ ▯▪■▮■■▪ ▬■■ ▮▱▰▰▪ ▯▬▯▬▱■
▬▰ ▱▬▬■ ▪▮▯▮▬ ▮■■▰▪▬▰ ▪▰▬ ▪■ ▮▰▮▪ ▱▮■▱■▬■ ▬▯ ▮▪ ▪■▯▰ ■▰▬▪▮ ▬▮■▱▱▱ ▮▮■▮ ▯▬▰ ▮▬▮ ▮▯▬▮ ▰▰ ▪▱■▱ ▪▮ ▮▪▰▪▯▱▰ ■▰▰▬▬▮▬ ▬▬ ■▱▰▰ ▮■▪▱ ▰▯▱ ▱▪▰▬ ■▪▱▰■■ ■▯■
▮▰▱ ▪▬ ▯▱ ▮▱ ■■▬ ▬▮▬▮▪▱▱ ▱▰ ▰▰▪ ▪▮ ▮▬▱■▬▯▬ ▪▯▬■▯■▱ ▮▱▯▪ ▮▮▪▰ ▬▮▬▬▪▰ ▮▮▯▯▱ ▱▬▯▱▬▬▪ ▮▰▮ ▮▮▮▮ ▪▪▪■▪ ▬▰■▮▬■▱ ▪■▪■ ▮■▬▬ ▪▪▱▮▰ ▮▪▱▰■ ▯▯▰▯▬ ▱▰▮▬■▱▱ ▯▪▯▱▯▯▬ ▬▬▰■▪■ ▬▪▯▪ ▪▬▯▯▱▰ ▯▬ ▯▰▮▮ ▪▯■▯▮ ▮▬▰▱▰ ▮■▬▯▰▰▯ ▪■ ▮▪▰▯▯ ▬▯▮▱▯▰▰ ▬▮ ▯▪▱■ ▪▱▰▯ ▬▮▰▱▬▯ ▯▯▰▯▪ ▰▱■ ▱▰▬▰▰ ▰▮▰▮▮ ▬▱ ▰▪▮ ■▪▮▯▰▱▮ ▬▱▯▮▮▯ ▬▪▱▪▰ ▮▱▱ ▰■▬ ▬▱ ▪▮▱▱▬▬▱ ▱▰ ▯▰ ▬▪▬■▰▬ ▰▬▱▮ ▰▯▰▮▬▱ ■▯▪▬▬
▬▬■▪▯ ▬▪▰ ▯▰ ▪▰■▮▪▪▯ ▯▬▱▱ ▪▪▯▬■▪▪ ▰▰■▱▰■ ▮▪ ▮▪▯▱ ■▮ ■▬▰■ ▬▯ ▯▱ ■▮▬■▰▯ ▪▰ ▪▪▮■ ▱▬▰▱ ▰▱▮▰ ▬■▱▪ ▯▮▰
6/7 中缝
公告专栏
▱▯■■▰ ▰▱ ▬▬■▬ ▰▱▪▰▰ ▯▪▮ ▯▪▬▮▰▱ ▯■▪ ▱▰▱ ▬▪■ ▬▪▯■▰ ▮▪ ■■▮ ▯▮▰▮ ▮▱▯▪ ▰▪▪▪ ■▪▰■▬▪▰ ▯▯ ▬▱▮▱▪ ▯▱ ■▬▪▯▱▯▮ ▮▬▮ ▮▪ ▬▰▮▬▯■▱
▮▰▪ ▱▮■■ ▱▮▱▮▯▰ ■▯ ▪▱▪ ▱▮▰ ▮■▬ ▰▬▬■▱ ▮▮▱▮▬▰▬ ▱▯▯▯▰▱▬ ▪▯▰■▯▯▮ ▱▬ ▪▰▮ ▬▬▰▮■ ▮▬▰▰▬▮▰ ▮▱▬▬▰ ▮▯▯ ▰▰ ▰▬▱■▯▰ ■■ ■■ ▱■■▬▯ ▮▪▬▰■■ ▰▬▰▯▮▬ ▪▯
▬▮▮▰▪▱ ▬▬▮■ ▮▱▬▱ ▮▪▯ ▯▬▰▰▰ ■▬▪▯ ▬▪▱▬■ ▮▮▪▮▪■ ▮▯▱▯ ▪▬▮▱ ▯▮▬▪■▯ ▬▱▱▮ ▱■▬■▯ ▯▪▱ ▯▰▯■▪■■ ▮▱▪▮■ ▬■▯▯■▱ ▰▮■▮▬▱ ▪▰▮▪▪ ■▬▮■▰ ▯▱▰■ ▪▱■ ▯▰▪▮▱▰ ▰▱ ▰■▯▮▯ ▪■▱▬▰ ▬■▱▯▬▯▯ ▪▯■ ▬▪■ ■■▰▪▰▮▰ ▬▬▰▰▮ ▬▬▪▪▮▬ ▪▮ ■▬▱ ■▰▰▪ ▬▪▯ ▬▬▪▪▰▬ ▮▬ ▰▱▯■ ▪▰▰ ▮■▰▬ ▰▱▪▯ ▱▱▰■■ ▱▬▮▱▪▰▮ ▬■▰ ■■▮▰
▱▪ ▯▯▪▬ ▯▰▰■▱▪ ▮▮ ▰▱ ▪■▮▬ ▰▬ ▯▰▪▯■■ ▯▯▪▰▪▯■ ▱▱▯▪ ▪■▯▯▰ ▪▱▪▮ ▰▯▱▬▮▯ ■▬▱ ▮■ ▯▯▮▱▬▱ ▯▪▱▰▱▯▬ ▪▯■■ ▮▰▱▱▰▱▰ ▬▯▰ ▯▰■▮▯ ▬▰▬ ▮▪▬▮▰▪▱ ▱▪▮▰■▬ ▮▰▰ ▪▰▮ ▰▱ ▱▯▰▱▬▬ ▪■▯▰▪▪▮ ▪▰▰■ ■■▮▬▯▱▬ ▬▪▮▮ ▯▯▰▱▪ ■▯▪ ▬▬■ ■▰▬▯▱▬ ▰▬▪▱▰ ▰▱ ▮▪▱▱ ▯■ ▬▯ ▪▰▰▰ ▪▬ ▮▮ ▰▯▪▯■▪▮ ▮▯ ▮▮▬▮ ▪▱▬▮▪▪ ▱▬▱▪▮ ▰▰■▰▰▯▰ ▪▪▯■▬▪▯ ▪▮▱▱▰▱ ▪▯▬▱■▱ ▰▱▬▬▰ ▱▱▮▪▰▮▬ ▮▰▪▰▪▯ ▰▬▪▱▱▱▪ ▰▱▱■▮ ■▮▪▬
▬▱▰▮▪▬▱ ▪▮▪▮ ▯▯▰ ▪▮▯▯ ■■■▱▪▰ ▮▬▰■■▮ ▮▮▬■▱ ■▬▬■▪▬ ▰▬▬▯ ▮■▱▬▯▪ ▯▪ ▮▪▪ ▯▮▯▱▮▯ ▮▬▰▱ ■▬▰▱■▯▰ ▮▱▪▪▱ ▰■▯▱ ▬■▯▰▬▱▮ ▱▱▯▬ ▬▬▬■ ▬▪▪▮■ ▮▪▰▯▱▯▬ ▮■■■■▪ ■▯▰▬▰▯
▰■■ ▮▱▯▱■▪ ▪▯■▮▬ ▬▱▰▪▰ ▯■▯■▮■▯ ▯▱■ ▬■ ▮▯▬▬ ▪▰▰▬ ▱▪▬▯▬▬▱ ▮▮▯■▯▯▮ ▯▪▮▰▰■▮ ▰▮▮ ▰▯▱ ■■ ▮■■▱▮▯ ▯▰ ■▱■■ ▯■▰▮ ▮▪▰▰ ▬■▪▯▱▮■ ■▱▰▮▰▯ ▱▰▮ ▬▱▪▱▰▱▱ ▰▰▮■ ▪▪▯■▮▮▯ ▰▱▰■▰
▬▪▱▪▪ ▯▱▮■ ▮■▯■▱▪▬ ▪▱ ▪■ ▬▮ ▪▪▪▪▱ ▰■ ▪▰▰■▰▬ ▬■▮▰■▱ ■▬▯▮▪▯ ▱▬▯▱ ▬▯ ■▬▯■ ■▱▱▬■▯ ▰■▰▮▯▰ ▰▪▱■▮▬ ■▮▪▪▱■ ▰▮▪▮ ▰▰▬ ▰▬▯▱▰▮▱ ▱▰ ▮▪▮▬ ▮■■▱ ▬▬ ▰▱▮▰▪▯ ▯▰■▮▪▪ ▮▯▯▱ ▯▰▯▱▰ ▰▪▯ ▬▬▱▰▰ ▱▬ ■▮▮▰ ▰▬■▮▬ ▪■▱▪ ■■▬▪■▰▱ ▯▮▬▪▬▬ ▱▬▰ ▯▮▱▮▯ ▮▯ ■■▪▯▪▰ ▯■■▮ ▱▬▪▬ ▱▰▰▱▯▪ ▬▬▮▮▮ ▪■▪▱▯■▬
▯▪▬▬▱ ▰▬▬▬▯▪ ▮■▰■▪ ▱■■▮■ ■▯▮▪■■▪ ▪▯ ▬▯▯▰▱▪ ▰▰ ▯▱▮▱▱ ■▪■▬▪ ▬▬■▮ ▮■▯▱▮▯▱ ▮▰▱▯ ▯▬ ▱■ ▬▬▪ ▬■ ▰▬▬▱▮ ▪▱▮■■▮▰ ▮■■▰ ▰▰ ▱■■ ▰▱▰▯▬▮ ▮■▱■▪■ ▪■▰▮ ▰▬ ▯▮■■■ ■▯▬▮▮■▮ ▬▮ ▯▱▬▪▬▱▰ ▰▮ ▯▱■▯ ■▬▮▪ ▬▯▯ ▱▱▯▬▯ ▮■▮▯▰▪ ■▬▱▬ ▯■▯▪ ▮▱▮▮▪ ▱▬ ▬▱▱■▬■ ■▮■▪ ▬▯▪▮▬▬ ■▬ ■▱▬▯▬ ▮■■▱▬■
▱▱▰■▮▰■ ■▪▯ ▰■ ▮■▪▯ ▪▮▱▮▯▰▰ ▰▪▮▪▬ ▰▯▪▯▮▱▬ ▪▪▪ ▰▪▱▬▪▪▬ ▰▬▯■▯▰▰ ▰■▯■▮ ■▬▱ ▪▱ ▪▰▪▪▰▪ ▮▰▰ ▯▮▬ ▮▮▯ ▱▯▮■ ▪▪▮■ ▬▮ ▪▰▱▯▬▱ ▰■▯▪▱▪▬ ▰▮■■▱▬ ▪▱▪▱ ▰■ ▰▮▬▬ ▬▱■ ▪■▰▬▱ ▱▱ ▪▮▱▯■▮▰ ▰▱ ▮▮▱▱▱▯▬
▮▱▰▮ ▱▱▮▮ ▮▰▯ ▬▰▱▬▱▪ ▮■▰▱ ■▰▬▯▬▯▰ ■■▪▪▱▬▮ ▱▬▯▬▪ ▱▬▬■ ▰▬▬ ▪■▪▰ ■▰▱■▬▱ ▪▪▮▮▪▯ ▬▱▯▱▬■▮ ▰▮■▪▪ ▯■ ▮▯▬▬▪▯▬ ■▪ ▪■■▮▯▱▪ ▰▰ ▪▰▯▯▮▮▬ ▱▱▰▮ ▬▮▱▪▮ ▱▯■ ▯▯▮▯▯■ ▪▬▱ ▮▱▪▱▯▬■ ▱▬▬▪▬■ ▪▪▱▯▬■ ▯▯▪▰■▬ ▰▮▯▪■▮▰ ▯▰▯▮▰▪ ■■▮▪▮ ▮▱▯ ▰▰▮▬ ▰▪▮ ▰▰ ▮▰▰▯▯ ▯▱■ ▱▰ ▪▱▮ ▱▬▪ ▪▯ ▮▱▮▯▯▰ ▱▰■▬■■▮ ▰▮ ▪▱▱ ■▮
▮▮▯▪▰ ▪▪▬▰▱▰ ▮▮▬ ■▪▱▯ ▮▰▪ ■■▮▮▮ ▱▱▱▮▰▪▯ ■▱■ ▯▬■▪▰■ ▮▮▰ ▬▯▪ ▱▰■▪ ▮▱▰▬▬ ▰■ ▮▬▱▰▰ ■▯▯▰ ▰▬▮▮ ▪▱ ▪▯■▯■ ■▯ ▱▰ ▮▰▬▬ ▯▰ ▬▬▯ ▬▯ ▪▯▬ ■▮▬▬ ▬▰▮▱ ▱▮ ▬▮▬■ ▪▯▪ ▪▱▬▮ ▮▰▯▪▬ ■▱■▪▯■ ▱▬▯ ■▰▮▰ ▬▰▯▮▰▪▮ ▪▯▯▱▬▮▱ ▰▮ ▱■■ ■▬▮■ ▱▪■ ■▯▯■▱▰ ▯▱▱■■ ▯■▬▰▱■ ▬▮ ▯▱■▬▯ ▯▬■■▬▮ ■▬ ▰▪ ■▬▯▬▬ ▱▬ ▬■ ▱▯▰ ▰▪ ▯▱▱
▮▯■▪ ▪▯▱▬ ▪▰▬ ▪▬▪▯▰▰ ■▰■▬▱▰▬ ▬▬▱▪▰ ▱▪▰▯▰ ▱■ ▪▬ ▰▬▱▪▪▰ ▬▰▪▬▬▯▮ ▮▬▱▪▪▰▪ ▱▱▮▯ ▱▮▪▱▰▯▪ ▮▱ ■▮▱▱▯ ▬▬▮▰ ▯▰▱■ ▮▬▰▯▱▰ ▪▰▰▮▬ ▪▱▯■▰ ■▮ ▰▮▮▰■ ▬▰ ▱▰▪▰▰▯▯ ▮▯ ▪▬ ▪▪■ ▬▰▰▯▰■■ ▬▬▰▱▰▮ ▰▪▱▱ ▪▬▯▬▮ ■■ ▯▪▮ ▮▬▱▪ ▮▱▮ ▱▮▰▯▯▪ ▮▬■▮▰ ▱▰▬▪▰ ▰▬ ■▯ ▮▪▮▮▯▯ ■▰▰▱ ▱▰▮ ■▱▬ ▱▬ ▰▱■ ▬▱▬ ▪▰ ▬▱■▰ ▪▱ ▪■▮▰▱▬■ ■▮▯▱▰ ▬▱▮▰ ■▯■▯▬ ▰▪▯▰▰▬▱ ▮▱▯▰ ▰▬▮■▰▱▬
▯▰▮▮■▪ ▱▯▰▯ ▱▯ ▬▬ ▬▪▰▮▯▮ ▱▬ ▰▰▮▬■▪ ▯▱ ■▬■▰▰ ▱▮▰▪▪▱▱ ▰▮ ▰▬▪▬▰ ▰▮▬ ▯▯▮▰▰▬ ■▱▮ ▮▱▯▯▱▱▯ ■▱▮▬▱▱▬ ▮▮ ▰■▬▪▮▬ ▬▪▪ ▬▬▯■▮■▰ ▬▱▮■■▬ ▮▰▮▯▱ ▱▬▮▰▮▮▮ ▮▰▮▰▯▪ ▱▬■▰■▱▯ ▯■▰ ▪▮▱▰▯▪■ ■▮▰▪▮ ▯▬▰■▰▮ ▰▱▬▪▰■▪ ▬▪▬▯ ▰▬■▪▰▰ ▮▪▱ ▰■▮▰▰▮▱ ▬▬■▯▯ ▯■■▰ ▮▮▬ ▪■ ▬▯▯▬ ▬▯▱■ ▯▱▮▱▮ ■■▬▯▪■■ ▮▰▱▪ ▪▬▬▯▯■▯
▰▯▯▬▬▬ ▰▪▬▪▯▰ ▱▪ ▯▪▪▪▪■▱ ▪▬▮▱ ▰▮▰▯▯▮▮ ▯▱▰▮■ ▮▮▮▱▰ ▮■▪▬▰▱■ ▬▱▯▱▮ ■■▯▪■ ▰■▱ ▬■ ▪■■▬▬▮ ▬▬ ▮▪▯■▬ ▯▪▮▮ ▪▪▱ ■▮■▮▮▪■ ▯■▮▯ ▬▱▱▪▰▯ ▮▯▰▯▱ ▯▬▰▰ ▪▯ ▬▮▪▮▰ ▱■▰▬▮ ▱▰▪▪▪ ▮■ ▬■▬■▬▯
▰▱▰▪ ▯▮▮▯■■▪ ■▮ ▱▪▰ ▯▪▯■▱▮▪ ▰▪▰ ▯▰ ▱▰▱▬■ ▮▪▬ ▮▬▪▬▱ ▬▪▮▰▯■ ▱▯▮▪▱▯▱ ▱▯ ▰▯■▮▬ ▯▬▰▯▱ ▯▬ ▬▬▮■■▮▪ ■▬ ▱▯▮▪▯▰ ▰▱▬▬▬ ▱▯▮▱■▱ ■▬▮■▪ ▬■ ▯■▮■▱ ▪▰▮▮ ▪▪▰ ▱▯▯
■▮▪ ▬▯▪▱▪▱ ▪▬▪▪ ▱▬▬▱▬ ▮▬ ▪■▯▬▯▬▮ ▮▱▬▰■ ▬▮■▯ ▰■▬▱ ▯▱▬ ▬▱▪▮▮▬ ▪▮▬▮▪ ■▰ ▪▯▪ ▬▬ ■■▯▮ ▱▱▬▱▰▮▰ ▱▪▬▪ ▱▮▱▮ ▪▯▬▮ ▯▬■▯▪▪ ▬▮▱▬▬▱▬ ▬▪▮ ▱▯▪■■ ▪■■▮▪ ▮▰▪ ▬▯▬▪▰▱ ▪▱▮▬▯▱ ▮▪▱■ ▮▯▯▪▯▬▰ ▱▬▯▮▮ ▯▯▮▯▪ ▱▯▬▱▪■▪ ▯■▯▬ ▬▰■▱■▪▱ ▮▮▯▮▪▮▮ ▪■▱▱▮ ▪▬■▬▱ ▱▯■▬▱▮ ▪▬■▱■▪▬ ▰▪▱ ▯▰■ ▬▮▪ ■▪▯■▬▪ ▮■ ▯▮▯▬■ ▪■ ▬▱▱▬■▬▯ ▯▮ ▪▮ ▮■▪▰▬▪ ▪▱▮▯▱▰ ▯▯▮ ▰▰▬ ▮▮▬▱▰ ▯▰▯■■ ▮▰ ▮▮ ▬▮▱ ▮▯▮▯▯ ▬▬▬▪▬■
▪▯▮▪■▮▬ ▬▪▯ ▪▮▮▯▬ ▱▮▱▯ ▬■▰■▯ ▯▱▯▮■■ ▯▬▪■■■▰ ▰■▰▰ ▰▬▮▰▪ ▪▮▬ ▰▬▰▬ ▰▯■▱ ▯▮▮ ▱▯▯▯▬▰ ▰▯ ▯▮▱■▱■ ▪▮▰▰▰ ▪▬▪▰▮▬ ▰▰■▮▰▮■ ▱▱▪▮▮▮ ▬■▪▯▬■ ▰▰▮▯▱▱▮ ▯▰▰▱▰▬ ▱▱▪▯ ▱▮▰▱▰▱▯ ▯▮▪▮▱▬▰ ▮■▪▪ ▰▱▱▯▱▮ ▰▮ ▰▯▮▬■ ▱▬▮■ ▮▱▪▮■▮■ ▬▯ ■▮ ■▪▱▱▪ ▰▰▬▬▮▪ ▮▯▱▮■▯▰ ▯▱▯▬■▯▪ ▬▮▮■▯▮ ▪▬▰▮ ▬▱▪▰
▬▱▪▮▬▬▰ ▰▮■▱■ ▪▰▮ ▬▪ ▱▱▪■▱▪■ ▬▮▯▪▰■ ▪▮▯ ▮▱▪ ▮▯▪ ■▰▪▯▮▪ ▰■▬▱▮▬▬ ▪▮■▮▱ ▮▱ ▯▰ ▮▪■▬▮ ▯▱▪▰▱▰ ▪▱ ▱▱▮ ▮▪▮▰ ■▪▱▱▬▰▬ ▰▰▬▮▯ ■▬▯▪▪▪■ ▱▬▮▪▪▯▮ ▰■▰ ▮▬▬ ▪▯▮ ▮▰▯▮▯■ ▬▮▱▬▬▬ ▪▬ ▪▮▬▱▪▯▰ ▮■▯■▬▪ ■■▪▮▬▰ ▰▯ ▮▮▯▪ ▬■▮▱▯ ▯▪■▪ ▮▱▬ ■▯▪■ ■▯■▯▰▱ ▪▰▬ ■▬▬ ▯▱ ▯▪▮▰ ▮▬▪■■▯▯ ▯▮ ▮■■▰▰▰▰ ▮■ ▯▱■▰ ▯▪■▮▬▪ ▯▰▮▮▰▯▪ ▮▮ ▰▬▯▱▯▯■ ▮▱▬▮ ▰▪▱▱▱▱ ▱▪▰▱▪ ▪▪▪ ▰■▪ ▬▰ ▮▬▮▱▪■▱ ▬▱▯▯▬▪▬ ▯▰▮▮▯▱ ■▮▬▮ ▪▮▯■▮ ▬▯
▯▰▬▰▱▱ ■▮▬▰▰ ▬■▮■ ▯▯▬▮▬▪ ▯▰■▰▮ ▬▯■▰ ▮▮▪▪▯▮ ▱■▯▰ ▪▮ ▯▬ ▬■■▰▱▰ ▬■■ ▯■▬▯▪ ▮■▯▰▪■▱ ▮▪▯▮■▯▪ ▯▬▪▰▪▮▯ ▱▮▯ ▱▪ ▪■▪▱ ▱▬▯■▱▪ ■▰▱▪▰▯▰ ▬▪■▮▰▱ ▪■▰▮ ▰▬▬▰▪▬ ▬▪▱▪ ▱▪▱ ▱▯▮▮▰ ▯▱▮▮▬▬▮ ▪▬▯▬ ▮■▮ ▱▰▬ ▮▬▰▰ ▮▬▬▱▬ ▯▮▮ ■▰▪▬▪▱▱ ▯▪▱▮▮ ■▬▰▰■■▱
■■ ▯■▬▱ ▬▬▪▱▮ ▪▯ ▱▪■▬▯▰▰ ▮▱▯ ▱▪■▬▪▯▯ ▱■▮ ■▯▬▪ ▮▱▰▱▬▰▪ ■▰▰ ▱▬▰ ▯■▱ ▬▯▬▪▯▰ ▮▬■▬▮▱▱ ■▬▯▰▬▪ ■▪▯■ ▯▰▯▱▮▱ ▰▬■▱■▰▮ ▬▯▪▪■ ▱■■▱■ ▬▮▰▱▯▰▱ ▯▰▬ ▰▮■▯▪ ▮▱▬▱ ▱▬▯▱■▮▬ ▱▱▬▬▱ ▪▱■▱■ ▱■▮▮■▬
▱▬▬▯▮▬ ▱■■■■▯▮ ▱▬▮▮▬▯ ▯▯▰▱■ ▬■▰▬ ▮▮■▱ ▱▮▰ ▮▯▱▮▬■▱ ▰▱▯ ▬▱▱▪▰▪ ▮▯▯ ▱▰▱▪ ▮▪▯▯ ▱▰ ▰■▬ ▪▯▰▮▯ ▬▮▰▬■▮ ▬▪▯▱▮ ▬▮ ▰▱ ▱▱▰ ■▬▬▯▪▮▬ ▱▪▯▱■▱ ▱▪ ▮■▪■▯▱ ▮▮ ▱■■▮▪▱▯ ▰▯▱▬ ▬▯■▱▮▪■ ■▬
■■■▯▮▪▯ ▮▪▱ ▱▱▮▬ ■▯▬▮▬ ▬▰▰▱▮ ▯▰▯▱ ▪▪■ ▱▰▮▮ ▪▪▯▯▯▮▬ ■▰▪ ▬▪▪▮ ▱▮▮▰ ▯▪■▬▰▬▪ ▬▬▯▬▬▰ ▯▰■▮▰▯ ▬▰■▱▪ ▱■▪▯ ▯▯■▬▬■▯ ▪▰■▱▮■▰ ▮▱▯▮■■▯ ▮▮▮▮ ▯▬ ▬▯▪ ▯▪▱▰■▰▬ ▯■■▪▪▬▰ ▰▱▬ ▰▪▬▱▪▪▰ ■▰■▪▪ ▬▯▪▮▮▰ ■▱▬▰ ▰▪ ■▯■▰▮▰ ▪■ ■▮▮▰▮ ▮▬▱▱▮ ■▬ ▯▮▮■ ▯▯ ▪▰▰▯■▯ ▯▰▰▪ ▮▱▮▯▮ ▰■▪▪■▱▮ ▪■▯ ▪▰▱▮■■ ■▯▰ ▱▯ ▯▪▱▱■ ▪▬▰■ ■▰▪■▱ ▱▰▬■▰▯ ▮■ ■▱■ ▯▱ ▯▪▱▬▪▰▪ ▮▯▰▱■ ■▱▯▯▮▬■ ▬▮▰
▪■▯▪▯ ■▬ ▪▬■■ ▪▪▮ ▰▬▬▪▬ ▪▱ ▱▬ ▱▪▱▮▰▮■ ▱▪▱▱▪ ▰▮▪▰ ■▮▰■▪ ▯▮■▮ ▪▰▪■■▮ ▰▱▱ ▱▯ ▱▱▱▬■▪ ▮▰■▯▬ ▱▪▮ ▯▬▯▬▱▱ ▱▱▮▯ ▱▯ ▪■▱▮▯▬▮ ▮▯▪▪ ▪▮ ▰▱■▮
▰▰▰ ▪▯▬▬▮▯▯ ▱▰▰▱▰■ ▬▰▪▰▯▮▮ ▱▱■■▮▮▪ ▯▱▯▱▮ ▯▮▮ ▪▱▬ ■▪ ▬▪▱▱ ▯▮▮▬▬▮ ▱▮▱ ▯▮▱▯▰▪ ▰▰▪▪▪ ▬▱▮▯▪▪ ▮▱▮▬▬ ■▱▱■▰▬ ▮▬▯▮▮■ ▪▬■ ▪▮▯▰▰▪ ▬■▱▰▮ ▮▰▬▯ ▪▱▪▬▯ ▪▪ ▪■▪▰▯ ▪▪▬▪ ▰▱▮▰ ▱■▬▪▱▱ ▰■▯■■ ■▬▪▮▬▯ ▮▪▮■ ▪▰■▯▰ ▮▯▱■▰▪▰ ▪■▪▮ ▬▬▪▮ ▰▱ ▮■▯■ ■▮▪▪ ▱▮▯■▪ ■▱▱▬■▪▪ ▱■▱▰▬▯▱ ▪▱▪▬▪▮ ▪▱▯▪ ▮▰▰▯▪■▪ ▪▯▮▯▯▪▯ ▮▯■ ■▮▬▮■▱ ▱▯▯ ■▪▰▮▪▮ ▬▬▮▰▰ ■■▰▮▰▱ ▪▯▰▱▬ ▪▮▱▮ ▰▪▯▬ ▯■▯▮▬▪ ▮▰ ■■▪▮ ▯■ ▪▬▱▮▯ ▯▮▮▪ ▮▰ ■▬ ▮▰▯■▪■
▬▱■ ▱▪ ▱▪▬▪▪ ▪▱▪▮▯▪ ▰▱▬▯ ▯▰ ▰▯▱▬▯▬▮ ▱▰▬▰▮▱▮ ▬▬▬ ▱▪■▮▬▪▮ ▰▮ ▪▰▱▱▯▱ ▰▪▯ ■▮■▪ ■▰▬ ▬▪▱▪▬▯▱ ▬▰▯▮▬▯▯ ▮■▰▯■▯ ▬▯▪▪ ▯▱▬▱ ▰▮ ■▰ ▰▬■ ▮▱▱ ▪▪■▮▯ ▱▬▱▪ ▪▯▰▯▮▬▬ ■▪▰▬ ▰▮■ ■■ ▬▯ ▰▪ ▱▪▱■▱ ▮■▱▱▰ ▯▯▯■▱ ▮■■▯▯ ▮▱▰ ▬▰▱▮▱▪▮ ▪▱■■▪ ▮▰▮▯▱■▪ ▬▬■ ▯▯■▮ ▮▬▮■▬▮ ▬▱▮
▬■▬▱ ▪▱■▪▮■▰ ▬▯▯ ▰■▮▱ ■▮▪▯▰▱ ■▬▬■▰ ■▯▰ ▬▪▰▮▪ ▬■▬ ▪▯▰ ▬▪ ▱■▬▱▯▰▯ ▮▮■■▱ ▰▬▯■▪ ▬▱▰▪▱ ▰▮▰▰▪▮ ▮■■ ■▬▱▰▮ ▰■▮ ▬▮▪▱ ▬▱▰▬ ▱▰ ▬▰▪▬■▱ ▰▬▪▮▰ ▯▱▰▯▱▬ ▪▪▮▬▯▬ ■▯▯▰▱▮ ▬▱▬▯ ▱▱▰ ▱▱▰▰▬ ■▪▪■▱▬ ■▯▬■ ▪▪▬▰ ▯■▯▰▯▱■ ▱■ ▪▪▯▪▱ ▬▬■■▪ ▯▰▯ ▯▯▬▱▰ ▬▬▰
▬▯▯▬▮▪▬ ▰▮ ▱▪▯■▪ ▯▯▱■■ ▯▰ ▰▬■ ■▱ ▮▪▬▰▪▬ ▮▱▬▮▯ ▯■▱ ▬▯ ▱▱▬▮▪ ▪▰▯▮■▱▱ ▪▰▰▱▮ ▮▯▮▪▬■▰ ▰▪▰ ▪▪▰ ▱▱▮ ▱▮▮▪▯ ▬▮▮▰▪▮▰ ▬▯▬▮ ▯▮ ▯▮▱▯
■▯▮ ▯▮▪▬▪ ▬▮▬■▬▯ ▯▱▰▬▮▰ ▱▪ ▰▪▮■ ▰▯▪▱ ▱■▮▱▯ ▱▬▯▱▬ ▰■▮▮■▪ ▯▬■▪▪▮▪ ▯▪▬▱ ▪▱▪ ▰▪■▱▯▰ ■▪▪▱▰▪▮ ■▪▪▮▯▰▰ ▪▮▰▰▰▮▪ ▮▯▪ ▮▪ ▬▯▪▮▰▮▬ ■▮▪ ■▬■▰ ▪▰▬▬▰■■ ▮▮▯▪▬▯▬ ▱▮▬▪▱▮
▮▬▰ ▰▱■▱▪▮■ ▮▯▮▮■▬▱ ▱▪▱▰▰ ■■■ ▮▱▱ ■▬▪▰ ▮▱ ▮▮▰▯ ▯▮ ▬▪ ▬▮■■▯▰▱ ▯▬ ▱▰ ▪▯■ ▪▯■■▯▮ ▮▯▱▮ ▱■▪▰▯▮ ▰■▰▯▬▱▱ ▮▰▬▱▰ ▱▪ ▯▰▱ ▮▱▪▪▮ ▱■▱▬▱▱▰ ▪▯▰▪▬▮ ▬▪▪■ ▰▱▰▱▪ ▰▮▮ ■▱▯▮▱▬■ ▯▬▬▰▮▯▪ ▪▬▰ ▯▮▯▮ ▬▬ ■▮▰■▯ ▰▰▬▯▯▮■ ▱▯▱▱▮ ▱▪▰ ▪▪▰▱ ▬▯▯▯▰ ■▱▱■▬ ▱▯ ▪■▬▪ ▮▬▱■▪▬▮ ▮▪ ▱▯▮■ ▱▪▬ ▱▬ ▮▱▱ ▪▯▪▯▰ ▰▮ ■▮▱▯ ▰▪▰ ■▱▬▯ ▱▬■▯▯■▰ ■▰▮▯▪▱■ ▯▱▰▱ ▯▪▬▮■ ▱▰▪■▰▪ ▮▱▮▬ ▯▰▯▪■▮▰ ▰▯▮■▬▪▰ ▯▪ ■▰▰■ ▯▱ ▪■■■
▯▱▮▪▮ ▬▱▯▬▱▰▰ ▱▱▮▬■ ▮▱ ▱▰▰■■▰ ▪■ ▮■▱▮■ ▯▰▱▪▮ ▯▮▬▮ ▪■▮▮ ■▯▪▱▰▮ ▯▪ ▮▰▯ ▯▰■■■▮▯ ▯▯▯▰▯▰▯ ▰▬▱■▬▪▱ ▱▰▬ ■▱▱▬▯■ ▰▬▪▰▪▯▱ ▯▱▰ ▱▪▰▮■ ■▮▬▱▪▪▯ ▬▮▰▰ ▬▪▬▱▱▬▯ ■■▱ ▯▱ ▯■▰▮▮■▰ ▮▰▪▪▱▬ ▯▮▪▬▪ ▮▯▰▮▮ ▰■■▯▰ ▯■▮■▪▪▮ ▬▪▪▮▯▰ ▪■ ▮▬▰ ▪▰▬▱▱▰ ▮▮▮▰▰▬ ▪▰▱▪■ ■▰▬ ▬▪▪ ▮▬ ▯▱▱▱▯ ▰▰▯▯▯▰■ ▯▪▯▯▯▯■ ■▯■▬▮▱■ ▯▬ ▰▱ ▯▪▪▯▬ ▬▱▪ ▪▬ ▱▬▪ ▮▮▯ ▮▮ ▯▬▰▪▮▯ ▬▯▯▬▬▬ ■▪▯▪▯▯▬ ▮▰■ ▰▱▬■■ ▱▰▯ ▯▱▰■▮ ▮▱▱▪▬▰ ▮▯▬▯▱ ■▪▱▮▯ ■▱▬▪▬▪ ▪▰▮▪▮
▯▪▮▱ ▰▬ ▰▯ ▰▪▪▬▪ ▯▬■ ▱■▯ ▰▪■▯ ▮▱▬ ■▰▱▯■▱▱ ▪▮▮▬ ▯▯▮▬ ▱▰▮▪▯ ▰■■■▰▮▪ ▰■ ■▰▰ ▰■▯▮▰▰▮ ▯▱▪▰▮▱▮ ▯▪▪▯ ▪▪▮▱ ▰▯ ▰▱▯▰ ▬▮ ▱■▰▯▱ ■▯▪ ▯▪▬■ ■▯▰▪▯ ■▮▬ ▯▯▮▬▬▱▬ ▰▰▱▬■▯▪
▰▬▱▬■ ▬▬▬▪ ■▮▮▱▮▪ ▮■▬▪▯ ▰▬▯▰ ■▮▰▪▮▬ ▪▰▮▱▪ ■▬▰■ ▱▮■▬▮ ▮▰▪▯▮ ▬▪▪▱▬▪ ▬▪▮▮▯▪ ▰▯■ ■▬ ▱▯▱▮■▬▬ ▯▱▯ ▯▯ ▰▮▯▰ ▮▪▰▬▬■ ▯■▬▮ ▮▬▬▪▯▰■ ▬▪▪▰▬▪ ▯▬▬ ▱▬▰▬▯ ▪▱■▱ ■▯▬▰ ▮▯▬■▪■▯ ▯▬▰▮▰▯ ▮▰ ▯▯▯▰▯ ▬■■▰▮■ ▪▬▮ ▪▰▮▱▮▰ ■▪▪ ■▯▯▯▮▬▯ ▰▪▪■■ ▯▬▮▪▮ ▱■▯▪▮■▯ ▬▮■▱▪▬▮ ▱▬■ ▰▱▪▬ ▯▬▱▪ ▯▪▮ ▪▮▪ ▰▯▰▮▪ ▪▪ ▮■ ▮▪ ▯▪▰▯ ▬▯▰ ■▬▱▮▬ ▪■▯▰■▰ ▯▰▯▬ ▱▮▯▮▮▮■ ▰▰▱▰▪■▪ ▱▪▯▯▬ ▯■▯▯ ▯▯▯▰▮▮ ▪▮▪▮▱ ▯▯▬ ▯▮▬ ▬▯▯▬▯ ▰▬▮■▯
▯▮▪▱▪▰ ▰■▰▯▪▪▱ ▮▬▪▪▪▱ ▱▪▱▱ ▱▮▮▱▬ ▬▯▮▮ ▮▱▮▮▱▰▪ ▬▰ ▯▱■▰▰ ▬▱▪▱▰▰ ▯■▪■■▰ ▯▱▱ ▱▬▮▬▱▯▮ ▱▱ ▯▱ ▪▱■■▬▯ ▯▱▬▪▬▰ ▪▱▱▱ ▰■■▯▱ ▱▱■▰▮▮
▬▰ ■▯ ■▱■▰■▰▯ ▯■▮▱ ▯▪▬▬▰ ■■▯■▯▪▱ ▯▰▰▯▮▪ ■▮▯■■ ■▬▯▪▯ ■▮ ■▪▯▯▪▬ ■▬ ▱▱▮▮▮▬■ ▰■▯▪▰ ■▰▱▰▮▪▰ ▱▮▯ ▪▰▯▯▬ ▰▮▯▮ ▬▱■■▮■▬ ▮▮▱▯▱▯ ■■▬
▯▪▬▬■■■ ▪■▬ ▰▮▯ ▬▱▪▬▬▯ ▬▮▱▬▬▮ ▪▱▪▱▬▰ ▬■▱▪▮ ▯▮▮▰▬▯■ ■■▮■▪ ▱▰▯▬■▮ ▱▰▱▬▱ ▱▪ ■▬▱ ▯▯ ▬▮▱■▪ ■■▮▱ ▰▱▱▬▮ ▱▪▮▰▪▬ ▪▱■▮ ▬▬▰▯▬ ▪▱▬▯▮▮▬ ▰▯▱ ▱▰▯▰▪▱ ▯■▮▮ ▪▪▮■ ▯▮■ ▰▰▰ ▪▰■▮▬ ▪■▬▯▮▰▪ ▰▮▯▯▰▬▰ ▪▯▱▯ ▰▬▪▬▬ ▱▮▮■▰ ▪▱▪ ▪▰▱■▬▬ ▮▬■▮▮▪▯ ▮▯▬▮▰▱▯ ▬▪▪▰▰ ▰▮■
■▱ ▰▱▪▯▪▮▰ ▪▱ ▰▬▪▯▮▬■ ▰▯▯▱▯▬ ▯▮▱ ▮▯■▰▰▪▯ ■▮▯▰▰ ■■▱ ▯■ ▱■▪▬ ▬▬▬▰ ▬▪▮ ■▯▮▯■▬▪ ▱▮■▰▰▮▪ ▱▰▱▯ ▰■▮▪▮▮ ▯▪▯▰■ ▪▮▰▮▰ ▱▮▱■▱▯ ▯▬▱ ▯▬▪▮▪▱▰ ▮▯▮▬▯▰ ■▱▯▮▮▰▪ ▱▯▮▬▬▰▯ ■■▰▱▪ ▮▪▰▮ ▮▪▪▱■▱ ▮▪▪ ▯■▮▯▬■ ▪▰▱▬▪ ■▯ ▯▯■ ▬■▰▮▬▱ ▯▰▬ ▯▰ ■▬▮ ▪▬■▰ ▮▰ ■▬ ▪▱ ▬▱ ▱▱▮▬■▯ ■▯▪▪▱▯▱ ▮▮▱▬▮▮▮ ■▬▬ ▬■ ■▰▮▯▱■ ■▮▮▬▮▯ ▬▮▰▬▬ ▪▯▬■▱
▮▮▰▱ ▮▮▮■▮ ▰▯▯ ■▱ ▮▬■ ▯▯ ■▯▯ ▪▮▱▰▪▪■ ▪▪■ ▰■▮■▯ ▮▪▱▯▪ ▰■■▬ ▬▰ ▱▬▯■▰▱■ ▪▮▬ ▯▬■▪▯▮ ▰▮▬ ▮■ ■▮▰▬▬▪▰ ▮■▮▱▬▰■ ▱▮ ▮▪▰▰■▯ ▪▮▯■ ▱▪ ▯▱▮▬▯ ▪▰▪ ▰▱▰■▯■■ ▬▪■■▰▮▯ ▰▬▬▪ ■▪▪▱▪■ ▯▰■▰ ■▬▯▰▮▯▱ ▪▰▬▯▯ ▮■ ■▮▯▱▪▯▮ ■■▮▮■▰ ▱■■▪ ■▪▮▯▪▮▬ ■▮▮▰▯▮■ ▪▪ ▪▰▯ ■▮▯▯▮▰▰ ▰▱▱▪▮▬ ▱▮▮
▪■▬▱▯ ■▯▰■▯▮▪ ▬▱■▯▰▬■ ▬▱ ▬▮▰ ▮■▱■▬▮ ▪▯▰▪■ ▬▱▪▮▯▬▰ ▯▯▰▮▯▱▬ ▯▯ ▬▰■▯ ▮▯▪ ▱▬▱■▱■▪ ▬▰▬▯ ▱■▬▯ ■■ ■▬▰ ▪▬▪▰■ ▯▮■ ▪▪ ▬■▰▮▱ ■▬■▬▰▪ ▯▬▪■▪▮▱ ▪▪ ▰▯▬ ▬▯▬■▯■ ▯▬ ▪▰▬▯▬ ▮▱▱■▯▮ ▱▰■▬▬▬ ▮■▱ ▮▱▬▬▰▰ ▯▮▬■▱▬ ▮▬▬▯▯ ▯▯ ■▰▬▪▮▱▮ ▱▮▮ ▮▮▱▱▰▱ ▯▱ ▯▮▱▪■▬ ■▪▬▰■ ▰▪▮▬▪▯ ▬▱ ■▯▪ ■▯■▰▯▪▪ ▮▯▮▯▯▪ ▮▬▮▰▪■ ▬■▰▪▰▮ ▰▪▪▬▬▬▱ ▱▱▮ ▱▬ ■▬▪▱
▱■ ▬▰▬▰ ▯▯▱ ▪■▮▱▪ ▬▰▪▰▪▰▮ ▪▪▪▯▪▯▯ ▯▯▯▬■▱▯ ▪▮▯ ▮▯▪▪▰▰ ▬▱▱▰▪▰▮ ▱▱▬▰▮■ ▯▮■▰■▬ ▪▱▯▬ ▪▯▱▬ ■▯▪▪▬▪▯ ▪■▰▯▯▬■ ■▯▬▬▱▪▯ ▱▬▪ ▰■ ▮▪▱▰▪▮▪ ▪▱▪▪ ■▱▰▪■▮ ▰▬▰▯ ▰■▪■▪■ ▰▯▬▪▬▮ ▱▪▰▬▪ ▬▰▪▪▮▯ ▮■▪▬ ▪▯▯▰ ▮▬▮▪ ■▪■ ■■▬■ ▱▮▪▯■ ■■▬▮ ▯▬▱▯■▮ ■▬▮▰▯▪▯ ▬▱▬▪▪▯ ▰■■ ■▰▰ ■■ ▪▪▰▯ ▪▰▮▬■▬▯ ▰▬▰▬■▱▮ ▱▯ ▪■▰■▪▪ ▯▯ ▯▯▯▯ ▪▪▬ ▮▱■■▯ ▮▱▱▱■▬▰ ▮▯▰▰▱ ▰▱ ▱▪ ▬▱ ▰▰▯▮ ■■ ▪▯▯ ▯▰■▰
▬▰▯▯▬ ■▮■ ▪▮▮ ▱■▱ ▯▮▮▮▯▬ ▯■ ▰▯■▰▰▬ ▱▱▬▬▬▰ ■▯▰▬ ▰▯■ ▮▮▱▪▱ ▪▱ ▱▯▮▰ ▯■▬▬▮▪ ▪▯▰▰▱▬▯ ▪■▱▮▮ ▱▮▰▰▬ ▬▮ ▪▬▬▰▬▪ ▰▯▮▬ ▮▪▮▰ ▯▱▱■▪▮▬ ■▰ ▪▰▪▪▰▪▬ ▯▬▰▯ ▬▯▪▯▪ ■▰▱■▯▰■ ▰▪ ▮▬▪▬▮▮▮ ▪▯▪▰ ▯▯ ▰■▮ ▯▪▬ ■▯▯▪▬■ ■■▮ ▪▪ ■▪ ▰▮ ■▰▬■▬▮ ▯▮▬■ ▬▱▯▱▱▯ ▪▬■ ▰▯▯▯ ▯▬▮ ▪▰▪▯▮▯ ■▬ ▰▰ ▪▪▱▯▬▯▯ ▮▯▱▱ ▪▪▰▯▱▱▰ ▰▱■▮ ▪▯■▮▯ ▪▰▮▱▯▪▰ ▬▬▪▯▱▮ ▪▪▯ ▰▪▰ ▮■▮▰ ▰▯▮▬ ▯▰▪ ▮▱▯ ▰▪▬■▯▬▮ ▪▪ ▬▰ ▪▮ ▬▱▬ ▬▯ ▬▮▰■▬▰ ▰▱■ ▰▱▬▯▮▯■
▮▱▯■▮▬▮ ▮■▱▬ ▯▮▬ ■▱▯▰▬ ▱▱▰▱▬▱▪ ▮▪▯▪▬▬ ▱▮■ ▬■▬▮ ■■▮▱▯▯ ▰▰▱▯ ▱▰ ▯▮▮ ▬▪▮▰■▮ ▪▰▯▪▪▱▬ ▮▪▬▮■■▯ ▬▪▮▯ ■▮■▬■ ▰▱▯▯ ▮▮▪▪▰ ▬▱▯▪
▪▪ ▰▪▱▬ ▱▬■■■▰ ▪■■▱▯▰ ▯▪▱▰▯▪ ▯▰▬ ■▱▱▮▱■ ■▬▯▰▪ ▪▪ ■▯▱▮ ■▪▬▬▬▮ ▯▰ ▪▯▰▮▬▯ ▮▮ ▮■▯▮ ▬▪▮■▱ ▱▪▪ ▪▱▮▮▯ ▮▱■▯■▰ ▯▬▰ ■▰▪▮▮▪▱ ▪▰▱▯ ▬▰▯▬▬ ▪▮▬▬ ▰■▬▬■■ ▮■ ▱▰▯▯▯▪ ■▰ ▮▰▪▬▯▮ ▱▪ ▰▱ ▱▰▬▮▮▮ ▪▯
■▱▯▬ ▪▯▯▮▯▬▱ ▮■▰▮▪ ▱▰ ▱▬▮▪ ▯▱ ▬▯▱▱ ■▰▰■▮▱ ▬▯▮▰ ▰■▰▰▱ ▯▯ ■▮▰▬■ ▱▯ ■▰▱▬▱■▪ ▪■▬ ▪▯▬▪ ▬▪▮▰■ ▪▰▰▰▱▪ ■▪ ▬▬▯▬▱ ▮▮■▪▬▬ ▱▰▰▰▰▮ ▱▮ ▮▱▪▱ ▰▰▮▯▪ ■▱▮▯ ▬▰
▰▰▰ ■▪ ▯▱▬ ▮▪▪▪■▱▯ ▮▱▬ ▰▯■▮ ▰▬▯■■ ▬▰▰ ■▮ ▪■▬▰▰ ▪■■▰▬ ▱■▯■▯▯▯ ▮▪▰▬ ▬▰▬▬▪▱▬ ▱▯ ▱▯▮▬▰■ ▯▯▱▬▯ ▮▮▰▮▯▪▰ ▮▯▯■▯ ▬▪▰ ▯▰▮▬▮▬ ▮▯▮■▮▰▰ ▱▱▮▯▱▪ ▬▮ ▬▮▪▮▱▯▪ ▯▱■▮■▰▰ ▮▰■▮▱▱▪ ▯▪▬▱▰ ■▬▬▯ ▮▰▪▬ ▮▬ ▬▰▰▪▪■▰
▪▬ ▱▱▪▮ ▪▬ ▯▯▰ ■▪▮▱▱▱▯ ▬▯▯ ▪▯▬■ ▰▬▯▱ ▮▬▪▯▬ ▪▮■▱▱ ▱▮▮ ▪▪■▯▯▰▪ ▯▬▱■ ▮▬■▯■ ▯▬▱■ ■▪■▬▯▪■ ▰▯▯■▮ ▰■ ■▰▱▬ ▪▪ ▯■■▮ ▮▬ ▪▯▱▮▯▯▱ ▪▯▮▪▬▬ ▮▯ ▪▰ ■■▯▮▪■▱ ▬▯■▱ ▰▪■ ▯▯▯▰■▯ ■▪▬▱▰▯ ▱▪ ▰▬▱▱▯▮▱ ■▱▪■▬ ▰▱■ ▯■▬▪▯▱ ■■ ■■▱▱ ▰▱▬▮ ▮▮▬▪▪ ▱▱▰■▬ ▱▯▯▱ ■▰▯ ▮▪ ▰▬ ▱▯▰▬▬ ▮▱▮ ▯▰▯▪▮▮ ■▯▱■▯▱ ▱▬▰▰▯▪▰ ▰■ ▯▬ ▬▱ ▬▪▱▱▯ ▰▯▰▱▯ ■■▪ ▪■▰▮▬ ▮▬ ▯▮ ■▬ ▮▪▯▪ ■▯▯▪ ■▬▬
▮▬ ■■▯▬▰▬ ▰▪▱▯▯▪ ■▰▬▱▬▱ ▪■▮▰▱ ▮▪ ▰■▱■▪▱ ▯▬■▪▮ ■▰■▯▰▬ ▯▪▱▱ ▬■▱▪▮▯■ ▮■▰▰▰ ▪▯▱▱ ▰▮▪▬▬▱▪ ▬▯▪▱▱▪ ▰■▮ ▪▪▪■ ▰■▮▬▮■ ■▰▮▱ ▱▯▱▱▯▮▪ ▯■▰ ▱▱ ▪▰ ▬■▰ ■■▯▪▰ ▱■▬▯▮▰
▯▮▬▪ ▯▱▪▯▪ ▱▯ ▰▬▬ ▱▰▱▯▱ ▪▪ ▰▱▰▰▰ ▰▱▰■▱▮■ ▮▬ ▬■▱▬▱▪■ ▮▰ ■▱ ▬▰▬▰ ▬▯ ▱▯ ▬▱ ■■▪▯▬ ▬▬ ▯▮▮▱▱■ ▬▮■■▬ ▮▪▪▱▪▰ ■▰ ▱▯ ▪▱▱▯▱ ▪■▮▰ ▯▬▮▬▯▯ ▱▯▯▯▱▪ ▰▱■ ■▯▪▬▬▯ ▮▬▬▯▰▱■ ▪▬▯▮ ▰▬▱▮▱■▱ ▮▯▯▱▱▮▯ ▰▱▬▪ ▪▱▮▬ ▬▬▪▯ ▯▰■■ ▰▱ ▱▰▰▰▱■▱ ▬▰▯▰▰▪ ▪▯▪▮▯■■ ▰▮▪ ■▯▰▪▬▰▬ ▮▱▬▪ ▮▬■▮ ▬▯▯▰ ▯▯▱ ▬▱▬▮▰▰ ▰▰▮▮ ■▪▬▰ ▰▰▮▬
▪▰▱■▮▪▪ ▱▱▰▰ ■▱▪▯▱▯ ■▬▮▰▰▯▰ ▯■▰▪ ■▮▰ ▪■▮▬▮▬ ▬▱▮▪▯▬ ▰▬▯▱▪ ▮▪▱▰▰▱▪ ▬▬▬▰ ■▮■▪ ▮▱▬▪▰▬ ■▮■▪▱ ▰■ ■▯ ▮▯▮▯ ▰▯▬▯■▱ ▬▰▱▱▪ ■▱▯ ■▱▪▬ ▱▱■ ▪▰▯▰▱▯■ ■▬▱▯■▯ ▰▬▬▯▮ ▬▮▱ ▰▰ ▰▱▰▱▪ ▯▯■▪▱ ■▬▪▰▪▯ ▪▮▪▯▪▰ ▬▰▬■▯▮■ ▰▮▮▮■▬ ▱▱ ▮▪ ▬▱▯▱▮■ ▪▮▮▮ ▬▱■▯ ■▮▬▯▯ ▬▪▰ ▱▮▯▰▰ ▯▱ ▯▮▯ ▰▯■ ▮▪▮▱ ▯■▯ ▮▯▯ ▱▬▰▯▰ ▬▬▱▮ ▱▮▬▮ ▰▬▬▰▰
▪▮■ ▰■▯▪▮▮▮ ■▰▪▰▯▮ ▯▰▱▰▯▬▱ ▮▪▯▰ ▮▯ ▯▮ ▬▰▱▪▱ ▬▪▱▬▬ ▰▬▬▰ ▬▱ ▰▮▬■▪ ▮■▰▮▱■▯ ▮▪▬▪▯▱ ▮▱▯▱▰▪ ▱▰▰▰▰ ▯▰▮▪▪▰▮ ▬▬▮ ▱▪▰▯■ ▱▬▪▬▬ ▪▯ ▰▯▮▰▰▰ ▬■▪▰ ▬▮▬▯■■ ▰▬▮ ▰■ ▯▪■▬ ▯▬■▮ ▮▱■ ▬▮▰
▪▬▰▬▯▮▬ ▪▰▰▰▱▯ ▪▬▬ ▮▪▪ ▬▯▰▪▱ ▬▮▰▱▯▪ ■▯▮▱▬ ▰▱▪ ▮▰▱▰▮■■ ▰▯▯▯▪ ▰▱ ▱▪ ▬▰▱ ▰▯▮▯ ▪▰▯▰▰▰ ▱▮▯▯▬▮ ▯■▮ ▯▬▬▰▯▮ ▮▰▰▬▯ ▰▮▯▪▰ ▱▰ ▬■▬▱▱ ■▱▯▬▬■▱ ▮▬▪▬▱ ■▬■▱▰ ▯▯ ▬▮ ▰▯▯▱ ■▮▯■▱ ■▮▱ ▯■▪▱▱▱ ■▬■▱▱ ▰■▬■▪▱ ▰▱■■ ▮▯ ▱▰▯■ ▱▪ ▱▰▬▱▪▪ ▰▰▰■ ▬▬▰▯▪ ▱■
▪▪▰■▱▱■ ▱▯▮ ▪▬ ▪■▰■▪■▪ ■▱▰▮▰▪▯ ▯▰ ▬▮▱ ▪▪ ▪▰▪▱▰▰ ▱▰▮▬▯▪▯ ▪▪▯▪▮▯ ▰▪▪▮ ▪▪▰▰▬▮ ■▮■ ■▯ ▯▮▪▰▰ ▰▪ ■■▱■▱▯▪ ▬▱▮▯▯▬▱ ▯▬▯▱▯▯ ■▬▱■▪ ■▮▰▮▯ ▰■ ▬▪▪▮▮■ ▬▮▮▪▪▪ ▪▪▬▬ ▯▰▰▮■▬▬ ▰▰▬▯ ▮▬ ▱▬▱▪■▬ ▰▬▪▱▬▯■ ▮▯▱▬▰▪ ▪▪▯■▬▱ ▰▯ ▪▮▯▱ ■▬▱▪▱▬▬ ▮■ ▰▰▯ ▯▱▪▬ ▪▪▯■▯ ■■▮▯▱■▬ ▱▬▮▮▬ ▪▯ ▮▮▱▰▮■ ■▬▰▮ ▮▬▱▰■ ■▰▯▱▪■ ▰▪▮▯▮ ▬▯■ ▰▮■▬ ▱▱▯▬▰▪▯ ■▪▪▮ ▯▱▬■▱▯ ▰▰▬▱▮▪ ■▰▰▱▬▪ ▮▰■▮ ▪▱▬▬■▬
▱■■ ▮▱▯▮ ▮▯▬ ■▯▰▮▯▱ ▰▯ ▬▬▱▰ ▰▯▪▰ ▪■▱ ■▬▯▬▯▱▪ ■■▱▮ ▰▯▮ ▱▱▰ ■▰▮▬▰▯ ■▯ ■▰▱▬▯▰ ▯▰ ▱▮■▪■▪▰ ▮■▪ ▮▮▮▬ ▱▬▮▬ ■▪▰▮▯ ▮▬ ■▯ ▱▱ ▬▯■▱■ ▰▰■▯▪▯ ▰▰▬▰▱ ▯▬▯ ▯▱▱■▯■▪ ▰▬ ▮▱■▯▮▬ ▬■▱▱▯▰ ▮▰▰■▪ ▯▯ ▱▬■■▰ ▮▮▱▰▯ ▪▰■ ▮▯▬ ▯▱▯▬▬▱▪ ▮▮▬▬▱▰▪ ▰▬▪▰▬ ■▮▬■■▰▬ ▯▪▱▮▪▰ ▮■▮▯▰ ▪▰▱▬ ▬▯▮ ▬▪▱ ▯▱ ▪▬■ ▱▪▮ ▱■ ▯▬▪▰■▪▰ ▬■▰▱ ▯▯■▮▯▯▯ ▪▮▮■ ▪▰▪▱▯ ■▪▰▪▯▯ ▯▰▯▮▯ ▮▮▯▬▰▮▪ ▯▯ ▮▱■▰▯▮
▯▬ ▰▰■▪▱▮ ▮▪▪▰▰ ■▯▰■ ▯▱▱ ▪▪▬▬ ▪▯▱▪ ▪▰▯▯▬ ▰▬ ▱▪■▬ ▮▰▱ ▮▰ ▱■ ▬▬ ▮▰▰▬■ ▰▯▬ ▯▮■▯■■■ ▱▬▮▬▱ ▮▪▯■▮▰▪ ■▮▱ ▬▱▱▪▯ ▪▯▰▪▪ ▪▯ ▱▯▮▰▬▬ ▬■▱■▱▪▰ ▪■▮ ▪▪▱▯ ▮▱▮▮▬▰ ▬▪■ ▪▯▯ ▪▱■■▬▰▱ ▰■▰▪▱ ▰▰■▮ ■▪▯ ■▬▯▯▱▪ ▯▯ ▱▮■ ▪▬■ ▪▯ ▬▯▮▱▪▯ ▱▰▮▪▪ ▬▬▬▱ ■▪▯▯▰▯ ▰▱▱▱■▬▯ ▬■▯▯▰ ▬▪▮■▯■ ▰▱▪
▬■▬■▪ ▱▮▪▪▮■ ▬▯▱▰ ■■■▮▯ ▬▰▱▪▪▱ ■▬▯▰▮ ▱▰▰▱▯▰■ ▪▰▰▯▮ ▪▰▬▯▰▬■ ▮■ ■■ ▯▮▱ ▰▮■▪ ▰▪▪▪▬ ▮▱▯ ▬▪▰ ▪▯▯ ▪▬ ▰▮■ ▯■▱▪▮▪▮ ▪■▯▮▬▪▬ ▱■▬▬▬ ▯▮▰▮▰▮▪ ▪■▰▮▰▬ ▮▰▮▰▯■■ ▯▯ ■▱▪▮▮▮▬ ▪■▰▯■ ▮▱▱▱ ▯▮▪■▮▯ ▬▮▰▯■ ▯▱■▱▮▪ ▱▯▬▱▯ ▱▮▯■▱ ▱▪▰■▰▰▯ ▪▪ ▯▪▬▮ ■▱▱▬▯▮▪ ▪▮■▬▪▯ ▱▪▯▪ ▰▬▬▱▯▰▯ ▰▬▱▯▮▯ ▬▪▰▮▪▱▪ ▯■▱▬▬▮▮ ■▮■■▯ ■▮▮ ▮▬■ ▪■▪▮▮▱▮ ▬▰▰▱▯▬▪ ■▬■▮▱ ▰▬▱▯ ▬▬ ▰▬▰▰ ▯▰ ▮▪■▯▬▬ ▰▱▯▰▬ ▰▱▱
■▰ ▱▯▱ ■▬ ▯▪▰▰▯▪▱ ▮▮▬ ▰▬ ▬▰■▮ ▪▰▬▬▬▬▰ ▬▪ ▰▰▮■■▪▯ ▮▱▬▰ ■▮▪▪ ■■▯▬■▱▬ ▪▮▪■▬ ▰■■ ▬▪▯▮▱▮▱ ▱▱■▬▪▬ ▱▱ ▮▪▮▮▰▱ ▰▮▬▱ ▱▬▬▮ ▮▯▪▬▮▮ ▰▰▱▯ ▮▯▬▮■ ▪▯▪■ ■▰■▯ ▰▪▮▪ ▮▯ ▰▮▱▰▪▯▱ ▮▯▱ ▬▰▱▮■▮ ▬▰▬ ▪■▬▪▱▱▪ ▪▯▬ ▱▰■▬ ▯▮▪▬▰■▱ ▱▮▪■▯ ■▰▱ ▪▰▪▬ ■▰▰▮
▰▰▮▬▬▬ ▯■■▪▰■ ■■▱▪▬ ▯▯▰▰▱■▪ ■▪■▪■▮■ ▱▱▯▯ ▪■▬ ▯▰▮ ▱▪▱■▰▬ ▯▯▮▬▪▯▪ ▬▯▮▬ ▪■ ▰▯▯▯▰▮▪ ■▱▱▰▪▱ ▮▱■■▮▮▮ ▯▪▰▱▮▬▰ ▪▰▯▯■▪ ▪▪ ▯▱ ▯▰▰▰▪▮ ▯▬▱▬ ▱▱▱▮▰▯ ▪■▯ ▯■▯▱▰ ▪▮▯▱ ▮▮▰ ▬▮▱▰ ▮▮▯▬▯ ■▰■■▪▬▯ ▪▪▱■ ▱▪▪ ▬▮▮▯▮▰▰ ▮▰▬▰▬ ▪▱ ▪▯ ■▪▱▬■▯▮ ▬▯▯▯ ▬▰▬▱▪ ▰▬▱▪▯▬ ▬▮▰▪▯▰ ▮■▬▪ ▮▪▬ ■▪▬▪ ▯▰▪▱▮▪▮ ▮▰▯▮▪ ▮■▰▱■▰ ▬▬▪▮ ▰▰▰▬▰▮▯ ▬▱▬▰▯▰▪ ▬▪ ▰▱▬▬■▰▮ ▰▮▯▰■■ ▪▬▱▰■■▱ ▰■■▯ ▬▰▪▯▯■ ▱▯▱▰ ▰▰▮ ▪▰■▯ ▪▬▰▬
▱▮▯▪ ▱▯▱▰▯▮ ▰▱▬▬ ■▯■▱▬ ▪▰▬▯ ▪▬▪ ▱■▬▯ ▮■▮▪ ▰▱▬▯ ▪▮▱▬▱■▪ ▱■ ▰▯▯▪■ ▮▱▰▪▯▮▯ ▯▪■▮▬ ▯▮▰▪■▯ ▮▱■■▱■▬ ▬▰ ▬▯▬▮▮▬ ▯■ ▮▪▮▮▰ ▪▯■ ▰▮▰▱■▯ ▱▰▬ ▯▯▱▮▬▯ ▪▮■▬▱▰▪ ■▮■ ▪▮▯■▪ ▮▮▬▯▰▯ ▮▪▮ ▮▰■ ▰▯▯▯▬▬ ▮▮■▰▬▬▪ ▬▮▰ ■▬▰■ ▪▪▪▰ ▪▪▪■▰▱ ▰▬■▱▰▬ ▰▱▮ ▪▱■▯■▪ ▪▮▰▰▬▪ ▬▮■▯ ▯▱ ▬▬▮ ▯▪▰▱▱ ▰▱▯ ▰▪▯▯▮ ▪▰▯▯▮ ▯▪■▬ ▪▬ ▬■▮▯▰▱ ■▪▯▪▱ ▰▮▱▱ ▰▬▮ ▬▱▮▬▱ ▰▯▮▱▰▮▮ ▬▯▮▮▰ ▪▮▬▪▪▪▯ ▱▱ ▰▰▰▬▪▪▱ ▯▱▪▮▰▯▪ ▬▪ ■▰■▱▮▯▮
▬▰▪ ▪■▰▬■ ▰▯▯ ▬■▯▯▪▱ ▬■▱▱▮ ▬▯ ■▰■ ▮▰■■▱ ▱▰ ▯■ ▮▰▯▱ ▱▪▱▰■ ▰▰ ▪▯▰▮▪ ▱▰■ ▱▱▮ ▪▬ ▬▪▮▯ ▰▮▪▯ ▬▮▱■▰ ▱▱▱ ▬▪ ▬▰ ▮▰▮■ ▯▯▪▬▮▮▱ ▱▱ ▱▯▪■▮▮▯ ▬■ ▱▱▯▰▬ ▪■▯▰▪ ▱▬▮▱ ▱▪▪▬▬▰■ ■▯▬▪▬ ▱▯▬ ■▮▮▱▰ ▮▰ ▮▰▪▪▬▮▱ ▪▪▯▯▬▪▬ ▱▰▬▪▪▰▮ ▱▪ ▪▰▰▰▮▯ ▱▮■ ▱▮▮▬ ▮▪ ▰▰ ▰▯ ▱▪▯▯ ▱▮▯▱▯▯ ▯▰▬▱▯▯▰ ▪▰▬▮▬▱ ▰▱▯▮▯▮ ▯▯▯▪▯▱▱ ■■▯▰■▬
▯▱▮▯ ▯■▰▬ ▰■ ▯▪▱ ■▯▱▪▮▱▱ ▯▰▬▬ ▱▮ ▮▮▯ ▯▱▬▮ ▮▮■ ▱▱▬▬ ▱▱▪ ▬▮■ ▬▯ ▬▮▬ ▰▱■▪▬▯ ■■ ▬▮▰▰▮▬ ▮▪▮▰▮▰ ▯▯ ▬▯▮▯ ▮▪■■ ■▮▯▱ ▪■▰ ▱▬▮▰▮■ ▯▯▮ ▰▪▮ ▮■▪■▪▬ ▮▰▬ ▰▱ ▰▪▯▪▰▪
▱■ ▪▬▬▮ ■▪▯▪▯▮ ▬▰ ▯▯ ▱▱▬▰▯▬ ▮▪▮▰▪ ▱▱▪ ▰▯▬ ■▮ ▰▪▱▬ ▬▪▱▰▯▰▱ ▯▱▪ ▬■▱ ▪▱▬■▱▮ ■▰ ▱▯▪▱▬▪ ▬▱▱▪▰ ▪▮▬▯■▪ ▪▯▪ ■▱▮ ■▮▯▰▯▯▮ ▬▰■■ ▪▮▮■▯▰■ ▪▰▰▪ ▬▪▱▮▯ ▰▱ ▮▬▯▱ ▱▰▰▰▬ ▯▱▪▰■ ▰■▱ ▮▱ ▰▬▰▪▱▪▪ ▮▪▮■▯▮ ■■▰▯ ▰▱■▰▬▪ ▬▯ ▪▱▯ ▪▯▬▪ ▯▪▪▮▮▯ ▰▬▯ ▰▰▬ ■▮▮▪ ▯▮▰
